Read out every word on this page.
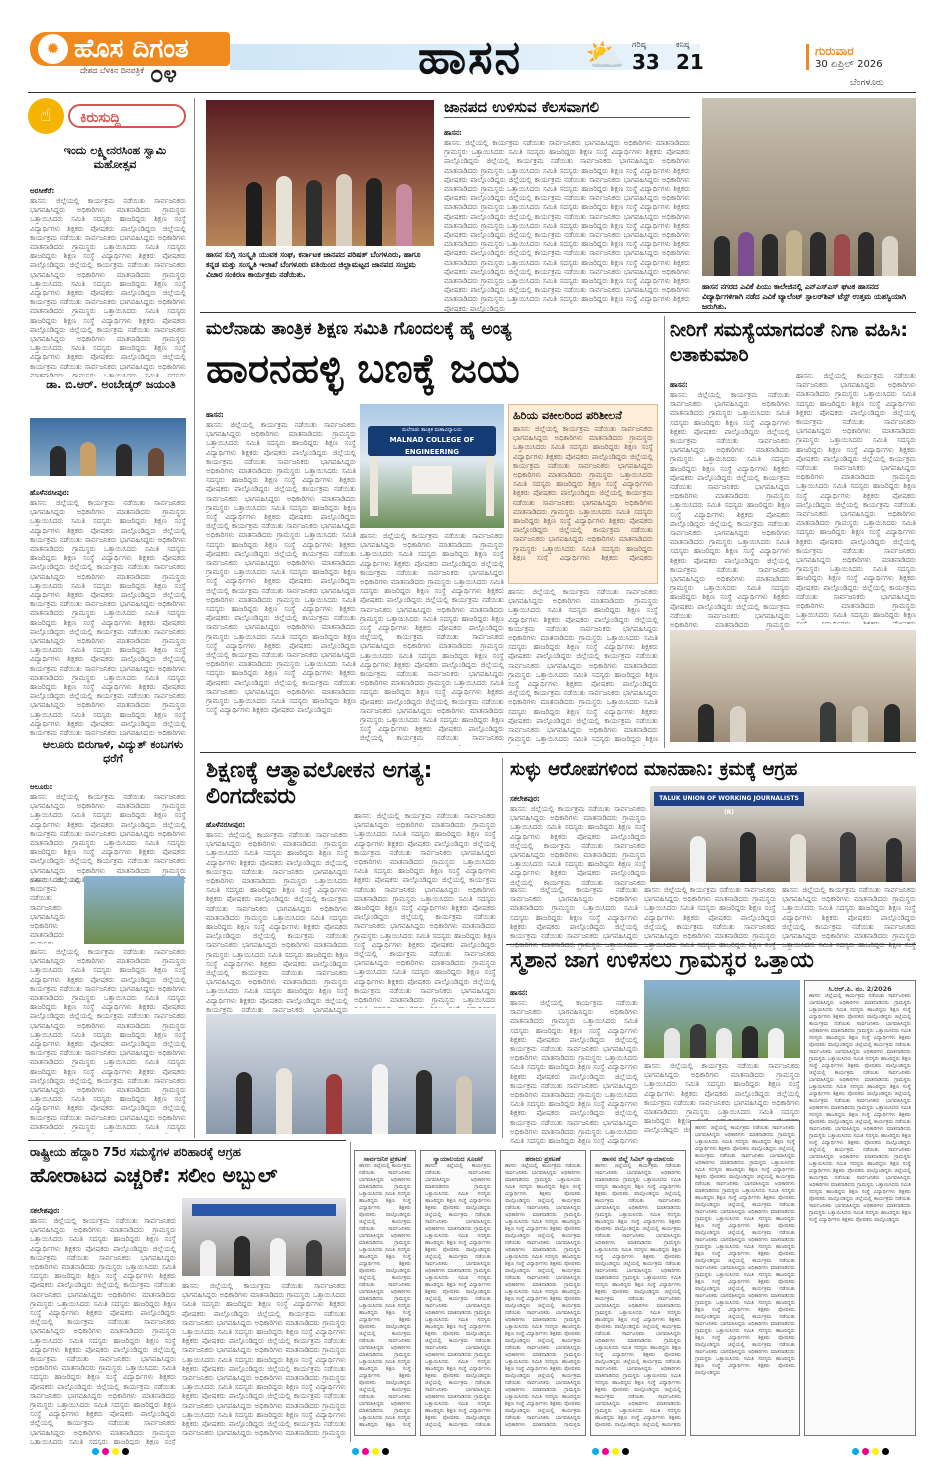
ಹೊಸ ದಿಗಂತ
✹
ದೇಶದ ಬೆಳಕಿನ ದಿನಪತ್ರಿಕೆ ೦೪	ಹಾಸನ ⛅ ಗರಿಷ್ಠ
33
ಕನಿಷ್ಠ
21	ಗುರುವಾರ
30 ಏಪ್ರಿಲ್ 2026
ಬೆಂಗಳೂರು
☝	ಕಿರುಸುದ್ದಿ
ಇಂದು ಲಕ್ಷ್ಮೀನರಸಿಂಹ ಸ್ವಾಮಿ ಮಹೋತ್ಸವ
ಅರಸೀಕೆರೆ:
ಹಾಸನ: ಜಿಲ್ಲೆಯಲ್ಲಿ ಕಾರ್ಯಕ್ರಮ ನಡೆಯಿತು ಸಾರ್ವಜನಿಕರು ಭಾಗವಹಿಸಿದ್ದರು ಅಧಿಕಾರಿಗಳು ಮಾತನಾಡಿದರು ಗ್ರಾಮಸ್ಥರು ಒತ್ತಾಯಿಸಿದರು ಸಮಿತಿ ಸದಸ್ಯರು ಹಾಜರಿದ್ದರು ಶಿಕ್ಷಣ ಸಂಸ್ಥೆ ವಿದ್ಯಾರ್ಥಿಗಳು ಶಿಕ್ಷಕರು ಪೋಷಕರು ಪಾಲ್ಗೊಂಡಿದ್ದರು ಜಿಲ್ಲೆಯಲ್ಲಿ ಕಾರ್ಯಕ್ರಮ ನಡೆಯಿತು ಸಾರ್ವಜನಿಕರು ಭಾಗವಹಿಸಿದ್ದರು ಅಧಿಕಾರಿಗಳು ಮಾತನಾಡಿದರು ಗ್ರಾಮಸ್ಥರು ಒತ್ತಾಯಿಸಿದರು ಸಮಿತಿ ಸದಸ್ಯರು ಹಾಜರಿದ್ದರು ಶಿಕ್ಷಣ ಸಂಸ್ಥೆ ವಿದ್ಯಾರ್ಥಿಗಳು ಶಿಕ್ಷಕರು ಪೋಷಕರು ಪಾಲ್ಗೊಂಡಿದ್ದರು ಜಿಲ್ಲೆಯಲ್ಲಿ ಕಾರ್ಯಕ್ರಮ ನಡೆಯಿತು ಸಾರ್ವಜನಿಕರು ಭಾಗವಹಿಸಿದ್ದರು ಅಧಿಕಾರಿಗಳು ಮಾತನಾಡಿದರು ಗ್ರಾಮಸ್ಥರು ಒತ್ತಾಯಿಸಿದರು ಸಮಿತಿ ಸದಸ್ಯರು ಹಾಜರಿದ್ದರು ಶಿಕ್ಷಣ ಸಂಸ್ಥೆ ವಿದ್ಯಾರ್ಥಿಗಳು ಶಿಕ್ಷಕರು ಪೋಷಕರು ಪಾಲ್ಗೊಂಡಿದ್ದರು ಜಿಲ್ಲೆಯಲ್ಲಿ ಕಾರ್ಯಕ್ರಮ ನಡೆಯಿತು ಸಾರ್ವಜನಿಕರು ಭಾಗವಹಿಸಿದ್ದರು ಅಧಿಕಾರಿಗಳು ಮಾತನಾಡಿದರು ಗ್ರಾಮಸ್ಥರು ಒತ್ತಾಯಿಸಿದರು ಸಮಿತಿ ಸದಸ್ಯರು ಹಾಜರಿದ್ದರು ಶಿಕ್ಷಣ ಸಂಸ್ಥೆ ವಿದ್ಯಾರ್ಥಿಗಳು ಶಿಕ್ಷಕರು ಪೋಷಕರು ಪಾಲ್ಗೊಂಡಿದ್ದರು ಜಿಲ್ಲೆಯಲ್ಲಿ ಕಾರ್ಯಕ್ರಮ ನಡೆಯಿತು ಸಾರ್ವಜನಿಕರು ಭಾಗವಹಿಸಿದ್ದರು ಅಧಿಕಾರಿಗಳು ಮಾತನಾಡಿದರು ಗ್ರಾಮಸ್ಥರು ಒತ್ತಾಯಿಸಿದರು ಸಮಿತಿ ಸದಸ್ಯರು ಹಾಜರಿದ್ದರು ಶಿಕ್ಷಣ ಸಂಸ್ಥೆ ವಿದ್ಯಾರ್ಥಿಗಳು ಶಿಕ್ಷಕರು ಪೋಷಕರು ಪಾಲ್ಗೊಂಡಿದ್ದರು ಜಿಲ್ಲೆಯಲ್ಲಿ ಕಾರ್ಯಕ್ರಮ ನಡೆಯಿತು ಸಾರ್ವಜನಿಕರು ಭಾಗವಹಿಸಿದ್ದರು ಅಧಿಕಾರಿಗಳು ಮಾತನಾಡಿದರು ಗ್ರಾಮಸ್ಥರು ಒತ್ತಾಯಿಸಿದರು ಸಮಿತಿ ಸದಸ್ಯರು ಹಾಜರಿದ್ದರು ಶಿಕ್ಷಣ ಸಂಸ್ಥೆ ವಿದ್ಯಾರ್ಥಿಗಳು ಶಿಕ್ಷಕರು ಪೋಷಕರು ಪಾಲ್ಗೊಂಡಿದ್ದರು ಜಿಲ್ಲೆಯಲ್ಲಿ ಕಾರ್ಯಕ್ರಮ ನಡೆಯಿತು ಸಾರ್ವಜನಿಕರು ಭಾಗವಹಿಸಿದ್ದರು ಅಧಿಕಾರಿಗಳು ಮಾತನಾಡಿದರು ಗ್ರಾಮಸ್ಥರು ಒತ್ತಾಯಿಸಿದರು ಸಮಿತಿ ಸದಸ್ಯರು ಹಾಜರಿದ್ದರು ಶಿಕ್ಷಣ ಸಂಸ್ಥೆ ವಿದ್ಯಾರ್ಥಿಗಳು ಶಿಕ್ಷಕರು ಪೋಷಕರು ಪಾಲ್ಗೊಂಡಿದ್ದರು ಜಿಲ್ಲೆಯಲ್ಲಿ ಕಾರ್ಯಕ್ರಮ ನಡೆಯಿತು ಸಾರ್ವಜನಿಕರು ಭಾಗವಹಿಸಿದ್ದರು ಅಧಿಕಾರಿಗಳು ಮಾತನಾಡಿದರು ಗ್ರಾಮಸ್ಥರು ಒತ್ತಾಯಿಸಿದರು ಸಮಿತಿ ಸದಸ್ಯರು ಹಾಜರಿದ್ದರು ಶಿಕ್ಷಣ ಸಂಸ್ಥೆ ವಿದ್ಯಾರ್ಥಿಗಳು ಶಿಕ್ಷಕರು ಪೋಷಕರು ಪಾಲ್ಗೊಂಡಿದ್ದರು ಜಿಲ್ಲೆಯಲ್ಲಿ ಕಾರ್ಯಕ್ರಮ ನಡೆಯಿತು ಸಾರ್ವಜನಿಕರು ಭಾಗವಹಿಸಿದ್ದರು ಅಧಿಕಾರಿಗಳು ಮಾತನಾಡಿದರು ಗ್ರಾಮಸ್ಥರು ಒತ್ತಾಯಿಸಿದರು ಸಮಿತಿ ಸದಸ್ಯರು ಹಾಜರಿದ್ದರು ಶಿಕ್ಷಣ ಸಂಸ್ಥೆ ವಿದ್ಯಾರ್ಥಿಗಳು ಶಿಕ್ಷಕರು ಪೋಷಕರು ಪಾಲ್ಗೊಂಡಿದ್ದರು
ಡಾ. ಬಿ.ಆರ್. ಅಂಬೇಡ್ಕರ್ ಜಯಂತಿ
ಹೊಳೆನರಸೀಪುರ:
ಹಾಸನ: ಜಿಲ್ಲೆಯಲ್ಲಿ ಕಾರ್ಯಕ್ರಮ ನಡೆಯಿತು ಸಾರ್ವಜನಿಕರು ಭಾಗವಹಿಸಿದ್ದರು ಅಧಿಕಾರಿಗಳು ಮಾತನಾಡಿದರು ಗ್ರಾಮಸ್ಥರು ಒತ್ತಾಯಿಸಿದರು ಸಮಿತಿ ಸದಸ್ಯರು ಹಾಜರಿದ್ದರು ಶಿಕ್ಷಣ ಸಂಸ್ಥೆ ವಿದ್ಯಾರ್ಥಿಗಳು ಶಿಕ್ಷಕರು ಪೋಷಕರು ಪಾಲ್ಗೊಂಡಿದ್ದರು ಜಿಲ್ಲೆಯಲ್ಲಿ ಕಾರ್ಯಕ್ರಮ ನಡೆಯಿತು ಸಾರ್ವಜನಿಕರು ಭಾಗವಹಿಸಿದ್ದರು ಅಧಿಕಾರಿಗಳು ಮಾತನಾಡಿದರು ಗ್ರಾಮಸ್ಥರು ಒತ್ತಾಯಿಸಿದರು ಸಮಿತಿ ಸದಸ್ಯರು ಹಾಜರಿದ್ದರು ಶಿಕ್ಷಣ ಸಂಸ್ಥೆ ವಿದ್ಯಾರ್ಥಿಗಳು ಶಿಕ್ಷಕರು ಪೋಷಕರು ಪಾಲ್ಗೊಂಡಿದ್ದರು ಜಿಲ್ಲೆಯಲ್ಲಿ ಕಾರ್ಯಕ್ರಮ ನಡೆಯಿತು ಸಾರ್ವಜನಿಕರು ಭಾಗವಹಿಸಿದ್ದರು ಅಧಿಕಾರಿಗಳು ಮಾತನಾಡಿದರು ಗ್ರಾಮಸ್ಥರು ಒತ್ತಾಯಿಸಿದರು ಸಮಿತಿ ಸದಸ್ಯರು ಹಾಜರಿದ್ದರು ಶಿಕ್ಷಣ ಸಂಸ್ಥೆ ವಿದ್ಯಾರ್ಥಿಗಳು ಶಿಕ್ಷಕರು ಪೋಷಕರು ಪಾಲ್ಗೊಂಡಿದ್ದರು ಜಿಲ್ಲೆಯಲ್ಲಿ ಕಾರ್ಯಕ್ರಮ ನಡೆಯಿತು ಸಾರ್ವಜನಿಕರು ಭಾಗವಹಿಸಿದ್ದರು ಅಧಿಕಾರಿಗಳು ಮಾತನಾಡಿದರು ಗ್ರಾಮಸ್ಥರು ಒತ್ತಾಯಿಸಿದರು ಸಮಿತಿ ಸದಸ್ಯರು ಹಾಜರಿದ್ದರು ಶಿಕ್ಷಣ ಸಂಸ್ಥೆ ವಿದ್ಯಾರ್ಥಿಗಳು ಶಿಕ್ಷಕರು ಪೋಷಕರು ಪಾಲ್ಗೊಂಡಿದ್ದರು ಜಿಲ್ಲೆಯಲ್ಲಿ ಕಾರ್ಯಕ್ರಮ ನಡೆಯಿತು ಸಾರ್ವಜನಿಕರು ಭಾಗವಹಿಸಿದ್ದರು ಅಧಿಕಾರಿಗಳು ಮಾತನಾಡಿದರು ಗ್ರಾಮಸ್ಥರು ಒತ್ತಾಯಿಸಿದರು ಸಮಿತಿ ಸದಸ್ಯರು ಹಾಜರಿದ್ದರು ಶಿಕ್ಷಣ ಸಂಸ್ಥೆ ವಿದ್ಯಾರ್ಥಿಗಳು ಶಿಕ್ಷಕರು ಪೋಷಕರು ಪಾಲ್ಗೊಂಡಿದ್ದರು ಜಿಲ್ಲೆಯಲ್ಲಿ ಕಾರ್ಯಕ್ರಮ ನಡೆಯಿತು ಸಾರ್ವಜನಿಕರು ಭಾಗವಹಿಸಿದ್ದರು ಅಧಿಕಾರಿಗಳು ಮಾತನಾಡಿದರು ಗ್ರಾಮಸ್ಥರು ಒತ್ತಾಯಿಸಿದರು ಸಮಿತಿ ಸದಸ್ಯರು ಹಾಜರಿದ್ದರು ಶಿಕ್ಷಣ ಸಂಸ್ಥೆ ವಿದ್ಯಾರ್ಥಿಗಳು ಶಿಕ್ಷಕರು ಪೋಷಕರು ಪಾಲ್ಗೊಂಡಿದ್ದರು ಜಿಲ್ಲೆಯಲ್ಲಿ ಕಾರ್ಯಕ್ರಮ ನಡೆಯಿತು ಸಾರ್ವಜನಿಕರು ಭಾಗವಹಿಸಿದ್ದರು ಅಧಿಕಾರಿಗಳು ಮಾತನಾಡಿದರು ಗ್ರಾಮಸ್ಥರು ಒತ್ತಾಯಿಸಿದರು ಸಮಿತಿ ಸದಸ್ಯರು ಹಾಜರಿದ್ದರು ಶಿಕ್ಷಣ ಸಂಸ್ಥೆ ವಿದ್ಯಾರ್ಥಿಗಳು ಶಿಕ್ಷಕರು ಪೋಷಕರು ಪಾಲ್ಗೊಂಡಿದ್ದರು ಜಿಲ್ಲೆಯಲ್ಲಿ ಕಾರ್ಯಕ್ರಮ ನಡೆಯಿತು ಸಾರ್ವಜನಿಕರು ಭಾಗವಹಿಸಿದ್ದರು ಅಧಿಕಾರಿಗಳು ಮಾತನಾಡಿದರು ಗ್ರಾಮಸ್ಥರು ಒತ್ತಾಯಿಸಿದರು ಸಮಿತಿ ಸದಸ್ಯರು ಹಾಜರಿದ್ದರು ಶಿಕ್ಷಣ ಸಂಸ್ಥೆ ವಿದ್ಯಾರ್ಥಿಗಳು ಶಿಕ್ಷಕರು ಪೋಷಕರು ಪಾಲ್ಗೊಂಡಿದ್ದರು ಜಿಲ್ಲೆಯಲ್ಲಿ ಕಾರ್ಯಕ್ರಮ ನಡೆಯಿತು ಸಾರ್ವಜನಿಕರು ಭಾಗವಹಿಸಿದ್ದರು ಅಧಿಕಾರಿಗಳು ಮಾತನಾಡಿದರು ಗ್ರಾಮಸ್ಥರು ಒತ್ತಾಯಿಸಿದರು ಸಮಿತಿ ಸದಸ್ಯರು ಹಾಜರಿದ್ದರು ಶಿಕ್ಷಣ ಸಂಸ್ಥೆ ವಿದ್ಯಾರ್ಥಿಗಳು ಶಿಕ್ಷಕರು ಪೋಷಕರು ಪಾಲ್ಗೊಂಡಿದ್ದರು
ಆಲೂರು ಬಿರುಗಾಳಿ, ವಿದ್ಯುತ್ ಕಂಬಗಳು ಧರೆಗೆ
ಆಲೂರು:
ಹಾಸನ: ಜಿಲ್ಲೆಯಲ್ಲಿ ಕಾರ್ಯಕ್ರಮ ನಡೆಯಿತು ಸಾರ್ವಜನಿಕರು ಭಾಗವಹಿಸಿದ್ದರು ಅಧಿಕಾರಿಗಳು ಮಾತನಾಡಿದರು ಗ್ರಾಮಸ್ಥರು ಒತ್ತಾಯಿಸಿದರು ಸಮಿತಿ ಸದಸ್ಯರು ಹಾಜರಿದ್ದರು ಶಿಕ್ಷಣ ಸಂಸ್ಥೆ ವಿದ್ಯಾರ್ಥಿಗಳು ಶಿಕ್ಷಕರು ಪೋಷಕರು ಪಾಲ್ಗೊಂಡಿದ್ದರು ಜಿಲ್ಲೆಯಲ್ಲಿ ಕಾರ್ಯಕ್ರಮ ನಡೆಯಿತು ಸಾರ್ವಜನಿಕರು ಭಾಗವಹಿಸಿದ್ದರು ಅಧಿಕಾರಿಗಳು ಮಾತನಾಡಿದರು ಗ್ರಾಮಸ್ಥರು ಒತ್ತಾಯಿಸಿದರು ಸಮಿತಿ ಸದಸ್ಯರು ಹಾಜರಿದ್ದರು ಶಿಕ್ಷಣ ಸಂಸ್ಥೆ ವಿದ್ಯಾರ್ಥಿಗಳು ಶಿಕ್ಷಕರು ಪೋಷಕರು ಪಾಲ್ಗೊಂಡಿದ್ದರು ಜಿಲ್ಲೆಯಲ್ಲಿ ಕಾರ್ಯಕ್ರಮ ನಡೆಯಿತು ಸಾರ್ವಜನಿಕರು ಭಾಗವಹಿಸಿದ್ದರು ಅಧಿಕಾರಿಗಳು ಮಾತನಾಡಿದರು ಗ್ರಾಮಸ್ಥರು ಒತ್ತಾಯಿಸಿದರು ಸಮಿತಿ ಸದಸ್ಯರು ಹಾಜರಿದ್ದರು ಶಿಕ್ಷಣ ಸಂಸ್ಥೆ ವಿದ್ಯಾರ್ಥಿಗಳು ಶಿಕ್ಷಕರು ಪೋಷಕರು ಪಾಲ್ಗೊಂಡಿದ್ದರು ಜಿಲ್ಲೆಯಲ್ಲಿ ಕಾರ್ಯಕ್ರಮ ನಡೆಯಿತು ಸಾರ್ವಜನಿಕರು ಭಾಗವಹಿಸಿದ್ದರು ಅಧಿಕಾರಿಗಳು ಮಾತನಾಡಿದರು ಗ್ರಾಮಸ್ಥರು ಒತ್ತಾಯಿಸಿದರು ಸಮಿತಿ ಸದಸ್ಯರು ಹಾಜರಿದ್ದರು ಶಿಕ್ಷಣ ಸಂಸ್ಥೆ ವಿದ್ಯಾರ್ಥಿಗಳು ಶಿಕ್ಷಕರು ಪೋಷಕರು ಪಾಲ್ಗೊಂಡಿದ್ದರು ಜಿಲ್ಲೆಯಲ್ಲಿ ಕಾರ್ಯಕ್ರಮ ನಡೆಯಿತು ಸಾರ್ವಜನಿಕರು ಭಾಗವಹಿಸಿದ್ದರು ಅಧಿಕಾರಿಗಳು ಮಾತನಾಡಿದರು ಗ್ರಾಮಸ್ಥರು ಒತ್ತಾಯಿಸಿದರು ಸಮಿತಿ ಸದಸ್ಯರು ಹಾಜರಿದ್ದರು ಶಿಕ್ಷಣ ಸಂಸ್ಥೆ ವಿದ್ಯಾರ್ಥಿಗಳು ಶಿಕ್ಷಕರು ಪೋಷಕರು ಪಾಲ್ಗೊಂಡಿದ್ದರು ಜಿಲ್ಲೆಯಲ್ಲಿ ಕಾರ್ಯಕ್ರಮ ನಡೆಯಿತು ಸಾರ್ವಜನಿಕರು ಭಾಗವಹಿಸಿದ್ದರು ಅಧಿಕಾರಿಗಳು ಮಾತನಾಡಿದರು ಗ್ರಾಮಸ್ಥರು ಒತ್ತಾಯಿಸಿದರು ಸಮಿತಿ ಸದಸ್ಯರು ಹಾಜರಿದ್ದರು ಶಿಕ್ಷಣ ಸಂಸ್ಥೆ ವಿದ್ಯಾರ್ಥಿಗಳು ಶಿಕ್ಷಕರು ಪೋಷಕರು ಪಾಲ್ಗೊಂಡಿದ್ದರು ಜಿಲ್ಲೆಯಲ್ಲಿ ಕಾರ್ಯಕ್ರಮ ನಡೆಯಿತು ಸಾರ್ವಜನಿಕರು ಭಾಗವಹಿಸಿದ್ದರು ಅಧಿಕಾರಿಗಳು ಮಾತನಾಡಿದರು ಗ್ರಾಮಸ್ಥರು ಒತ್ತಾಯಿಸಿದರು ಸಮಿತಿ ಸದಸ್ಯರು ಹಾಜರಿದ್ದರು ಶಿಕ್ಷಣ ಸಂಸ್ಥೆ ವಿದ್ಯಾರ್ಥಿಗಳು ಶಿಕ್ಷಕರು ಪೋಷಕರು ಪಾಲ್ಗೊಂಡಿದ್ದರು ಜಿಲ್ಲೆಯಲ್ಲಿ ಕಾರ್ಯಕ್ರಮ ನಡೆಯಿತು ಸಾರ್ವಜನಿಕರು ಭಾಗವಹಿಸಿದ್ದರು ಅಧಿಕಾರಿಗಳು ಮಾತನಾಡಿದರು ಗ್ರಾಮಸ್ಥರು ಒತ್ತಾಯಿಸಿದರು ಸಮಿತಿ ಸದಸ್ಯರು ಹಾಜರಿದ್ದರು ಶಿಕ್ಷಣ ಸಂಸ್ಥೆ ವಿದ್ಯಾರ್ಥಿಗಳು ಶಿಕ್ಷಕರು ಪೋಷಕರು ಪಾಲ್ಗೊಂಡಿದ್ದರು ಜಿಲ್ಲೆಯಲ್ಲಿ ಕಾರ್ಯಕ್ರಮ ನಡೆಯಿತು ಸಾರ್ವಜನಿಕರು ಭಾಗವಹಿಸಿದ್ದರು ಅಧಿಕಾರಿಗಳು ಮಾತನಾಡಿದರು ಗ್ರಾಮಸ್ಥರು ಒತ್ತಾಯಿಸಿದರು ಸಮಿತಿ ಸದಸ್ಯರು ಹಾಜರಿದ್ದರು ಶಿಕ್ಷಣ ಸಂಸ್ಥೆ ವಿದ್ಯಾರ್ಥಿಗಳು ಶಿಕ್ಷಕರು ಪೋಷಕರು ಪಾಲ್ಗೊಂಡಿದ್ದರು
ಹಾಸನ: ಜಿಲ್ಲೆಯಲ್ಲಿ ಕಾರ್ಯಕ್ರಮ ನಡೆಯಿತು ಸಾರ್ವಜನಿಕರು ಭಾಗವಹಿಸಿದ್ದರು ಅಧಿಕಾರಿಗಳು ಮಾತನಾಡಿದರು ಗ್ರಾಮಸ್ಥರು ಒತ್ತಾಯಿಸಿದರು ಸಮಿತಿ ಸದಸ್ಯರು ಹಾಜರಿದ್ದರು ಶಿಕ್ಷಣ ಸಂಸ್ಥೆ ವಿದ್ಯಾರ್ಥಿಗಳು ಶಿಕ್ಷಕರು ಪೋಷಕರು ಪಾಲ್ಗೊಂಡಿದ್ದರು ಜಿಲ್ಲೆಯಲ್ಲಿ ಕಾರ್ಯಕ್ರಮ ನಡೆಯಿತು ಸಾರ್ವಜನಿಕರು ಭಾಗವಹಿಸಿದ್ದರು ಅಧಿಕಾರಿಗಳು ಮಾತನಾಡಿದರು ಗ್ರಾಮಸ್ಥರು ಒತ್ತಾಯಿಸಿದರು ಸಮಿತಿ ಸದಸ್ಯರು ಹಾಜರಿದ್ದರು ಶಿಕ್ಷಣ ಸಂಸ್ಥೆ ವಿದ್ಯಾರ್ಥಿಗಳು ಶಿಕ್ಷಕರು ಪೋಷಕರು ಪಾಲ್ಗೊಂಡಿದ್ದರು ಜಿಲ್ಲೆಯಲ್ಲಿ ಕಾರ್ಯಕ್ರಮ ನಡೆಯಿತು ಸಾರ್ವಜನಿಕರು ಭಾಗವಹಿಸಿದ್ದರು ಅಧಿಕಾರಿಗಳು ಮಾತನಾಡಿದರು ಗ್ರಾಮಸ್ಥರು ಒತ್ತಾಯಿಸಿದರು ಸಮಿತಿ ಸದಸ್ಯರು ಹಾಜರಿದ್ದರು ಶಿಕ್ಷಣ ಸಂಸ್ಥೆ ವಿದ್ಯಾರ್ಥಿಗಳು ಶಿಕ್ಷಕರು ಪೋಷಕರು ಪಾಲ್ಗೊಂಡಿದ್ದರು ಜಿಲ್ಲೆಯಲ್ಲಿ ಕಾರ್ಯಕ್ರಮ ನಡೆಯಿತು ಸಾರ್ವಜನಿಕರು ಭಾಗವಹಿಸಿದ್ದರು ಅಧಿಕಾರಿಗಳು ಮಾತನಾಡಿದರು ಗ್ರಾಮಸ್ಥರು ಒತ್ತಾಯಿಸಿದರು ಸಮಿತಿ ಸದಸ್ಯರು ಹಾಜರಿದ್ದರು ಶಿಕ್ಷಣ ಸಂಸ್ಥೆ ವಿದ್ಯಾರ್ಥಿಗಳು ಶಿಕ್ಷಕರು ಪೋಷಕರು ಪಾಲ್ಗೊಂಡಿದ್ದರು ಜಿಲ್ಲೆಯಲ್ಲಿ ಕಾರ್ಯಕ್ರಮ ನಡೆಯಿತು ಸಾರ್ವಜನಿಕರು ಭಾಗವಹಿಸಿದ್ದರು ಅಧಿಕಾರಿಗಳು ಮಾತನಾಡಿದರು ಗ್ರಾಮಸ್ಥರು ಒತ್ತಾಯಿಸಿದರು ಸಮಿತಿ ಸದಸ್ಯರು ಹಾಜರಿದ್ದರು ಶಿಕ್ಷಣ ಸಂಸ್ಥೆ ವಿದ್ಯಾರ್ಥಿಗಳು ಶಿಕ್ಷಕರು ಪೋಷಕರು ಪಾಲ್ಗೊಂಡಿದ್ದರು ಜಿಲ್ಲೆಯಲ್ಲಿ ಕಾರ್ಯಕ್ರಮ ನಡೆಯಿತು ಸಾರ್ವಜನಿಕರು ಭಾಗವಹಿಸಿದ್ದರು ಅಧಿಕಾರಿಗಳು ಮಾತನಾಡಿದರು ಗ್ರಾಮಸ್ಥರು ಒತ್ತಾಯಿಸಿದರು ಸಮಿತಿ ಸದಸ್ಯರು ಹಾಜರಿದ್ದರು ಶಿಕ್ಷಣ ಸಂಸ್ಥೆ ವಿದ್ಯಾರ್ಥಿಗಳು ಶಿಕ್ಷಕರು ಪೋಷಕರು ಪಾಲ್ಗೊಂಡಿದ್ದರು ಜಿಲ್ಲೆಯಲ್ಲಿ ಕಾರ್ಯಕ್ರಮ ನಡೆಯಿತು ಸಾರ್ವಜನಿಕರು ಭಾಗವಹಿಸಿದ್ದರು ಅಧಿಕಾರಿಗಳು ಮಾತನಾಡಿದರು ಗ್ರಾಮಸ್ಥರು ಒತ್ತಾಯಿಸಿದರು ಸಮಿತಿ ಸದಸ್ಯರು ಹಾಜರಿದ್ದರು ಶಿಕ್ಷಣ ಸಂಸ್ಥೆ ವಿದ್ಯಾರ್ಥಿಗಳು ಶಿಕ್ಷಕರು ಪೋಷಕರು ಪಾಲ್ಗೊಂಡಿದ್ದರು ಜಿಲ್ಲೆಯಲ್ಲಿ ಕಾರ್ಯಕ್ರಮ ನಡೆಯಿತು ಸಾರ್ವಜನಿಕರು ಭಾಗವಹಿಸಿದ್ದರು ಅಧಿಕಾರಿಗಳು ಮಾತನಾಡಿದರು ಗ್ರಾಮಸ್ಥರು ಒತ್ತಾಯಿಸಿದರು ಸಮಿತಿ ಸದಸ್ಯರು ಹಾಜರಿದ್ದರು ಶಿಕ್ಷಣ ಸಂಸ್ಥೆ ವಿದ್ಯಾರ್ಥಿಗಳು ಶಿಕ್ಷಕರು ಪೋಷಕರು ಪಾಲ್ಗೊಂಡಿದ್ದರು ಜಿಲ್ಲೆಯಲ್ಲಿ ಕಾರ್ಯಕ್ರಮ ನಡೆಯಿತು ಸಾರ್ವಜನಿಕರು ಭಾಗವಹಿಸಿದ್ದರು ಅಧಿಕಾರಿಗಳು ಮಾತನಾಡಿದರು ಗ್ರಾಮಸ್ಥರು ಒತ್ತಾಯಿಸಿದರು ಸಮಿತಿ ಸದಸ್ಯರು ಹಾಜರಿದ್ದರು ಶಿಕ್ಷಣ ಸಂಸ್ಥೆ ವಿದ್ಯಾರ್ಥಿಗಳು ಶಿಕ್ಷಕರು ಪೋಷಕರು ಪಾಲ್ಗೊಂಡಿದ್ದರು
ಹಾಸನ: ಜಿಲ್ಲೆಯಲ್ಲಿ ಕಾರ್ಯಕ್ರಮ ನಡೆಯಿತು ಸಾರ್ವಜನಿಕರು ಭಾಗವಹಿಸಿದ್ದರು ಅಧಿಕಾರಿಗಳು ಮಾತನಾಡಿದರು ಗ್ರಾಮಸ್ಥರು ಒತ್ತಾಯಿಸಿದರು ಸಮಿತಿ ಸದಸ್ಯರು ಹಾಜರಿದ್ದರು ಶಿಕ್ಷಣ ಸಂಸ್ಥೆ ವಿದ್ಯಾರ್ಥಿಗಳು ಶಿಕ್ಷಕರು ಪೋಷಕರು ಪಾಲ್ಗೊಂಡಿದ್ದರು ಜಿಲ್ಲೆಯಲ್ಲಿ ಕಾರ್ಯಕ್ರಮ ನಡೆಯಿತು ಸಾರ್ವಜನಿಕರು ಭಾಗವಹಿಸಿದ್ದರು ಅಧಿಕಾರಿಗಳು ಮಾತನಾಡಿದರು ಗ್ರಾಮಸ್ಥರು ಒತ್ತಾಯಿಸಿದರು ಸಮಿತಿ ಸದಸ್ಯರು ಹಾಜರಿದ್ದರು ಶಿಕ್ಷಣ ಸಂಸ್ಥೆ ವಿದ್ಯಾರ್ಥಿಗಳು ಶಿಕ್ಷಕರು ಪೋಷಕರು ಪಾಲ್ಗೊಂಡಿದ್ದರು ಜಿಲ್ಲೆಯಲ್ಲಿ ಕಾರ್ಯಕ್ರಮ ನಡೆಯಿತು ಸಾರ್ವಜನಿಕರು ಭಾಗವಹಿಸಿದ್ದರು ಅಧಿಕಾರಿಗಳು ಮಾತನಾಡಿದರು ಗ್ರಾಮಸ್ಥರು ಒತ್ತಾಯಿಸಿದರು ಸಮಿತಿ ಸದಸ್ಯರು ಹಾಜರಿದ್ದರು ಶಿಕ್ಷಣ ಸಂಸ್ಥೆ ವಿದ್ಯಾರ್ಥಿಗಳು ಶಿಕ್ಷಕರು ಪೋಷಕರು ಪಾಲ್ಗೊಂಡಿದ್ದರು ಜಿಲ್ಲೆಯಲ್ಲಿ ಕಾರ್ಯಕ್ರಮ ನಡೆಯಿತು ಸಾರ್ವಜನಿಕರು ಭಾಗವಹಿಸಿದ್ದರು ಅಧಿಕಾರಿಗಳು ಮಾತನಾಡಿದರು ಗ್ರಾಮಸ್ಥರು ಒತ್ತಾಯಿಸಿದರು ಸಮಿತಿ ಸದಸ್ಯರು ಹಾಜರಿದ್ದರು ಶಿಕ್ಷಣ ಸಂಸ್ಥೆ ವಿದ್ಯಾರ್ಥಿಗಳು ಶಿಕ್ಷಕರು ಪೋಷಕರು ಪಾಲ್ಗೊಂಡಿದ್ದರು ಜಿಲ್ಲೆಯಲ್ಲಿ ಕಾರ್ಯಕ್ರಮ ನಡೆಯಿತು ಸಾರ್ವಜನಿಕರು ಭಾಗವಹಿಸಿದ್ದರು ಅಧಿಕಾರಿಗಳು ಮಾತನಾಡಿದರು ಗ್ರಾಮಸ್ಥರು ಒತ್ತಾಯಿಸಿದರು ಸಮಿತಿ ಸದಸ್ಯರು ಹಾಜರಿದ್ದರು ಶಿಕ್ಷಣ ಸಂಸ್ಥೆ ವಿದ್ಯಾರ್ಥಿಗಳು ಶಿಕ್ಷಕರು ಪೋಷಕರು ಪಾಲ್ಗೊಂಡಿದ್ದರು ಜಿಲ್ಲೆಯಲ್ಲಿ ಕಾರ್ಯಕ್ರಮ ನಡೆಯಿತು ಸಾರ್ವಜನಿಕರು ಭಾಗವಹಿಸಿದ್ದರು ಅಧಿಕಾರಿಗಳು ಮಾತನಾಡಿದರು ಗ್ರಾಮಸ್ಥರು ಒತ್ತಾಯಿಸಿದರು ಸಮಿತಿ ಸದಸ್ಯರು ಹಾಜರಿದ್ದರು ಶಿಕ್ಷಣ ಸಂಸ್ಥೆ ವಿದ್ಯಾರ್ಥಿಗಳು ಶಿಕ್ಷಕರು ಪೋಷಕರು ಪಾಲ್ಗೊಂಡಿದ್ದರು ಜಿಲ್ಲೆಯಲ್ಲಿ ಕಾರ್ಯಕ್ರಮ ನಡೆಯಿತು ಸಾರ್ವಜನಿಕರು ಭಾಗವಹಿಸಿದ್ದರು ಅಧಿಕಾರಿಗಳು ಮಾತನಾಡಿದರು ಗ್ರಾಮಸ್ಥರು ಒತ್ತಾಯಿಸಿದರು ಸಮಿತಿ ಸದಸ್ಯರು ಹಾಜರಿದ್ದರು ಶಿಕ್ಷಣ ಸಂಸ್ಥೆ ವಿದ್ಯಾರ್ಥಿಗಳು ಶಿಕ್ಷಕರು ಪೋಷಕರು ಪಾಲ್ಗೊಂಡಿದ್ದರು ಜಿಲ್ಲೆಯಲ್ಲಿ ಕಾರ್ಯಕ್ರಮ ನಡೆಯಿತು ಸಾರ್ವಜನಿಕರು ಭಾಗವಹಿಸಿದ್ದರು ಅಧಿಕಾರಿಗಳು ಮಾತನಾಡಿದರು ಗ್ರಾಮಸ್ಥರು ಒತ್ತಾಯಿಸಿದರು ಸಮಿತಿ ಸದಸ್ಯರು ಹಾಜರಿದ್ದರು ಶಿಕ್ಷಣ ಸಂಸ್ಥೆ ವಿದ್ಯಾರ್ಥಿಗಳು ಶಿಕ್ಷಕರು ಪೋಷಕರು ಪಾಲ್ಗೊಂಡಿದ್ದರು ಜಿಲ್ಲೆಯಲ್ಲಿ ಕಾರ್ಯಕ್ರಮ ನಡೆಯಿತು ಸಾರ್ವಜನಿಕರು ಭಾಗವಹಿಸಿದ್ದರು ಅಧಿಕಾರಿಗಳು ಮಾತನಾಡಿದರು ಗ್ರಾಮಸ್ಥರು ಒತ್ತಾಯಿಸಿದರು ಸಮಿತಿ ಸದಸ್ಯರು ಹಾಜರಿದ್ದರು ಶಿಕ್ಷಣ ಸಂಸ್ಥೆ ವಿದ್ಯಾರ್ಥಿಗಳು ಶಿಕ್ಷಕರು ಪೋಷಕರು ಪಾಲ್ಗೊಂಡಿದ್ದರು
ಹಾಸನ ಸುಗ್ಗಿ ಸಂಸ್ಕೃತಿ ಯುವಕ ಸಂಘ, ಕರ್ನಾಟಕ ಜಾನಪದ ಪರಿಷತ್ ಬೆಂಗಳೂರು, ಹಾಗೂ ಕನ್ನಡ ಮತ್ತು ಸಂಸ್ಕೃತಿ ಇಲಾಖೆ ಬೆಂಗಳೂರು ವತಿಯಿಂದ ಜಿಲ್ಲಾಮಟ್ಟದ ಜಾನಪದ ಸಂಭ್ರಮ ವಿಚಾರ ಸಂಕಿರಣ ಕಾರ್ಯಕ್ರಮ ನಡೆಯಿತು.
ಜಾನಪದ ಉಳಿಸುವ ಕೆಲಸವಾಗಲಿ
ಹಾಸನ:
ಹಾಸನ: ಜಿಲ್ಲೆಯಲ್ಲಿ ಕಾರ್ಯಕ್ರಮ ನಡೆಯಿತು ಸಾರ್ವಜನಿಕರು ಭಾಗವಹಿಸಿದ್ದರು ಅಧಿಕಾರಿಗಳು ಮಾತನಾಡಿದರು ಗ್ರಾಮಸ್ಥರು ಒತ್ತಾಯಿಸಿದರು ಸಮಿತಿ ಸದಸ್ಯರು ಹಾಜರಿದ್ದರು ಶಿಕ್ಷಣ ಸಂಸ್ಥೆ ವಿದ್ಯಾರ್ಥಿಗಳು ಶಿಕ್ಷಕರು ಪೋಷಕರು ಪಾಲ್ಗೊಂಡಿದ್ದರು ಜಿಲ್ಲೆಯಲ್ಲಿ ಕಾರ್ಯಕ್ರಮ ನಡೆಯಿತು ಸಾರ್ವಜನಿಕರು ಭಾಗವಹಿಸಿದ್ದರು ಅಧಿಕಾರಿಗಳು ಮಾತನಾಡಿದರು ಗ್ರಾಮಸ್ಥರು ಒತ್ತಾಯಿಸಿದರು ಸಮಿತಿ ಸದಸ್ಯರು ಹಾಜರಿದ್ದರು ಶಿಕ್ಷಣ ಸಂಸ್ಥೆ ವಿದ್ಯಾರ್ಥಿಗಳು ಶಿಕ್ಷಕರು ಪೋಷಕರು ಪಾಲ್ಗೊಂಡಿದ್ದರು ಜಿಲ್ಲೆಯಲ್ಲಿ ಕಾರ್ಯಕ್ರಮ ನಡೆಯಿತು ಸಾರ್ವಜನಿಕರು ಭಾಗವಹಿಸಿದ್ದರು ಅಧಿಕಾರಿಗಳು ಮಾತನಾಡಿದರು ಗ್ರಾಮಸ್ಥರು ಒತ್ತಾಯಿಸಿದರು ಸಮಿತಿ ಸದಸ್ಯರು ಹಾಜರಿದ್ದರು ಶಿಕ್ಷಣ ಸಂಸ್ಥೆ ವಿದ್ಯಾರ್ಥಿಗಳು ಶಿಕ್ಷಕರು ಪೋಷಕರು ಪಾಲ್ಗೊಂಡಿದ್ದರು ಜಿಲ್ಲೆಯಲ್ಲಿ ಕಾರ್ಯಕ್ರಮ ನಡೆಯಿತು ಸಾರ್ವಜನಿಕರು ಭಾಗವಹಿಸಿದ್ದರು ಅಧಿಕಾರಿಗಳು ಮಾತನಾಡಿದರು ಗ್ರಾಮಸ್ಥರು ಒತ್ತಾಯಿಸಿದರು ಸಮಿತಿ ಸದಸ್ಯರು ಹಾಜರಿದ್ದರು ಶಿಕ್ಷಣ ಸಂಸ್ಥೆ ವಿದ್ಯಾರ್ಥಿಗಳು ಶಿಕ್ಷಕರು ಪೋಷಕರು ಪಾಲ್ಗೊಂಡಿದ್ದರು ಜಿಲ್ಲೆಯಲ್ಲಿ ಕಾರ್ಯಕ್ರಮ ನಡೆಯಿತು ಸಾರ್ವಜನಿಕರು ಭಾಗವಹಿಸಿದ್ದರು ಅಧಿಕಾರಿಗಳು ಮಾತನಾಡಿದರು ಗ್ರಾಮಸ್ಥರು ಒತ್ತಾಯಿಸಿದರು ಸಮಿತಿ ಸದಸ್ಯರು ಹಾಜರಿದ್ದರು ಶಿಕ್ಷಣ ಸಂಸ್ಥೆ ವಿದ್ಯಾರ್ಥಿಗಳು ಶಿಕ್ಷಕರು ಪೋಷಕರು ಪಾಲ್ಗೊಂಡಿದ್ದರು ಜಿಲ್ಲೆಯಲ್ಲಿ ಕಾರ್ಯಕ್ರಮ ನಡೆಯಿತು ಸಾರ್ವಜನಿಕರು ಭಾಗವಹಿಸಿದ್ದರು ಅಧಿಕಾರಿಗಳು ಮಾತನಾಡಿದರು ಗ್ರಾಮಸ್ಥರು ಒತ್ತಾಯಿಸಿದರು ಸಮಿತಿ ಸದಸ್ಯರು ಹಾಜರಿದ್ದರು ಶಿಕ್ಷಣ ಸಂಸ್ಥೆ ವಿದ್ಯಾರ್ಥಿಗಳು ಶಿಕ್ಷಕರು ಪೋಷಕರು ಪಾಲ್ಗೊಂಡಿದ್ದರು ಜಿಲ್ಲೆಯಲ್ಲಿ ಕಾರ್ಯಕ್ರಮ ನಡೆಯಿತು ಸಾರ್ವಜನಿಕರು ಭಾಗವಹಿಸಿದ್ದರು ಅಧಿಕಾರಿಗಳು ಮಾತನಾಡಿದರು ಗ್ರಾಮಸ್ಥರು ಒತ್ತಾಯಿಸಿದರು ಸಮಿತಿ ಸದಸ್ಯರು ಹಾಜರಿದ್ದರು ಶಿಕ್ಷಣ ಸಂಸ್ಥೆ ವಿದ್ಯಾರ್ಥಿಗಳು ಶಿಕ್ಷಕರು ಪೋಷಕರು ಪಾಲ್ಗೊಂಡಿದ್ದರು ಜಿಲ್ಲೆಯಲ್ಲಿ ಕಾರ್ಯಕ್ರಮ ನಡೆಯಿತು ಸಾರ್ವಜನಿಕರು ಭಾಗವಹಿಸಿದ್ದರು ಅಧಿಕಾರಿಗಳು ಮಾತನಾಡಿದರು ಗ್ರಾಮಸ್ಥರು ಒತ್ತಾಯಿಸಿದರು ಸಮಿತಿ ಸದಸ್ಯರು ಹಾಜರಿದ್ದರು ಶಿಕ್ಷಣ ಸಂಸ್ಥೆ ವಿದ್ಯಾರ್ಥಿಗಳು ಶಿಕ್ಷಕರು ಪೋಷಕರು ಪಾಲ್ಗೊಂಡಿದ್ದರು ಜಿಲ್ಲೆಯಲ್ಲಿ ಕಾರ್ಯಕ್ರಮ ನಡೆಯಿತು ಸಾರ್ವಜನಿಕರು ಭಾಗವಹಿಸಿದ್ದರು ಅಧಿಕಾರಿಗಳು ಮಾತನಾಡಿದರು ಗ್ರಾಮಸ್ಥರು ಒತ್ತಾಯಿಸಿದರು ಸಮಿತಿ ಸದಸ್ಯರು ಹಾಜರಿದ್ದರು ಶಿಕ್ಷಣ ಸಂಸ್ಥೆ ವಿದ್ಯಾರ್ಥಿಗಳು ಶಿಕ್ಷಕರು ಪೋಷಕರು ಪಾಲ್ಗೊಂಡಿದ್ದರು
ಹಾಸನ ನಗರದ ಎವಿಕೆ ಪಿಯು ಕಾಲೇಜಿನಲ್ಲಿ ಎನ್ಎಸ್ಎಸ್ ಘಟಕ ಹಾಸನದ ವಿದ್ಯಾರ್ಥಿಗಳಿಗಾಗಿ ನಡೆದ ಎವಿಕೆ ಟ್ಯಾಲೆಂಟ್ ಸ್ಪಾಲರ್‌ಶಿಪ್ ಟೆಸ್ಟ್ ಉತ್ತಮ ಯಶಸ್ವಿಯಾಗಿ ಜರುಗಿತು.
ಮಲೆನಾಡು ತಾಂತ್ರಿಕ ಶಿಕ್ಷಣ ಸಮಿತಿ ಗೊಂದಲಕ್ಕೆ ಹೈ ಅಂತ್ಯ
ಹಾರನಹಳ್ಳಿ ಬಣಕ್ಕೆ ಜಯ
ಹಾಸನ:
ಹಾಸನ: ಜಿಲ್ಲೆಯಲ್ಲಿ ಕಾರ್ಯಕ್ರಮ ನಡೆಯಿತು ಸಾರ್ವಜನಿಕರು ಭಾಗವಹಿಸಿದ್ದರು ಅಧಿಕಾರಿಗಳು ಮಾತನಾಡಿದರು ಗ್ರಾಮಸ್ಥರು ಒತ್ತಾಯಿಸಿದರು ಸಮಿತಿ ಸದಸ್ಯರು ಹಾಜರಿದ್ದರು ಶಿಕ್ಷಣ ಸಂಸ್ಥೆ ವಿದ್ಯಾರ್ಥಿಗಳು ಶಿಕ್ಷಕರು ಪೋಷಕರು ಪಾಲ್ಗೊಂಡಿದ್ದರು ಜಿಲ್ಲೆಯಲ್ಲಿ ಕಾರ್ಯಕ್ರಮ ನಡೆಯಿತು ಸಾರ್ವಜನಿಕರು ಭಾಗವಹಿಸಿದ್ದರು ಅಧಿಕಾರಿಗಳು ಮಾತನಾಡಿದರು ಗ್ರಾಮಸ್ಥರು ಒತ್ತಾಯಿಸಿದರು ಸಮಿತಿ ಸದಸ್ಯರು ಹಾಜರಿದ್ದರು ಶಿಕ್ಷಣ ಸಂಸ್ಥೆ ವಿದ್ಯಾರ್ಥಿಗಳು ಶಿಕ್ಷಕರು ಪೋಷಕರು ಪಾಲ್ಗೊಂಡಿದ್ದರು ಜಿಲ್ಲೆಯಲ್ಲಿ ಕಾರ್ಯಕ್ರಮ ನಡೆಯಿತು ಸಾರ್ವಜನಿಕರು ಭಾಗವಹಿಸಿದ್ದರು ಅಧಿಕಾರಿಗಳು ಮಾತನಾಡಿದರು ಗ್ರಾಮಸ್ಥರು ಒತ್ತಾಯಿಸಿದರು ಸಮಿತಿ ಸದಸ್ಯರು ಹಾಜರಿದ್ದರು ಶಿಕ್ಷಣ ಸಂಸ್ಥೆ ವಿದ್ಯಾರ್ಥಿಗಳು ಶಿಕ್ಷಕರು ಪೋಷಕರು ಪಾಲ್ಗೊಂಡಿದ್ದರು ಜಿಲ್ಲೆಯಲ್ಲಿ ಕಾರ್ಯಕ್ರಮ ನಡೆಯಿತು ಸಾರ್ವಜನಿಕರು ಭಾಗವಹಿಸಿದ್ದರು ಅಧಿಕಾರಿಗಳು ಮಾತನಾಡಿದರು ಗ್ರಾಮಸ್ಥರು ಒತ್ತಾಯಿಸಿದರು ಸಮಿತಿ ಸದಸ್ಯರು ಹಾಜರಿದ್ದರು ಶಿಕ್ಷಣ ಸಂಸ್ಥೆ ವಿದ್ಯಾರ್ಥಿಗಳು ಶಿಕ್ಷಕರು ಪೋಷಕರು ಪಾಲ್ಗೊಂಡಿದ್ದರು ಜಿಲ್ಲೆಯಲ್ಲಿ ಕಾರ್ಯಕ್ರಮ ನಡೆಯಿತು ಸಾರ್ವಜನಿಕರು ಭಾಗವಹಿಸಿದ್ದರು ಅಧಿಕಾರಿಗಳು ಮಾತನಾಡಿದರು ಗ್ರಾಮಸ್ಥರು ಒತ್ತಾಯಿಸಿದರು ಸಮಿತಿ ಸದಸ್ಯರು ಹಾಜರಿದ್ದರು ಶಿಕ್ಷಣ ಸಂಸ್ಥೆ ವಿದ್ಯಾರ್ಥಿಗಳು ಶಿಕ್ಷಕರು ಪೋಷಕರು ಪಾಲ್ಗೊಂಡಿದ್ದರು ಜಿಲ್ಲೆಯಲ್ಲಿ ಕಾರ್ಯಕ್ರಮ ನಡೆಯಿತು ಸಾರ್ವಜನಿಕರು ಭಾಗವಹಿಸಿದ್ದರು ಅಧಿಕಾರಿಗಳು ಮಾತನಾಡಿದರು ಗ್ರಾಮಸ್ಥರು ಒತ್ತಾಯಿಸಿದರು ಸಮಿತಿ ಸದಸ್ಯರು ಹಾಜರಿದ್ದರು ಶಿಕ್ಷಣ ಸಂಸ್ಥೆ ವಿದ್ಯಾರ್ಥಿಗಳು ಶಿಕ್ಷಕರು ಪೋಷಕರು ಪಾಲ್ಗೊಂಡಿದ್ದರು ಜಿಲ್ಲೆಯಲ್ಲಿ ಕಾರ್ಯಕ್ರಮ ನಡೆಯಿತು ಸಾರ್ವಜನಿಕರು ಭಾಗವಹಿಸಿದ್ದರು ಅಧಿಕಾರಿಗಳು ಮಾತನಾಡಿದರು ಗ್ರಾಮಸ್ಥರು ಒತ್ತಾಯಿಸಿದರು ಸಮಿತಿ ಸದಸ್ಯರು ಹಾಜರಿದ್ದರು ಶಿಕ್ಷಣ ಸಂಸ್ಥೆ ವಿದ್ಯಾರ್ಥಿಗಳು ಶಿಕ್ಷಕರು ಪೋಷಕರು ಪಾಲ್ಗೊಂಡಿದ್ದರು ಜಿಲ್ಲೆಯಲ್ಲಿ ಕಾರ್ಯಕ್ರಮ ನಡೆಯಿತು ಸಾರ್ವಜನಿಕರು ಭಾಗವಹಿಸಿದ್ದರು ಅಧಿಕಾರಿಗಳು ಮಾತನಾಡಿದರು ಗ್ರಾಮಸ್ಥರು ಒತ್ತಾಯಿಸಿದರು ಸಮಿತಿ ಸದಸ್ಯರು ಹಾಜರಿದ್ದರು ಶಿಕ್ಷಣ ಸಂಸ್ಥೆ ವಿದ್ಯಾರ್ಥಿಗಳು ಶಿಕ್ಷಕರು ಪೋಷಕರು ಪಾಲ್ಗೊಂಡಿದ್ದರು ಜಿಲ್ಲೆಯಲ್ಲಿ ಕಾರ್ಯಕ್ರಮ ನಡೆಯಿತು ಸಾರ್ವಜನಿಕರು ಭಾಗವಹಿಸಿದ್ದರು ಅಧಿಕಾರಿಗಳು ಮಾತನಾಡಿದರು ಗ್ರಾಮಸ್ಥರು ಒತ್ತಾಯಿಸಿದರು ಸಮಿತಿ ಸದಸ್ಯರು ಹಾಜರಿದ್ದರು ಶಿಕ್ಷಣ ಸಂಸ್ಥೆ ವಿದ್ಯಾರ್ಥಿಗಳು ಶಿಕ್ಷಕರು ಪೋಷಕರು ಪಾಲ್ಗೊಂಡಿದ್ದರು
ಮಲೆನಾಡು ತಾಂತ್ರಿಕ ಮಹಾವಿದ್ಯಾಲಯ
MALNAD COLLEGE OF ENGINEERING
ಹಾಸನ: ಜಿಲ್ಲೆಯಲ್ಲಿ ಕಾರ್ಯಕ್ರಮ ನಡೆಯಿತು ಸಾರ್ವಜನಿಕರು ಭಾಗವಹಿಸಿದ್ದರು ಅಧಿಕಾರಿಗಳು ಮಾತನಾಡಿದರು ಗ್ರಾಮಸ್ಥರು ಒತ್ತಾಯಿಸಿದರು ಸಮಿತಿ ಸದಸ್ಯರು ಹಾಜರಿದ್ದರು ಶಿಕ್ಷಣ ಸಂಸ್ಥೆ ವಿದ್ಯಾರ್ಥಿಗಳು ಶಿಕ್ಷಕರು ಪೋಷಕರು ಪಾಲ್ಗೊಂಡಿದ್ದರು ಜಿಲ್ಲೆಯಲ್ಲಿ ಕಾರ್ಯಕ್ರಮ ನಡೆಯಿತು ಸಾರ್ವಜನಿಕರು ಭಾಗವಹಿಸಿದ್ದರು ಅಧಿಕಾರಿಗಳು ಮಾತನಾಡಿದರು ಗ್ರಾಮಸ್ಥರು ಒತ್ತಾಯಿಸಿದರು ಸಮಿತಿ ಸದಸ್ಯರು ಹಾಜರಿದ್ದರು ಶಿಕ್ಷಣ ಸಂಸ್ಥೆ ವಿದ್ಯಾರ್ಥಿಗಳು ಶಿಕ್ಷಕರು ಪೋಷಕರು ಪಾಲ್ಗೊಂಡಿದ್ದರು ಜಿಲ್ಲೆಯಲ್ಲಿ ಕಾರ್ಯಕ್ರಮ ನಡೆಯಿತು ಸಾರ್ವಜನಿಕರು ಭಾಗವಹಿಸಿದ್ದರು ಅಧಿಕಾರಿಗಳು ಮಾತನಾಡಿದರು ಗ್ರಾಮಸ್ಥರು ಒತ್ತಾಯಿಸಿದರು ಸಮಿತಿ ಸದಸ್ಯರು ಹಾಜರಿದ್ದರು ಶಿಕ್ಷಣ ಸಂಸ್ಥೆ ವಿದ್ಯಾರ್ಥಿಗಳು ಶಿಕ್ಷಕರು ಪೋಷಕರು ಪಾಲ್ಗೊಂಡಿದ್ದರು ಜಿಲ್ಲೆಯಲ್ಲಿ ಕಾರ್ಯಕ್ರಮ ನಡೆಯಿತು ಸಾರ್ವಜನಿಕರು ಭಾಗವಹಿಸಿದ್ದರು ಅಧಿಕಾರಿಗಳು ಮಾತನಾಡಿದರು ಗ್ರಾಮಸ್ಥರು ಒತ್ತಾಯಿಸಿದರು ಸಮಿತಿ ಸದಸ್ಯರು ಹಾಜರಿದ್ದರು ಶಿಕ್ಷಣ ಸಂಸ್ಥೆ ವಿದ್ಯಾರ್ಥಿಗಳು ಶಿಕ್ಷಕರು ಪೋಷಕರು ಪಾಲ್ಗೊಂಡಿದ್ದರು ಜಿಲ್ಲೆಯಲ್ಲಿ ಕಾರ್ಯಕ್ರಮ ನಡೆಯಿತು ಸಾರ್ವಜನಿಕರು ಭಾಗವಹಿಸಿದ್ದರು ಅಧಿಕಾರಿಗಳು ಮಾತನಾಡಿದರು ಗ್ರಾಮಸ್ಥರು ಒತ್ತಾಯಿಸಿದರು ಸಮಿತಿ ಸದಸ್ಯರು ಹಾಜರಿದ್ದರು ಶಿಕ್ಷಣ ಸಂಸ್ಥೆ ವಿದ್ಯಾರ್ಥಿಗಳು ಶಿಕ್ಷಕರು ಪೋಷಕರು ಪಾಲ್ಗೊಂಡಿದ್ದರು ಜಿಲ್ಲೆಯಲ್ಲಿ ಕಾರ್ಯಕ್ರಮ ನಡೆಯಿತು ಸಾರ್ವಜನಿಕರು ಭಾಗವಹಿಸಿದ್ದರು ಅಧಿಕಾರಿಗಳು ಮಾತನಾಡಿದರು ಗ್ರಾಮಸ್ಥರು ಒತ್ತಾಯಿಸಿದರು ಸಮಿತಿ ಸದಸ್ಯರು ಹಾಜರಿದ್ದರು ಶಿಕ್ಷಣ ಸಂಸ್ಥೆ ವಿದ್ಯಾರ್ಥಿಗಳು ಶಿಕ್ಷಕರು ಪೋಷಕರು ಪಾಲ್ಗೊಂಡಿದ್ದರು ಜಿಲ್ಲೆಯಲ್ಲಿ ಕಾರ್ಯಕ್ರಮ ನಡೆಯಿತು ಸಾರ್ವಜನಿಕರು ಭಾಗವಹಿಸಿದ್ದರು ಅಧಿಕಾರಿಗಳು ಮಾತನಾಡಿದರು ಗ್ರಾಮಸ್ಥರು ಒತ್ತಾಯಿಸಿದರು ಸಮಿತಿ ಸದಸ್ಯರು ಹಾಜರಿದ್ದರು ಶಿಕ್ಷಣ ಸಂಸ್ಥೆ ವಿದ್ಯಾರ್ಥಿಗಳು ಶಿಕ್ಷಕರು ಪೋಷಕರು ಪಾಲ್ಗೊಂಡಿದ್ದರು ಜಿಲ್ಲೆಯಲ್ಲಿ ಕಾರ್ಯಕ್ರಮ ನಡೆಯಿತು ಸಾರ್ವಜನಿಕರು ಭಾಗವಹಿಸಿದ್ದರು ಅಧಿಕಾರಿಗಳು ಮಾತನಾಡಿದರು ಗ್ರಾಮಸ್ಥರು ಒತ್ತಾಯಿಸಿದರು ಸಮಿತಿ ಸದಸ್ಯರು ಹಾಜರಿದ್ದರು ಶಿಕ್ಷಣ ಸಂಸ್ಥೆ ವಿದ್ಯಾರ್ಥಿಗಳು ಶಿಕ್ಷಕರು ಪೋಷಕರು ಪಾಲ್ಗೊಂಡಿದ್ದರು ಜಿಲ್ಲೆಯಲ್ಲಿ ಕಾರ್ಯಕ್ರಮ ನಡೆಯಿತು ಸಾರ್ವಜನಿಕರು ಭಾಗವಹಿಸಿದ್ದರು ಅಧಿಕಾರಿಗಳು ಮಾತನಾಡಿದರು ಗ್ರಾಮಸ್ಥರು ಒತ್ತಾಯಿಸಿದರು ಸಮಿತಿ ಸದಸ್ಯರು ಹಾಜರಿದ್ದರು ಶಿಕ್ಷಣ ಸಂಸ್ಥೆ ವಿದ್ಯಾರ್ಥಿಗಳು ಶಿಕ್ಷಕರು ಪೋಷಕರು ಪಾಲ್ಗೊಂಡಿದ್ದರು
ಹಿರಿಯ ವಕೀಲರಿಂದ ಪರಿಶೀಲನೆ
ಹಾಸನ: ಜಿಲ್ಲೆಯಲ್ಲಿ ಕಾರ್ಯಕ್ರಮ ನಡೆಯಿತು ಸಾರ್ವಜನಿಕರು ಭಾಗವಹಿಸಿದ್ದರು ಅಧಿಕಾರಿಗಳು ಮಾತನಾಡಿದರು ಗ್ರಾಮಸ್ಥರು ಒತ್ತಾಯಿಸಿದರು ಸಮಿತಿ ಸದಸ್ಯರು ಹಾಜರಿದ್ದರು ಶಿಕ್ಷಣ ಸಂಸ್ಥೆ ವಿದ್ಯಾರ್ಥಿಗಳು ಶಿಕ್ಷಕರು ಪೋಷಕರು ಪಾಲ್ಗೊಂಡಿದ್ದರು ಜಿಲ್ಲೆಯಲ್ಲಿ ಕಾರ್ಯಕ್ರಮ ನಡೆಯಿತು ಸಾರ್ವಜನಿಕರು ಭಾಗವಹಿಸಿದ್ದರು ಅಧಿಕಾರಿಗಳು ಮಾತನಾಡಿದರು ಗ್ರಾಮಸ್ಥರು ಒತ್ತಾಯಿಸಿದರು ಸಮಿತಿ ಸದಸ್ಯರು ಹಾಜರಿದ್ದರು ಶಿಕ್ಷಣ ಸಂಸ್ಥೆ ವಿದ್ಯಾರ್ಥಿಗಳು ಶಿಕ್ಷಕರು ಪೋಷಕರು ಪಾಲ್ಗೊಂಡಿದ್ದರು ಜಿಲ್ಲೆಯಲ್ಲಿ ಕಾರ್ಯಕ್ರಮ ನಡೆಯಿತು ಸಾರ್ವಜನಿಕರು ಭಾಗವಹಿಸಿದ್ದರು ಅಧಿಕಾರಿಗಳು ಮಾತನಾಡಿದರು ಗ್ರಾಮಸ್ಥರು ಒತ್ತಾಯಿಸಿದರು ಸಮಿತಿ ಸದಸ್ಯರು ಹಾಜರಿದ್ದರು ಶಿಕ್ಷಣ ಸಂಸ್ಥೆ ವಿದ್ಯಾರ್ಥಿಗಳು ಶಿಕ್ಷಕರು ಪೋಷಕರು ಪಾಲ್ಗೊಂಡಿದ್ದರು ಜಿಲ್ಲೆಯಲ್ಲಿ ಕಾರ್ಯಕ್ರಮ ನಡೆಯಿತು ಸಾರ್ವಜನಿಕರು ಭಾಗವಹಿಸಿದ್ದರು ಅಧಿಕಾರಿಗಳು ಮಾತನಾಡಿದರು ಗ್ರಾಮಸ್ಥರು ಒತ್ತಾಯಿಸಿದರು ಸಮಿತಿ ಸದಸ್ಯರು ಹಾಜರಿದ್ದರು ಶಿಕ್ಷಣ ಸಂಸ್ಥೆ ವಿದ್ಯಾರ್ಥಿಗಳು ಶಿಕ್ಷಕರು ಪೋಷಕರು ಪಾಲ್ಗೊಂಡಿದ್ದರು ಜಿಲ್ಲೆಯಲ್ಲಿ ಕಾರ್ಯಕ್ರಮ ನಡೆಯಿತು ಸಾರ್ವಜನಿಕರು ಭಾಗವಹಿಸಿದ್ದರು ಅಧಿಕಾರಿಗಳು ಮಾತನಾಡಿದರು ಗ್ರಾಮಸ್ಥರು ಒತ್ತಾಯಿಸಿದರು ಸಮಿತಿ ಸದಸ್ಯರು ಹಾಜರಿದ್ದರು ಶಿಕ್ಷಣ ಸಂಸ್ಥೆ ವಿದ್ಯಾರ್ಥಿಗಳು ಶಿಕ್ಷಕರು ಪೋಷಕರು ಪಾಲ್ಗೊಂಡಿದ್ದರು ಜಿಲ್ಲೆಯಲ್ಲಿ ಕಾರ್ಯಕ್ರಮ ನಡೆಯಿತು ಸಾರ್ವಜನಿಕರು ಭಾಗವಹಿಸಿದ್ದರು ಅಧಿಕಾರಿಗಳು ಮಾತನಾಡಿದರು ಗ್ರಾಮಸ್ಥರು ಒತ್ತಾಯಿಸಿದರು ಸಮಿತಿ ಸದಸ್ಯರು ಹಾಜರಿದ್ದರು ಶಿಕ್ಷಣ ಸಂಸ್ಥೆ ವಿದ್ಯಾರ್ಥಿಗಳು ಶಿಕ್ಷಕರು ಪೋಷಕರು ಪಾಲ್ಗೊಂಡಿದ್ದರು ಜಿಲ್ಲೆಯಲ್ಲಿ ಕಾರ್ಯಕ್ರಮ ನಡೆಯಿತು ಸಾರ್ವಜನಿಕರು ಭಾಗವಹಿಸಿದ್ದರು ಅಧಿಕಾರಿಗಳು ಮಾತನಾಡಿದರು ಗ್ರಾಮಸ್ಥರು ಒತ್ತಾಯಿಸಿದರು ಸಮಿತಿ ಸದಸ್ಯರು ಹಾಜರಿದ್ದರು ಶಿಕ್ಷಣ ಸಂಸ್ಥೆ ವಿದ್ಯಾರ್ಥಿಗಳು ಶಿಕ್ಷಕರು ಪೋಷಕರು ಪಾಲ್ಗೊಂಡಿದ್ದರು ಜಿಲ್ಲೆಯಲ್ಲಿ ಕಾರ್ಯಕ್ರಮ ನಡೆಯಿತು ಸಾರ್ವಜನಿಕರು ಭಾಗವಹಿಸಿದ್ದರು ಅಧಿಕಾರಿಗಳು ಮಾತನಾಡಿದರು ಗ್ರಾಮಸ್ಥರು ಒತ್ತಾಯಿಸಿದರು ಸಮಿತಿ ಸದಸ್ಯರು ಹಾಜರಿದ್ದರು ಶಿಕ್ಷಣ ಸಂಸ್ಥೆ ವಿದ್ಯಾರ್ಥಿಗಳು ಶಿಕ್ಷಕರು ಪೋಷಕರು ಪಾಲ್ಗೊಂಡಿದ್ದರು ಜಿಲ್ಲೆಯಲ್ಲಿ ಕಾರ್ಯಕ್ರಮ ನಡೆಯಿತು ಸಾರ್ವಜನಿಕರು ಭಾಗವಹಿಸಿದ್ದರು ಅಧಿಕಾರಿಗಳು ಮಾತನಾಡಿದರು ಗ್ರಾಮಸ್ಥರು ಒತ್ತಾಯಿಸಿದರು ಸಮಿತಿ ಸದಸ್ಯರು ಹಾಜರಿದ್ದರು ಶಿಕ್ಷಣ ಸಂಸ್ಥೆ ವಿದ್ಯಾರ್ಥಿಗಳು ಶಿಕ್ಷಕರು ಪೋಷಕರು ಪಾಲ್ಗೊಂಡಿದ್ದರು
ಹಾಸನ: ಜಿಲ್ಲೆಯಲ್ಲಿ ಕಾರ್ಯಕ್ರಮ ನಡೆಯಿತು ಸಾರ್ವಜನಿಕರು ಭಾಗವಹಿಸಿದ್ದರು ಅಧಿಕಾರಿಗಳು ಮಾತನಾಡಿದರು ಗ್ರಾಮಸ್ಥರು ಒತ್ತಾಯಿಸಿದರು ಸಮಿತಿ ಸದಸ್ಯರು ಹಾಜರಿದ್ದರು ಶಿಕ್ಷಣ ಸಂಸ್ಥೆ ವಿದ್ಯಾರ್ಥಿಗಳು ಶಿಕ್ಷಕರು ಪೋಷಕರು ಪಾಲ್ಗೊಂಡಿದ್ದರು ಜಿಲ್ಲೆಯಲ್ಲಿ ಕಾರ್ಯಕ್ರಮ ನಡೆಯಿತು ಸಾರ್ವಜನಿಕರು ಭಾಗವಹಿಸಿದ್ದರು ಅಧಿಕಾರಿಗಳು ಮಾತನಾಡಿದರು ಗ್ರಾಮಸ್ಥರು ಒತ್ತಾಯಿಸಿದರು ಸಮಿತಿ ಸದಸ್ಯರು ಹಾಜರಿದ್ದರು ಶಿಕ್ಷಣ ಸಂಸ್ಥೆ ವಿದ್ಯಾರ್ಥಿಗಳು ಶಿಕ್ಷಕರು ಪೋಷಕರು ಪಾಲ್ಗೊಂಡಿದ್ದರು ಜಿಲ್ಲೆಯಲ್ಲಿ ಕಾರ್ಯಕ್ರಮ ನಡೆಯಿತು ಸಾರ್ವಜನಿಕರು ಭಾಗವಹಿಸಿದ್ದರು ಅಧಿಕಾರಿಗಳು ಮಾತನಾಡಿದರು ಗ್ರಾಮಸ್ಥರು ಒತ್ತಾಯಿಸಿದರು ಸಮಿತಿ ಸದಸ್ಯರು ಹಾಜರಿದ್ದರು ಶಿಕ್ಷಣ ಸಂಸ್ಥೆ ವಿದ್ಯಾರ್ಥಿಗಳು ಶಿಕ್ಷಕರು ಪೋಷಕರು ಪಾಲ್ಗೊಂಡಿದ್ದರು ಜಿಲ್ಲೆಯಲ್ಲಿ ಕಾರ್ಯಕ್ರಮ ನಡೆಯಿತು ಸಾರ್ವಜನಿಕರು ಭಾಗವಹಿಸಿದ್ದರು ಅಧಿಕಾರಿಗಳು ಮಾತನಾಡಿದರು ಗ್ರಾಮಸ್ಥರು ಒತ್ತಾಯಿಸಿದರು ಸಮಿತಿ ಸದಸ್ಯರು ಹಾಜರಿದ್ದರು ಶಿಕ್ಷಣ ಸಂಸ್ಥೆ ವಿದ್ಯಾರ್ಥಿಗಳು ಶಿಕ್ಷಕರು ಪೋಷಕರು ಪಾಲ್ಗೊಂಡಿದ್ದರು ಜಿಲ್ಲೆಯಲ್ಲಿ ಕಾರ್ಯಕ್ರಮ ನಡೆಯಿತು ಸಾರ್ವಜನಿಕರು ಭಾಗವಹಿಸಿದ್ದರು ಅಧಿಕಾರಿಗಳು ಮಾತನಾಡಿದರು ಗ್ರಾಮಸ್ಥರು ಒತ್ತಾಯಿಸಿದರು ಸಮಿತಿ ಸದಸ್ಯರು ಹಾಜರಿದ್ದರು ಶಿಕ್ಷಣ ಸಂಸ್ಥೆ ವಿದ್ಯಾರ್ಥಿಗಳು ಶಿಕ್ಷಕರು ಪೋಷಕರು ಪಾಲ್ಗೊಂಡಿದ್ದರು ಜಿಲ್ಲೆಯಲ್ಲಿ ಕಾರ್ಯಕ್ರಮ ನಡೆಯಿತು ಸಾರ್ವಜನಿಕರು ಭಾಗವಹಿಸಿದ್ದರು ಅಧಿಕಾರಿಗಳು ಮಾತನಾಡಿದರು ಗ್ರಾಮಸ್ಥರು ಒತ್ತಾಯಿಸಿದರು ಸಮಿತಿ ಸದಸ್ಯರು ಹಾಜರಿದ್ದರು ಶಿಕ್ಷಣ ಸಂಸ್ಥೆ ವಿದ್ಯಾರ್ಥಿಗಳು ಶಿಕ್ಷಕರು ಪೋಷಕರು ಪಾಲ್ಗೊಂಡಿದ್ದರು ಜಿಲ್ಲೆಯಲ್ಲಿ ಕಾರ್ಯಕ್ರಮ ನಡೆಯಿತು ಸಾರ್ವಜನಿಕರು ಭಾಗವಹಿಸಿದ್ದರು ಅಧಿಕಾರಿಗಳು ಮಾತನಾಡಿದರು ಗ್ರಾಮಸ್ಥರು ಒತ್ತಾಯಿಸಿದರು ಸಮಿತಿ ಸದಸ್ಯರು ಹಾಜರಿದ್ದರು ಶಿಕ್ಷಣ ಸಂಸ್ಥೆ ವಿದ್ಯಾರ್ಥಿಗಳು ಶಿಕ್ಷಕರು ಪೋಷಕರು ಪಾಲ್ಗೊಂಡಿದ್ದರು ಜಿಲ್ಲೆಯಲ್ಲಿ ಕಾರ್ಯಕ್ರಮ ನಡೆಯಿತು ಸಾರ್ವಜನಿಕರು ಭಾಗವಹಿಸಿದ್ದರು ಅಧಿಕಾರಿಗಳು ಮಾತನಾಡಿದರು ಗ್ರಾಮಸ್ಥರು ಒತ್ತಾಯಿಸಿದರು ಸಮಿತಿ ಸದಸ್ಯರು ಹಾಜರಿದ್ದರು ಶಿಕ್ಷಣ ಸಂಸ್ಥೆ ವಿದ್ಯಾರ್ಥಿಗಳು ಶಿಕ್ಷಕರು ಪೋಷಕರು ಪಾಲ್ಗೊಂಡಿದ್ದರು ಜಿಲ್ಲೆಯಲ್ಲಿ ಕಾರ್ಯಕ್ರಮ ನಡೆಯಿತು ಸಾರ್ವಜನಿಕರು ಭಾಗವಹಿಸಿದ್ದರು ಅಧಿಕಾರಿಗಳು ಮಾತನಾಡಿದರು ಗ್ರಾಮಸ್ಥರು ಒತ್ತಾಯಿಸಿದರು ಸಮಿತಿ ಸದಸ್ಯರು ಹಾಜರಿದ್ದರು ಶಿಕ್ಷಣ ಸಂಸ್ಥೆ ವಿದ್ಯಾರ್ಥಿಗಳು ಶಿಕ್ಷಕರು ಪೋಷಕರು ಪಾಲ್ಗೊಂಡಿದ್ದರು
ನೀರಿಗೆ ಸಮಸ್ಯೆಯಾಗದಂತೆ ನಿಗಾ ವಹಿಸಿ: ಲತಾಕುಮಾರಿ
ಹಾಸನ:
ಹಾಸನ: ಜಿಲ್ಲೆಯಲ್ಲಿ ಕಾರ್ಯಕ್ರಮ ನಡೆಯಿತು ಸಾರ್ವಜನಿಕರು ಭಾಗವಹಿಸಿದ್ದರು ಅಧಿಕಾರಿಗಳು ಮಾತನಾಡಿದರು ಗ್ರಾಮಸ್ಥರು ಒತ್ತಾಯಿಸಿದರು ಸಮಿತಿ ಸದಸ್ಯರು ಹಾಜರಿದ್ದರು ಶಿಕ್ಷಣ ಸಂಸ್ಥೆ ವಿದ್ಯಾರ್ಥಿಗಳು ಶಿಕ್ಷಕರು ಪೋಷಕರು ಪಾಲ್ಗೊಂಡಿದ್ದರು ಜಿಲ್ಲೆಯಲ್ಲಿ ಕಾರ್ಯಕ್ರಮ ನಡೆಯಿತು ಸಾರ್ವಜನಿಕರು ಭಾಗವಹಿಸಿದ್ದರು ಅಧಿಕಾರಿಗಳು ಮಾತನಾಡಿದರು ಗ್ರಾಮಸ್ಥರು ಒತ್ತಾಯಿಸಿದರು ಸಮಿತಿ ಸದಸ್ಯರು ಹಾಜರಿದ್ದರು ಶಿಕ್ಷಣ ಸಂಸ್ಥೆ ವಿದ್ಯಾರ್ಥಿಗಳು ಶಿಕ್ಷಕರು ಪೋಷಕರು ಪಾಲ್ಗೊಂಡಿದ್ದರು ಜಿಲ್ಲೆಯಲ್ಲಿ ಕಾರ್ಯಕ್ರಮ ನಡೆಯಿತು ಸಾರ್ವಜನಿಕರು ಭಾಗವಹಿಸಿದ್ದರು ಅಧಿಕಾರಿಗಳು ಮಾತನಾಡಿದರು ಗ್ರಾಮಸ್ಥರು ಒತ್ತಾಯಿಸಿದರು ಸಮಿತಿ ಸದಸ್ಯರು ಹಾಜರಿದ್ದರು ಶಿಕ್ಷಣ ಸಂಸ್ಥೆ ವಿದ್ಯಾರ್ಥಿಗಳು ಶಿಕ್ಷಕರು ಪೋಷಕರು ಪಾಲ್ಗೊಂಡಿದ್ದರು ಜಿಲ್ಲೆಯಲ್ಲಿ ಕಾರ್ಯಕ್ರಮ ನಡೆಯಿತು ಸಾರ್ವಜನಿಕರು ಭಾಗವಹಿಸಿದ್ದರು ಅಧಿಕಾರಿಗಳು ಮಾತನಾಡಿದರು ಗ್ರಾಮಸ್ಥರು ಒತ್ತಾಯಿಸಿದರು ಸಮಿತಿ ಸದಸ್ಯರು ಹಾಜರಿದ್ದರು ಶಿಕ್ಷಣ ಸಂಸ್ಥೆ ವಿದ್ಯಾರ್ಥಿಗಳು ಶಿಕ್ಷಕರು ಪೋಷಕರು ಪಾಲ್ಗೊಂಡಿದ್ದರು ಜಿಲ್ಲೆಯಲ್ಲಿ ಕಾರ್ಯಕ್ರಮ ನಡೆಯಿತು ಸಾರ್ವಜನಿಕರು ಭಾಗವಹಿಸಿದ್ದರು ಅಧಿಕಾರಿಗಳು ಮಾತನಾಡಿದರು ಗ್ರಾಮಸ್ಥರು ಒತ್ತಾಯಿಸಿದರು ಸಮಿತಿ ಸದಸ್ಯರು ಹಾಜರಿದ್ದರು ಶಿಕ್ಷಣ ಸಂಸ್ಥೆ ವಿದ್ಯಾರ್ಥಿಗಳು ಶಿಕ್ಷಕರು ಪೋಷಕರು ಪಾಲ್ಗೊಂಡಿದ್ದರು ಜಿಲ್ಲೆಯಲ್ಲಿ ಕಾರ್ಯಕ್ರಮ ನಡೆಯಿತು ಸಾರ್ವಜನಿಕರು ಭಾಗವಹಿಸಿದ್ದರು ಅಧಿಕಾರಿಗಳು ಮಾತನಾಡಿದರು ಗ್ರಾಮಸ್ಥರು ಒತ್ತಾಯಿಸಿದರು ಸಮಿತಿ ಸದಸ್ಯರು ಹಾಜರಿದ್ದರು ಶಿಕ್ಷಣ ಸಂಸ್ಥೆ ವಿದ್ಯಾರ್ಥಿಗಳು ಶಿಕ್ಷಕರು ಪೋಷಕರು ಪಾಲ್ಗೊಂಡಿದ್ದರು ಜಿಲ್ಲೆಯಲ್ಲಿ ಕಾರ್ಯಕ್ರಮ ನಡೆಯಿತು ಸಾರ್ವಜನಿಕರು ಭಾಗವಹಿಸಿದ್ದರು ಅಧಿಕಾರಿಗಳು ಮಾತನಾಡಿದರು ಗ್ರಾಮಸ್ಥರು ಒತ್ತಾಯಿಸಿದರು ಸಮಿತಿ ಸದಸ್ಯರು ಹಾಜರಿದ್ದರು ಶಿಕ್ಷಣ ಸಂಸ್ಥೆ ವಿದ್ಯಾರ್ಥಿಗಳು ಶಿಕ್ಷಕರು ಪೋಷಕರು ಪಾಲ್ಗೊಂಡಿದ್ದರು ಜಿಲ್ಲೆಯಲ್ಲಿ ಕಾರ್ಯಕ್ರಮ ನಡೆಯಿತು ಸಾರ್ವಜನಿಕರು ಭಾಗವಹಿಸಿದ್ದರು ಅಧಿಕಾರಿಗಳು ಮಾತನಾಡಿದರು ಗ್ರಾಮಸ್ಥರು ಒತ್ತಾಯಿಸಿದರು ಸಮಿತಿ ಸದಸ್ಯರು ಹಾಜರಿದ್ದರು ಶಿಕ್ಷಣ ಸಂಸ್ಥೆ ವಿದ್ಯಾರ್ಥಿಗಳು ಶಿಕ್ಷಕರು ಪೋಷಕರು ಪಾಲ್ಗೊಂಡಿದ್ದರು ಜಿಲ್ಲೆಯಲ್ಲಿ ಕಾರ್ಯಕ್ರಮ ನಡೆಯಿತು ಸಾರ್ವಜನಿಕರು ಭಾಗವಹಿಸಿದ್ದರು ಅಧಿಕಾರಿಗಳು ಮಾತನಾಡಿದರು ಗ್ರಾಮಸ್ಥರು ಒತ್ತಾಯಿಸಿದರು ಸಮಿತಿ ಸದಸ್ಯರು ಹಾಜರಿದ್ದರು ಶಿಕ್ಷಣ ಸಂಸ್ಥೆ ವಿದ್ಯಾರ್ಥಿಗಳು ಶಿಕ್ಷಕರು ಪೋಷಕರು ಪಾಲ್ಗೊಂಡಿದ್ದರು
ಹಾಸನ: ಜಿಲ್ಲೆಯಲ್ಲಿ ಕಾರ್ಯಕ್ರಮ ನಡೆಯಿತು ಸಾರ್ವಜನಿಕರು ಭಾಗವಹಿಸಿದ್ದರು ಅಧಿಕಾರಿಗಳು ಮಾತನಾಡಿದರು ಗ್ರಾಮಸ್ಥರು ಒತ್ತಾಯಿಸಿದರು ಸಮಿತಿ ಸದಸ್ಯರು ಹಾಜರಿದ್ದರು ಶಿಕ್ಷಣ ಸಂಸ್ಥೆ ವಿದ್ಯಾರ್ಥಿಗಳು ಶಿಕ್ಷಕರು ಪೋಷಕರು ಪಾಲ್ಗೊಂಡಿದ್ದರು ಜಿಲ್ಲೆಯಲ್ಲಿ ಕಾರ್ಯಕ್ರಮ ನಡೆಯಿತು ಸಾರ್ವಜನಿಕರು ಭಾಗವಹಿಸಿದ್ದರು ಅಧಿಕಾರಿಗಳು ಮಾತನಾಡಿದರು ಗ್ರಾಮಸ್ಥರು ಒತ್ತಾಯಿಸಿದರು ಸಮಿತಿ ಸದಸ್ಯರು ಹಾಜರಿದ್ದರು ಶಿಕ್ಷಣ ಸಂಸ್ಥೆ ವಿದ್ಯಾರ್ಥಿಗಳು ಶಿಕ್ಷಕರು ಪೋಷಕರು ಪಾಲ್ಗೊಂಡಿದ್ದರು ಜಿಲ್ಲೆಯಲ್ಲಿ ಕಾರ್ಯಕ್ರಮ ನಡೆಯಿತು ಸಾರ್ವಜನಿಕರು ಭಾಗವಹಿಸಿದ್ದರು ಅಧಿಕಾರಿಗಳು ಮಾತನಾಡಿದರು ಗ್ರಾಮಸ್ಥರು ಒತ್ತಾಯಿಸಿದರು ಸಮಿತಿ ಸದಸ್ಯರು ಹಾಜರಿದ್ದರು ಶಿಕ್ಷಣ ಸಂಸ್ಥೆ ವಿದ್ಯಾರ್ಥಿಗಳು ಶಿಕ್ಷಕರು ಪೋಷಕರು ಪಾಲ್ಗೊಂಡಿದ್ದರು ಜಿಲ್ಲೆಯಲ್ಲಿ ಕಾರ್ಯಕ್ರಮ ನಡೆಯಿತು ಸಾರ್ವಜನಿಕರು ಭಾಗವಹಿಸಿದ್ದರು ಅಧಿಕಾರಿಗಳು ಮಾತನಾಡಿದರು ಗ್ರಾಮಸ್ಥರು ಒತ್ತಾಯಿಸಿದರು ಸಮಿತಿ ಸದಸ್ಯರು ಹಾಜರಿದ್ದರು ಶಿಕ್ಷಣ ಸಂಸ್ಥೆ ವಿದ್ಯಾರ್ಥಿಗಳು ಶಿಕ್ಷಕರು ಪೋಷಕರು ಪಾಲ್ಗೊಂಡಿದ್ದರು ಜಿಲ್ಲೆಯಲ್ಲಿ ಕಾರ್ಯಕ್ರಮ ನಡೆಯಿತು ಸಾರ್ವಜನಿಕರು ಭಾಗವಹಿಸಿದ್ದರು ಅಧಿಕಾರಿಗಳು ಮಾತನಾಡಿದರು ಗ್ರಾಮಸ್ಥರು ಒತ್ತಾಯಿಸಿದರು ಸಮಿತಿ ಸದಸ್ಯರು ಹಾಜರಿದ್ದರು ಶಿಕ್ಷಣ ಸಂಸ್ಥೆ ವಿದ್ಯಾರ್ಥಿಗಳು ಶಿಕ್ಷಕರು ಪೋಷಕರು ಪಾಲ್ಗೊಂಡಿದ್ದರು ಜಿಲ್ಲೆಯಲ್ಲಿ ಕಾರ್ಯಕ್ರಮ ನಡೆಯಿತು ಸಾರ್ವಜನಿಕರು ಭಾಗವಹಿಸಿದ್ದರು ಅಧಿಕಾರಿಗಳು ಮಾತನಾಡಿದರು ಗ್ರಾಮಸ್ಥರು ಒತ್ತಾಯಿಸಿದರು ಸಮಿತಿ ಸದಸ್ಯರು ಹಾಜರಿದ್ದರು ಶಿಕ್ಷಣ ಸಂಸ್ಥೆ ವಿದ್ಯಾರ್ಥಿಗಳು ಶಿಕ್ಷಕರು ಪೋಷಕರು ಪಾಲ್ಗೊಂಡಿದ್ದರು ಜಿಲ್ಲೆಯಲ್ಲಿ ಕಾರ್ಯಕ್ರಮ ನಡೆಯಿತು ಸಾರ್ವಜನಿಕರು ಭಾಗವಹಿಸಿದ್ದರು ಅಧಿಕಾರಿಗಳು ಮಾತನಾಡಿದರು ಗ್ರಾಮಸ್ಥರು ಒತ್ತಾಯಿಸಿದರು ಸಮಿತಿ ಸದಸ್ಯರು ಹಾಜರಿದ್ದರು ಶಿಕ್ಷಣ ಸಂಸ್ಥೆ ವಿದ್ಯಾರ್ಥಿಗಳು ಶಿಕ್ಷಕರು ಪೋಷಕರು ಪಾಲ್ಗೊಂಡಿದ್ದರು ಜಿಲ್ಲೆಯಲ್ಲಿ ಕಾರ್ಯಕ್ರಮ ನಡೆಯಿತು ಸಾರ್ವಜನಿಕರು ಭಾಗವಹಿಸಿದ್ದರು ಅಧಿಕಾರಿಗಳು ಮಾತನಾಡಿದರು ಗ್ರಾಮಸ್ಥರು ಒತ್ತಾಯಿಸಿದರು ಸಮಿತಿ ಸದಸ್ಯರು ಹಾಜರಿದ್ದರು ಶಿಕ್ಷಣ ಸಂಸ್ಥೆ ವಿದ್ಯಾರ್ಥಿಗಳು ಶಿಕ್ಷಕರು ಪೋಷಕರು ಪಾಲ್ಗೊಂಡಿದ್ದರು ಜಿಲ್ಲೆಯಲ್ಲಿ ಕಾರ್ಯಕ್ರಮ ನಡೆಯಿತು ಸಾರ್ವಜನಿಕರು ಭಾಗವಹಿಸಿದ್ದರು ಅಧಿಕಾರಿಗಳು ಮಾತನಾಡಿದರು ಗ್ರಾಮಸ್ಥರು ಒತ್ತಾಯಿಸಿದರು ಸಮಿತಿ ಸದಸ್ಯರು ಹಾಜರಿದ್ದರು ಶಿಕ್ಷಣ ಸಂಸ್ಥೆ ವಿದ್ಯಾರ್ಥಿಗಳು ಶಿಕ್ಷಕರು ಪೋಷಕರು ಪಾಲ್ಗೊಂಡಿದ್ದರು
ಶಿಕ್ಷಣಕ್ಕೆ ಆತ್ಮಾವಲೋಕನ ಅಗತ್ಯ: ಲಿಂಗದೇವರು
ಹೊಳೆನರಸೀಪುರ:
ಹಾಸನ: ಜಿಲ್ಲೆಯಲ್ಲಿ ಕಾರ್ಯಕ್ರಮ ನಡೆಯಿತು ಸಾರ್ವಜನಿಕರು ಭಾಗವಹಿಸಿದ್ದರು ಅಧಿಕಾರಿಗಳು ಮಾತನಾಡಿದರು ಗ್ರಾಮಸ್ಥರು ಒತ್ತಾಯಿಸಿದರು ಸಮಿತಿ ಸದಸ್ಯರು ಹಾಜರಿದ್ದರು ಶಿಕ್ಷಣ ಸಂಸ್ಥೆ ವಿದ್ಯಾರ್ಥಿಗಳು ಶಿಕ್ಷಕರು ಪೋಷಕರು ಪಾಲ್ಗೊಂಡಿದ್ದರು ಜಿಲ್ಲೆಯಲ್ಲಿ ಕಾರ್ಯಕ್ರಮ ನಡೆಯಿತು ಸಾರ್ವಜನಿಕರು ಭಾಗವಹಿಸಿದ್ದರು ಅಧಿಕಾರಿಗಳು ಮಾತನಾಡಿದರು ಗ್ರಾಮಸ್ಥರು ಒತ್ತಾಯಿಸಿದರು ಸಮಿತಿ ಸದಸ್ಯರು ಹಾಜರಿದ್ದರು ಶಿಕ್ಷಣ ಸಂಸ್ಥೆ ವಿದ್ಯಾರ್ಥಿಗಳು ಶಿಕ್ಷಕರು ಪೋಷಕರು ಪಾಲ್ಗೊಂಡಿದ್ದರು ಜಿಲ್ಲೆಯಲ್ಲಿ ಕಾರ್ಯಕ್ರಮ ನಡೆಯಿತು ಸಾರ್ವಜನಿಕರು ಭಾಗವಹಿಸಿದ್ದರು ಅಧಿಕಾರಿಗಳು ಮಾತನಾಡಿದರು ಗ್ರಾಮಸ್ಥರು ಒತ್ತಾಯಿಸಿದರು ಸಮಿತಿ ಸದಸ್ಯರು ಹಾಜರಿದ್ದರು ಶಿಕ್ಷಣ ಸಂಸ್ಥೆ ವಿದ್ಯಾರ್ಥಿಗಳು ಶಿಕ್ಷಕರು ಪೋಷಕರು ಪಾಲ್ಗೊಂಡಿದ್ದರು ಜಿಲ್ಲೆಯಲ್ಲಿ ಕಾರ್ಯಕ್ರಮ ನಡೆಯಿತು ಸಾರ್ವಜನಿಕರು ಭಾಗವಹಿಸಿದ್ದರು ಅಧಿಕಾರಿಗಳು ಮಾತನಾಡಿದರು ಗ್ರಾಮಸ್ಥರು ಒತ್ತಾಯಿಸಿದರು ಸಮಿತಿ ಸದಸ್ಯರು ಹಾಜರಿದ್ದರು ಶಿಕ್ಷಣ ಸಂಸ್ಥೆ ವಿದ್ಯಾರ್ಥಿಗಳು ಶಿಕ್ಷಕರು ಪೋಷಕರು ಪಾಲ್ಗೊಂಡಿದ್ದರು ಜಿಲ್ಲೆಯಲ್ಲಿ ಕಾರ್ಯಕ್ರಮ ನಡೆಯಿತು ಸಾರ್ವಜನಿಕರು ಭಾಗವಹಿಸಿದ್ದರು ಅಧಿಕಾರಿಗಳು ಮಾತನಾಡಿದರು ಗ್ರಾಮಸ್ಥರು ಒತ್ತಾಯಿಸಿದರು ಸಮಿತಿ ಸದಸ್ಯರು ಹಾಜರಿದ್ದರು ಶಿಕ್ಷಣ ಸಂಸ್ಥೆ ವಿದ್ಯಾರ್ಥಿಗಳು ಶಿಕ್ಷಕರು ಪೋಷಕರು ಪಾಲ್ಗೊಂಡಿದ್ದರು ಜಿಲ್ಲೆಯಲ್ಲಿ ಕಾರ್ಯಕ್ರಮ ನಡೆಯಿತು ಸಾರ್ವಜನಿಕರು ಭಾಗವಹಿಸಿದ್ದರು ಅಧಿಕಾರಿಗಳು ಮಾತನಾಡಿದರು ಗ್ರಾಮಸ್ಥರು ಒತ್ತಾಯಿಸಿದರು ಸಮಿತಿ ಸದಸ್ಯರು ಹಾಜರಿದ್ದರು ಶಿಕ್ಷಣ ಸಂಸ್ಥೆ ವಿದ್ಯಾರ್ಥಿಗಳು ಶಿಕ್ಷಕರು ಪೋಷಕರು ಪಾಲ್ಗೊಂಡಿದ್ದರು ಜಿಲ್ಲೆಯಲ್ಲಿ ಕಾರ್ಯಕ್ರಮ ನಡೆಯಿತು ಸಾರ್ವಜನಿಕರು ಭಾಗವಹಿಸಿದ್ದರು ಅಧಿಕಾರಿಗಳು ಮಾತನಾಡಿದರು ಗ್ರಾಮಸ್ಥರು ಒತ್ತಾಯಿಸಿದರು ಸಮಿತಿ ಸದಸ್ಯರು ಹಾಜರಿದ್ದರು ಶಿಕ್ಷಣ ಸಂಸ್ಥೆ ವಿದ್ಯಾರ್ಥಿಗಳು ಶಿಕ್ಷಕರು ಪೋಷಕರು ಪಾಲ್ಗೊಂಡಿದ್ದರು ಜಿಲ್ಲೆಯಲ್ಲಿ ಕಾರ್ಯಕ್ರಮ ನಡೆಯಿತು ಸಾರ್ವಜನಿಕರು ಭಾಗವಹಿಸಿದ್ದರು ಅಧಿಕಾರಿಗಳು ಮಾತನಾಡಿದರು ಗ್ರಾಮಸ್ಥರು ಒತ್ತಾಯಿಸಿದರು ಸಮಿತಿ ಸದಸ್ಯರು ಹಾಜರಿದ್ದರು ಶಿಕ್ಷಣ ಸಂಸ್ಥೆ ವಿದ್ಯಾರ್ಥಿಗಳು ಶಿಕ್ಷಕರು ಪೋಷಕರು ಪಾಲ್ಗೊಂಡಿದ್ದರು ಜಿಲ್ಲೆಯಲ್ಲಿ ಕಾರ್ಯಕ್ರಮ ನಡೆಯಿತು ಸಾರ್ವಜನಿಕರು ಭಾಗವಹಿಸಿದ್ದರು ಅಧಿಕಾರಿಗಳು ಮಾತನಾಡಿದರು ಗ್ರಾಮಸ್ಥರು ಒತ್ತಾಯಿಸಿದರು ಸಮಿತಿ ಸದಸ್ಯರು ಹಾಜರಿದ್ದರು ಶಿಕ್ಷಣ ಸಂಸ್ಥೆ ವಿದ್ಯಾರ್ಥಿಗಳು ಶಿಕ್ಷಕರು ಪೋಷಕರು ಪಾಲ್ಗೊಂಡಿದ್ದರು
ಹಾಸನ: ಜಿಲ್ಲೆಯಲ್ಲಿ ಕಾರ್ಯಕ್ರಮ ನಡೆಯಿತು ಸಾರ್ವಜನಿಕರು ಭಾಗವಹಿಸಿದ್ದರು ಅಧಿಕಾರಿಗಳು ಮಾತನಾಡಿದರು ಗ್ರಾಮಸ್ಥರು ಒತ್ತಾಯಿಸಿದರು ಸಮಿತಿ ಸದಸ್ಯರು ಹಾಜರಿದ್ದರು ಶಿಕ್ಷಣ ಸಂಸ್ಥೆ ವಿದ್ಯಾರ್ಥಿಗಳು ಶಿಕ್ಷಕರು ಪೋಷಕರು ಪಾಲ್ಗೊಂಡಿದ್ದರು ಜಿಲ್ಲೆಯಲ್ಲಿ ಕಾರ್ಯಕ್ರಮ ನಡೆಯಿತು ಸಾರ್ವಜನಿಕರು ಭಾಗವಹಿಸಿದ್ದರು ಅಧಿಕಾರಿಗಳು ಮಾತನಾಡಿದರು ಗ್ರಾಮಸ್ಥರು ಒತ್ತಾಯಿಸಿದರು ಸಮಿತಿ ಸದಸ್ಯರು ಹಾಜರಿದ್ದರು ಶಿಕ್ಷಣ ಸಂಸ್ಥೆ ವಿದ್ಯಾರ್ಥಿಗಳು ಶಿಕ್ಷಕರು ಪೋಷಕರು ಪಾಲ್ಗೊಂಡಿದ್ದರು ಜಿಲ್ಲೆಯಲ್ಲಿ ಕಾರ್ಯಕ್ರಮ ನಡೆಯಿತು ಸಾರ್ವಜನಿಕರು ಭಾಗವಹಿಸಿದ್ದರು ಅಧಿಕಾರಿಗಳು ಮಾತನಾಡಿದರು ಗ್ರಾಮಸ್ಥರು ಒತ್ತಾಯಿಸಿದರು ಸಮಿತಿ ಸದಸ್ಯರು ಹಾಜರಿದ್ದರು ಶಿಕ್ಷಣ ಸಂಸ್ಥೆ ವಿದ್ಯಾರ್ಥಿಗಳು ಶಿಕ್ಷಕರು ಪೋಷಕರು ಪಾಲ್ಗೊಂಡಿದ್ದರು ಜಿಲ್ಲೆಯಲ್ಲಿ ಕಾರ್ಯಕ್ರಮ ನಡೆಯಿತು ಸಾರ್ವಜನಿಕರು ಭಾಗವಹಿಸಿದ್ದರು ಅಧಿಕಾರಿಗಳು ಮಾತನಾಡಿದರು ಗ್ರಾಮಸ್ಥರು ಒತ್ತಾಯಿಸಿದರು ಸಮಿತಿ ಸದಸ್ಯರು ಹಾಜರಿದ್ದರು ಶಿಕ್ಷಣ ಸಂಸ್ಥೆ ವಿದ್ಯಾರ್ಥಿಗಳು ಶಿಕ್ಷಕರು ಪೋಷಕರು ಪಾಲ್ಗೊಂಡಿದ್ದರು ಜಿಲ್ಲೆಯಲ್ಲಿ ಕಾರ್ಯಕ್ರಮ ನಡೆಯಿತು ಸಾರ್ವಜನಿಕರು ಭಾಗವಹಿಸಿದ್ದರು ಅಧಿಕಾರಿಗಳು ಮಾತನಾಡಿದರು ಗ್ರಾಮಸ್ಥರು ಒತ್ತಾಯಿಸಿದರು ಸಮಿತಿ ಸದಸ್ಯರು ಹಾಜರಿದ್ದರು ಶಿಕ್ಷಣ ಸಂಸ್ಥೆ ವಿದ್ಯಾರ್ಥಿಗಳು ಶಿಕ್ಷಕರು ಪೋಷಕರು ಪಾಲ್ಗೊಂಡಿದ್ದರು ಜಿಲ್ಲೆಯಲ್ಲಿ ಕಾರ್ಯಕ್ರಮ ನಡೆಯಿತು ಸಾರ್ವಜನಿಕರು ಭಾಗವಹಿಸಿದ್ದರು ಅಧಿಕಾರಿಗಳು ಮಾತನಾಡಿದರು ಗ್ರಾಮಸ್ಥರು ಒತ್ತಾಯಿಸಿದರು ಸಮಿತಿ ಸದಸ್ಯರು ಹಾಜರಿದ್ದರು ಶಿಕ್ಷಣ ಸಂಸ್ಥೆ ವಿದ್ಯಾರ್ಥಿಗಳು ಶಿಕ್ಷಕರು ಪೋಷಕರು ಪಾಲ್ಗೊಂಡಿದ್ದರು ಜಿಲ್ಲೆಯಲ್ಲಿ ಕಾರ್ಯಕ್ರಮ ನಡೆಯಿತು ಸಾರ್ವಜನಿಕರು ಭಾಗವಹಿಸಿದ್ದರು ಅಧಿಕಾರಿಗಳು ಮಾತನಾಡಿದರು ಗ್ರಾಮಸ್ಥರು ಒತ್ತಾಯಿಸಿದರು ಸಮಿತಿ ಸದಸ್ಯರು ಹಾಜರಿದ್ದರು ಶಿಕ್ಷಣ ಸಂಸ್ಥೆ ವಿದ್ಯಾರ್ಥಿಗಳು ಶಿಕ್ಷಕರು ಪೋಷಕರು ಪಾಲ್ಗೊಂಡಿದ್ದರು ಜಿಲ್ಲೆಯಲ್ಲಿ ಕಾರ್ಯಕ್ರಮ ನಡೆಯಿತು ಸಾರ್ವಜನಿಕರು ಭಾಗವಹಿಸಿದ್ದರು ಅಧಿಕಾರಿಗಳು ಮಾತನಾಡಿದರು ಗ್ರಾಮಸ್ಥರು ಒತ್ತಾಯಿಸಿದರು ಸಮಿತಿ ಸದಸ್ಯರು ಹಾಜರಿದ್ದರು ಶಿಕ್ಷಣ ಸಂಸ್ಥೆ ವಿದ್ಯಾರ್ಥಿಗಳು ಶಿಕ್ಷಕರು ಪೋಷಕರು ಪಾಲ್ಗೊಂಡಿದ್ದರು ಜಿಲ್ಲೆಯಲ್ಲಿ ಕಾರ್ಯಕ್ರಮ ನಡೆಯಿತು ಸಾರ್ವಜನಿಕರು ಭಾಗವಹಿಸಿದ್ದರು ಅಧಿಕಾರಿಗಳು ಮಾತನಾಡಿದರು ಗ್ರಾಮಸ್ಥರು ಒತ್ತಾಯಿಸಿದರು ಸಮಿತಿ ಸದಸ್ಯರು ಹಾಜರಿದ್ದರು ಶಿಕ್ಷಣ ಸಂಸ್ಥೆ ವಿದ್ಯಾರ್ಥಿಗಳು ಶಿಕ್ಷಕರು ಪೋಷಕರು ಪಾಲ್ಗೊಂಡಿದ್ದರು
ಸುಳ್ಳು ಆರೋಪಗಳಿಂದ ಮಾನಹಾನಿ: ಕ್ರಮಕ್ಕೆ ಆಗ್ರಹ
ಸಕಲೇಶಪುರ:
ಹಾಸನ: ಜಿಲ್ಲೆಯಲ್ಲಿ ಕಾರ್ಯಕ್ರಮ ನಡೆಯಿತು ಸಾರ್ವಜನಿಕರು ಭಾಗವಹಿಸಿದ್ದರು ಅಧಿಕಾರಿಗಳು ಮಾತನಾಡಿದರು ಗ್ರಾಮಸ್ಥರು ಒತ್ತಾಯಿಸಿದರು ಸಮಿತಿ ಸದಸ್ಯರು ಹಾಜರಿದ್ದರು ಶಿಕ್ಷಣ ಸಂಸ್ಥೆ ವಿದ್ಯಾರ್ಥಿಗಳು ಶಿಕ್ಷಕರು ಪೋಷಕರು ಪಾಲ್ಗೊಂಡಿದ್ದರು ಜಿಲ್ಲೆಯಲ್ಲಿ ಕಾರ್ಯಕ್ರಮ ನಡೆಯಿತು ಸಾರ್ವಜನಿಕರು ಭಾಗವಹಿಸಿದ್ದರು ಅಧಿಕಾರಿಗಳು ಮಾತನಾಡಿದರು ಗ್ರಾಮಸ್ಥರು ಒತ್ತಾಯಿಸಿದರು ಸಮಿತಿ ಸದಸ್ಯರು ಹಾಜರಿದ್ದರು ಶಿಕ್ಷಣ ಸಂಸ್ಥೆ ವಿದ್ಯಾರ್ಥಿಗಳು ಶಿಕ್ಷಕರು ಪೋಷಕರು ಪಾಲ್ಗೊಂಡಿದ್ದರು ಜಿಲ್ಲೆಯಲ್ಲಿ ಕಾರ್ಯಕ್ರಮ ನಡೆಯಿತು ಸಾರ್ವಜನಿಕರು ಭಾಗವಹಿಸಿದ್ದರು ಅಧಿಕಾರಿಗಳು ಮಾತನಾಡಿದರು ಗ್ರಾಮಸ್ಥರು ಒತ್ತಾಯಿಸಿದರು ಸಮಿತಿ ಸದಸ್ಯರು ಹಾಜರಿದ್ದರು ಶಿಕ್ಷಣ ಸಂಸ್ಥೆ ವಿದ್ಯಾರ್ಥಿಗಳು ಶಿಕ್ಷಕರು ಪೋಷಕರು ಪಾಲ್ಗೊಂಡಿದ್ದರು ಜಿಲ್ಲೆಯಲ್ಲಿ ಕಾರ್ಯಕ್ರಮ ನಡೆಯಿತು ಸಾರ್ವಜನಿಕರು ಭಾಗವಹಿಸಿದ್ದರು ಅಧಿಕಾರಿಗಳು ಮಾತನಾಡಿದರು ಗ್ರಾಮಸ್ಥರು ಒತ್ತಾಯಿಸಿದರು ಸಮಿತಿ ಸದಸ್ಯರು ಹಾಜರಿದ್ದರು ಶಿಕ್ಷಣ ಸಂಸ್ಥೆ ವಿದ್ಯಾರ್ಥಿಗಳು ಶಿಕ್ಷಕರು ಪೋಷಕರು ಪಾಲ್ಗೊಂಡಿದ್ದರು ಜಿಲ್ಲೆಯಲ್ಲಿ ಕಾರ್ಯಕ್ರಮ ನಡೆಯಿತು ಸಾರ್ವಜನಿಕರು ಭಾಗವಹಿಸಿದ್ದರು ಅಧಿಕಾರಿಗಳು ಮಾತನಾಡಿದರು ಗ್ರಾಮಸ್ಥರು ಒತ್ತಾಯಿಸಿದರು ಸಮಿತಿ ಸದಸ್ಯರು ಹಾಜರಿದ್ದರು ಶಿಕ್ಷಣ ಸಂಸ್ಥೆ ವಿದ್ಯಾರ್ಥಿಗಳು ಶಿಕ್ಷಕರು ಪೋಷಕರು ಪಾಲ್ಗೊಂಡಿದ್ದರು ಜಿಲ್ಲೆಯಲ್ಲಿ ಕಾರ್ಯಕ್ರಮ ನಡೆಯಿತು ಸಾರ್ವಜನಿಕರು ಭಾಗವಹಿಸಿದ್ದರು ಅಧಿಕಾರಿಗಳು ಮಾತನಾಡಿದರು ಗ್ರಾಮಸ್ಥರು ಒತ್ತಾಯಿಸಿದರು ಸಮಿತಿ ಸದಸ್ಯರು ಹಾಜರಿದ್ದರು ಶಿಕ್ಷಣ ಸಂಸ್ಥೆ ವಿದ್ಯಾರ್ಥಿಗಳು ಶಿಕ್ಷಕರು ಪೋಷಕರು ಪಾಲ್ಗೊಂಡಿದ್ದರು ಜಿಲ್ಲೆಯಲ್ಲಿ ಕಾರ್ಯಕ್ರಮ ನಡೆಯಿತು ಸಾರ್ವಜನಿಕರು ಭಾಗವಹಿಸಿದ್ದರು ಅಧಿಕಾರಿಗಳು ಮಾತನಾಡಿದರು ಗ್ರಾಮಸ್ಥರು ಒತ್ತಾಯಿಸಿದರು ಸಮಿತಿ ಸದಸ್ಯರು ಹಾಜರಿದ್ದರು ಶಿಕ್ಷಣ ಸಂಸ್ಥೆ ವಿದ್ಯಾರ್ಥಿಗಳು ಶಿಕ್ಷಕರು ಪೋಷಕರು ಪಾಲ್ಗೊಂಡಿದ್ದರು ಜಿಲ್ಲೆಯಲ್ಲಿ ಕಾರ್ಯಕ್ರಮ ನಡೆಯಿತು ಸಾರ್ವಜನಿಕರು ಭಾಗವಹಿಸಿದ್ದರು ಅಧಿಕಾರಿಗಳು ಮಾತನಾಡಿದರು ಗ್ರಾಮಸ್ಥರು ಒತ್ತಾಯಿಸಿದರು ಸಮಿತಿ ಸದಸ್ಯರು ಹಾಜರಿದ್ದರು ಶಿಕ್ಷಣ ಸಂಸ್ಥೆ ವಿದ್ಯಾರ್ಥಿಗಳು ಶಿಕ್ಷಕರು ಪೋಷಕರು ಪಾಲ್ಗೊಂಡಿದ್ದರು ಜಿಲ್ಲೆಯಲ್ಲಿ ಕಾರ್ಯಕ್ರಮ ನಡೆಯಿತು ಸಾರ್ವಜನಿಕರು ಭಾಗವಹಿಸಿದ್ದರು ಅಧಿಕಾರಿಗಳು ಮಾತನಾಡಿದರು ಗ್ರಾಮಸ್ಥರು ಒತ್ತಾಯಿಸಿದರು ಸಮಿತಿ ಸದಸ್ಯರು ಹಾಜರಿದ್ದರು ಶಿಕ್ಷಣ ಸಂಸ್ಥೆ ವಿದ್ಯಾರ್ಥಿಗಳು ಶಿಕ್ಷಕರು ಪೋಷಕರು ಪಾಲ್ಗೊಂಡಿದ್ದರು	TALUK UNION OF WORKING JOURNALISTS (R)
ಹಾಸನ: ಜಿಲ್ಲೆಯಲ್ಲಿ ಕಾರ್ಯಕ್ರಮ ನಡೆಯಿತು ಸಾರ್ವಜನಿಕರು ಭಾಗವಹಿಸಿದ್ದರು ಅಧಿಕಾರಿಗಳು ಮಾತನಾಡಿದರು ಗ್ರಾಮಸ್ಥರು ಒತ್ತಾಯಿಸಿದರು ಸಮಿತಿ ಸದಸ್ಯರು ಹಾಜರಿದ್ದರು ಶಿಕ್ಷಣ ಸಂಸ್ಥೆ ವಿದ್ಯಾರ್ಥಿಗಳು ಶಿಕ್ಷಕರು ಪೋಷಕರು ಪಾಲ್ಗೊಂಡಿದ್ದರು ಜಿಲ್ಲೆಯಲ್ಲಿ ಕಾರ್ಯಕ್ರಮ ನಡೆಯಿತು ಸಾರ್ವಜನಿಕರು ಭಾಗವಹಿಸಿದ್ದರು ಅಧಿಕಾರಿಗಳು ಮಾತನಾಡಿದರು ಗ್ರಾಮಸ್ಥರು ಒತ್ತಾಯಿಸಿದರು ಸಮಿತಿ ಸದಸ್ಯರು ಹಾಜರಿದ್ದರು ಶಿಕ್ಷಣ ಸಂಸ್ಥೆ ವಿದ್ಯಾರ್ಥಿಗಳು ಶಿಕ್ಷಕರು ಪೋಷಕರು ಪಾಲ್ಗೊಂಡಿದ್ದರು ಜಿಲ್ಲೆಯಲ್ಲಿ ಕಾರ್ಯಕ್ರಮ ನಡೆಯಿತು ಸಾರ್ವಜನಿಕರು ಭಾಗವಹಿಸಿದ್ದರು ಅಧಿಕಾರಿಗಳು ಮಾತನಾಡಿದರು ಗ್ರಾಮಸ್ಥರು ಒತ್ತಾಯಿಸಿದರು ಸಮಿತಿ ಸದಸ್ಯರು ಹಾಜರಿದ್ದರು ಶಿಕ್ಷಣ ಸಂಸ್ಥೆ ವಿದ್ಯಾರ್ಥಿಗಳು ಶಿಕ್ಷಕರು ಪೋಷಕರು ಪಾಲ್ಗೊಂಡಿದ್ದರು ಜಿಲ್ಲೆಯಲ್ಲಿ ಕಾರ್ಯಕ್ರಮ ನಡೆಯಿತು ಸಾರ್ವಜನಿಕರು ಭಾಗವಹಿಸಿದ್ದರು ಅಧಿಕಾರಿಗಳು ಮಾತನಾಡಿದರು ಗ್ರಾಮಸ್ಥರು ಒತ್ತಾಯಿಸಿದರು ಸಮಿತಿ ಸದಸ್ಯರು ಹಾಜರಿದ್ದರು ಶಿಕ್ಷಣ ಸಂಸ್ಥೆ ವಿದ್ಯಾರ್ಥಿಗಳು ಶಿಕ್ಷಕರು ಪೋಷಕರು ಪಾಲ್ಗೊಂಡಿದ್ದರು ಜಿಲ್ಲೆಯಲ್ಲಿ ಕಾರ್ಯಕ್ರಮ ನಡೆಯಿತು ಸಾರ್ವಜನಿಕರು ಭಾಗವಹಿಸಿದ್ದರು ಅಧಿಕಾರಿಗಳು ಮಾತನಾಡಿದರು ಗ್ರಾಮಸ್ಥರು ಒತ್ತಾಯಿಸಿದರು ಸಮಿತಿ ಸದಸ್ಯರು ಹಾಜರಿದ್ದರು ಶಿಕ್ಷಣ ಸಂಸ್ಥೆ ವಿದ್ಯಾರ್ಥಿಗಳು ಶಿಕ್ಷಕರು ಪೋಷಕರು ಪಾಲ್ಗೊಂಡಿದ್ದರು ಜಿಲ್ಲೆಯಲ್ಲಿ ಕಾರ್ಯಕ್ರಮ ನಡೆಯಿತು ಸಾರ್ವಜನಿಕರು ಭಾಗವಹಿಸಿದ್ದರು ಅಧಿಕಾರಿಗಳು ಮಾತನಾಡಿದರು ಗ್ರಾಮಸ್ಥರು ಒತ್ತಾಯಿಸಿದರು ಸಮಿತಿ ಸದಸ್ಯರು ಹಾಜರಿದ್ದರು ಶಿಕ್ಷಣ ಸಂಸ್ಥೆ ವಿದ್ಯಾರ್ಥಿಗಳು ಶಿಕ್ಷಕರು ಪೋಷಕರು ಪಾಲ್ಗೊಂಡಿದ್ದರು ಜಿಲ್ಲೆಯಲ್ಲಿ ಕಾರ್ಯಕ್ರಮ ನಡೆಯಿತು ಸಾರ್ವಜನಿಕರು ಭಾಗವಹಿಸಿದ್ದರು ಅಧಿಕಾರಿಗಳು ಮಾತನಾಡಿದರು ಗ್ರಾಮಸ್ಥರು ಒತ್ತಾಯಿಸಿದರು ಸಮಿತಿ ಸದಸ್ಯರು ಹಾಜರಿದ್ದರು ಶಿಕ್ಷಣ ಸಂಸ್ಥೆ ವಿದ್ಯಾರ್ಥಿಗಳು ಶಿಕ್ಷಕರು ಪೋಷಕರು ಪಾಲ್ಗೊಂಡಿದ್ದರು ಜಿಲ್ಲೆಯಲ್ಲಿ ಕಾರ್ಯಕ್ರಮ ನಡೆಯಿತು ಸಾರ್ವಜನಿಕರು ಭಾಗವಹಿಸಿದ್ದರು ಅಧಿಕಾರಿಗಳು ಮಾತನಾಡಿದರು ಗ್ರಾಮಸ್ಥರು ಒತ್ತಾಯಿಸಿದರು ಸಮಿತಿ ಸದಸ್ಯರು ಹಾಜರಿದ್ದರು ಶಿಕ್ಷಣ ಸಂಸ್ಥೆ ವಿದ್ಯಾರ್ಥಿಗಳು ಶಿಕ್ಷಕರು ಪೋಷಕರು ಪಾಲ್ಗೊಂಡಿದ್ದರು ಜಿಲ್ಲೆಯಲ್ಲಿ ಕಾರ್ಯಕ್ರಮ ನಡೆಯಿತು ಸಾರ್ವಜನಿಕರು ಭಾಗವಹಿಸಿದ್ದರು ಅಧಿಕಾರಿಗಳು ಮಾತನಾಡಿದರು ಗ್ರಾಮಸ್ಥರು ಒತ್ತಾಯಿಸಿದರು ಸಮಿತಿ ಸದಸ್ಯರು ಹಾಜರಿದ್ದರು ಶಿಕ್ಷಣ ಸಂಸ್ಥೆ ವಿದ್ಯಾರ್ಥಿಗಳು ಶಿಕ್ಷಕರು ಪೋಷಕರು ಪಾಲ್ಗೊಂಡಿದ್ದರು
ಹಾಸನ: ಜಿಲ್ಲೆಯಲ್ಲಿ ಕಾರ್ಯಕ್ರಮ ನಡೆಯಿತು ಸಾರ್ವಜನಿಕರು ಭಾಗವಹಿಸಿದ್ದರು ಅಧಿಕಾರಿಗಳು ಮಾತನಾಡಿದರು ಗ್ರಾಮಸ್ಥರು ಒತ್ತಾಯಿಸಿದರು ಸಮಿತಿ ಸದಸ್ಯರು ಹಾಜರಿದ್ದರು ಶಿಕ್ಷಣ ಸಂಸ್ಥೆ ವಿದ್ಯಾರ್ಥಿಗಳು ಶಿಕ್ಷಕರು ಪೋಷಕರು ಪಾಲ್ಗೊಂಡಿದ್ದರು ಜಿಲ್ಲೆಯಲ್ಲಿ ಕಾರ್ಯಕ್ರಮ ನಡೆಯಿತು ಸಾರ್ವಜನಿಕರು ಭಾಗವಹಿಸಿದ್ದರು ಅಧಿಕಾರಿಗಳು ಮಾತನಾಡಿದರು ಗ್ರಾಮಸ್ಥರು ಒತ್ತಾಯಿಸಿದರು ಸಮಿತಿ ಸದಸ್ಯರು ಹಾಜರಿದ್ದರು ಶಿಕ್ಷಣ ಸಂಸ್ಥೆ ವಿದ್ಯಾರ್ಥಿಗಳು ಶಿಕ್ಷಕರು ಪೋಷಕರು ಪಾಲ್ಗೊಂಡಿದ್ದರು ಜಿಲ್ಲೆಯಲ್ಲಿ ಕಾರ್ಯಕ್ರಮ ನಡೆಯಿತು ಸಾರ್ವಜನಿಕರು ಭಾಗವಹಿಸಿದ್ದರು ಅಧಿಕಾರಿಗಳು ಮಾತನಾಡಿದರು ಗ್ರಾಮಸ್ಥರು ಒತ್ತಾಯಿಸಿದರು ಸಮಿತಿ ಸದಸ್ಯರು ಹಾಜರಿದ್ದರು ಶಿಕ್ಷಣ ಸಂಸ್ಥೆ ವಿದ್ಯಾರ್ಥಿಗಳು ಶಿಕ್ಷಕರು ಪೋಷಕರು ಪಾಲ್ಗೊಂಡಿದ್ದರು ಜಿಲ್ಲೆಯಲ್ಲಿ ಕಾರ್ಯಕ್ರಮ ನಡೆಯಿತು ಸಾರ್ವಜನಿಕರು ಭಾಗವಹಿಸಿದ್ದರು ಅಧಿಕಾರಿಗಳು ಮಾತನಾಡಿದರು ಗ್ರಾಮಸ್ಥರು ಒತ್ತಾಯಿಸಿದರು ಸಮಿತಿ ಸದಸ್ಯರು ಹಾಜರಿದ್ದರು ಶಿಕ್ಷಣ ಸಂಸ್ಥೆ ವಿದ್ಯಾರ್ಥಿಗಳು ಶಿಕ್ಷಕರು ಪೋಷಕರು ಪಾಲ್ಗೊಂಡಿದ್ದರು ಜಿಲ್ಲೆಯಲ್ಲಿ ಕಾರ್ಯಕ್ರಮ ನಡೆಯಿತು ಸಾರ್ವಜನಿಕರು ಭಾಗವಹಿಸಿದ್ದರು ಅಧಿಕಾರಿಗಳು ಮಾತನಾಡಿದರು ಗ್ರಾಮಸ್ಥರು ಒತ್ತಾಯಿಸಿದರು ಸಮಿತಿ ಸದಸ್ಯರು ಹಾಜರಿದ್ದರು ಶಿಕ್ಷಣ ಸಂಸ್ಥೆ ವಿದ್ಯಾರ್ಥಿಗಳು ಶಿಕ್ಷಕರು ಪೋಷಕರು ಪಾಲ್ಗೊಂಡಿದ್ದರು ಜಿಲ್ಲೆಯಲ್ಲಿ ಕಾರ್ಯಕ್ರಮ ನಡೆಯಿತು ಸಾರ್ವಜನಿಕರು ಭಾಗವಹಿಸಿದ್ದರು ಅಧಿಕಾರಿಗಳು ಮಾತನಾಡಿದರು ಗ್ರಾಮಸ್ಥರು ಒತ್ತಾಯಿಸಿದರು ಸಮಿತಿ ಸದಸ್ಯರು ಹಾಜರಿದ್ದರು ಶಿಕ್ಷಣ ಸಂಸ್ಥೆ ವಿದ್ಯಾರ್ಥಿಗಳು ಶಿಕ್ಷಕರು ಪೋಷಕರು ಪಾಲ್ಗೊಂಡಿದ್ದರು ಜಿಲ್ಲೆಯಲ್ಲಿ ಕಾರ್ಯಕ್ರಮ ನಡೆಯಿತು ಸಾರ್ವಜನಿಕರು ಭಾಗವಹಿಸಿದ್ದರು ಅಧಿಕಾರಿಗಳು ಮಾತನಾಡಿದರು ಗ್ರಾಮಸ್ಥರು ಒತ್ತಾಯಿಸಿದರು ಸಮಿತಿ ಸದಸ್ಯರು ಹಾಜರಿದ್ದರು ಶಿಕ್ಷಣ ಸಂಸ್ಥೆ ವಿದ್ಯಾರ್ಥಿಗಳು ಶಿಕ್ಷಕರು ಪೋಷಕರು ಪಾಲ್ಗೊಂಡಿದ್ದರು ಜಿಲ್ಲೆಯಲ್ಲಿ ಕಾರ್ಯಕ್ರಮ ನಡೆಯಿತು ಸಾರ್ವಜನಿಕರು ಭಾಗವಹಿಸಿದ್ದರು ಅಧಿಕಾರಿಗಳು ಮಾತನಾಡಿದರು ಗ್ರಾಮಸ್ಥರು ಒತ್ತಾಯಿಸಿದರು ಸಮಿತಿ ಸದಸ್ಯರು ಹಾಜರಿದ್ದರು ಶಿಕ್ಷಣ ಸಂಸ್ಥೆ ವಿದ್ಯಾರ್ಥಿಗಳು ಶಿಕ್ಷಕರು ಪೋಷಕರು ಪಾಲ್ಗೊಂಡಿದ್ದರು ಜಿಲ್ಲೆಯಲ್ಲಿ ಕಾರ್ಯಕ್ರಮ ನಡೆಯಿತು ಸಾರ್ವಜನಿಕರು ಭಾಗವಹಿಸಿದ್ದರು ಅಧಿಕಾರಿಗಳು ಮಾತನಾಡಿದರು ಗ್ರಾಮಸ್ಥರು ಒತ್ತಾಯಿಸಿದರು ಸಮಿತಿ ಸದಸ್ಯರು ಹಾಜರಿದ್ದರು ಶಿಕ್ಷಣ ಸಂಸ್ಥೆ ವಿದ್ಯಾರ್ಥಿಗಳು ಶಿಕ್ಷಕರು ಪೋಷಕರು ಪಾಲ್ಗೊಂಡಿದ್ದರು
ಹಾಸನ: ಜಿಲ್ಲೆಯಲ್ಲಿ ಕಾರ್ಯಕ್ರಮ ನಡೆಯಿತು ಸಾರ್ವಜನಿಕರು ಭಾಗವಹಿಸಿದ್ದರು ಅಧಿಕಾರಿಗಳು ಮಾತನಾಡಿದರು ಗ್ರಾಮಸ್ಥರು ಒತ್ತಾಯಿಸಿದರು ಸಮಿತಿ ಸದಸ್ಯರು ಹಾಜರಿದ್ದರು ಶಿಕ್ಷಣ ಸಂಸ್ಥೆ ವಿದ್ಯಾರ್ಥಿಗಳು ಶಿಕ್ಷಕರು ಪೋಷಕರು ಪಾಲ್ಗೊಂಡಿದ್ದರು ಜಿಲ್ಲೆಯಲ್ಲಿ ಕಾರ್ಯಕ್ರಮ ನಡೆಯಿತು ಸಾರ್ವಜನಿಕರು ಭಾಗವಹಿಸಿದ್ದರು ಅಧಿಕಾರಿಗಳು ಮಾತನಾಡಿದರು ಗ್ರಾಮಸ್ಥರು ಒತ್ತಾಯಿಸಿದರು ಸಮಿತಿ ಸದಸ್ಯರು ಹಾಜರಿದ್ದರು ಶಿಕ್ಷಣ ಸಂಸ್ಥೆ ವಿದ್ಯಾರ್ಥಿಗಳು ಶಿಕ್ಷಕರು ಪೋಷಕರು ಪಾಲ್ಗೊಂಡಿದ್ದರು ಜಿಲ್ಲೆಯಲ್ಲಿ ಕಾರ್ಯಕ್ರಮ ನಡೆಯಿತು ಸಾರ್ವಜನಿಕರು ಭಾಗವಹಿಸಿದ್ದರು ಅಧಿಕಾರಿಗಳು ಮಾತನಾಡಿದರು ಗ್ರಾಮಸ್ಥರು ಒತ್ತಾಯಿಸಿದರು ಸಮಿತಿ ಸದಸ್ಯರು ಹಾಜರಿದ್ದರು ಶಿಕ್ಷಣ ಸಂಸ್ಥೆ ವಿದ್ಯಾರ್ಥಿಗಳು ಶಿಕ್ಷಕರು ಪೋಷಕರು ಪಾಲ್ಗೊಂಡಿದ್ದರು ಜಿಲ್ಲೆಯಲ್ಲಿ ಕಾರ್ಯಕ್ರಮ ನಡೆಯಿತು ಸಾರ್ವಜನಿಕರು ಭಾಗವಹಿಸಿದ್ದರು ಅಧಿಕಾರಿಗಳು ಮಾತನಾಡಿದರು ಗ್ರಾಮಸ್ಥರು ಒತ್ತಾಯಿಸಿದರು ಸಮಿತಿ ಸದಸ್ಯರು ಹಾಜರಿದ್ದರು ಶಿಕ್ಷಣ ಸಂಸ್ಥೆ ವಿದ್ಯಾರ್ಥಿಗಳು ಶಿಕ್ಷಕರು ಪೋಷಕರು ಪಾಲ್ಗೊಂಡಿದ್ದರು ಜಿಲ್ಲೆಯಲ್ಲಿ ಕಾರ್ಯಕ್ರಮ ನಡೆಯಿತು ಸಾರ್ವಜನಿಕರು ಭಾಗವಹಿಸಿದ್ದರು ಅಧಿಕಾರಿಗಳು ಮಾತನಾಡಿದರು ಗ್ರಾಮಸ್ಥರು ಒತ್ತಾಯಿಸಿದರು ಸಮಿತಿ ಸದಸ್ಯರು ಹಾಜರಿದ್ದರು ಶಿಕ್ಷಣ ಸಂಸ್ಥೆ ವಿದ್ಯಾರ್ಥಿಗಳು ಶಿಕ್ಷಕರು ಪೋಷಕರು ಪಾಲ್ಗೊಂಡಿದ್ದರು ಜಿಲ್ಲೆಯಲ್ಲಿ ಕಾರ್ಯಕ್ರಮ ನಡೆಯಿತು ಸಾರ್ವಜನಿಕರು ಭಾಗವಹಿಸಿದ್ದರು ಅಧಿಕಾರಿಗಳು ಮಾತನಾಡಿದರು ಗ್ರಾಮಸ್ಥರು ಒತ್ತಾಯಿಸಿದರು ಸಮಿತಿ ಸದಸ್ಯರು ಹಾಜರಿದ್ದರು ಶಿಕ್ಷಣ ಸಂಸ್ಥೆ ವಿದ್ಯಾರ್ಥಿಗಳು ಶಿಕ್ಷಕರು ಪೋಷಕರು ಪಾಲ್ಗೊಂಡಿದ್ದರು ಜಿಲ್ಲೆಯಲ್ಲಿ ಕಾರ್ಯಕ್ರಮ ನಡೆಯಿತು ಸಾರ್ವಜನಿಕರು ಭಾಗವಹಿಸಿದ್ದರು ಅಧಿಕಾರಿಗಳು ಮಾತನಾಡಿದರು ಗ್ರಾಮಸ್ಥರು ಒತ್ತಾಯಿಸಿದರು ಸಮಿತಿ ಸದಸ್ಯರು ಹಾಜರಿದ್ದರು ಶಿಕ್ಷಣ ಸಂಸ್ಥೆ ವಿದ್ಯಾರ್ಥಿಗಳು ಶಿಕ್ಷಕರು ಪೋಷಕರು ಪಾಲ್ಗೊಂಡಿದ್ದರು ಜಿಲ್ಲೆಯಲ್ಲಿ ಕಾರ್ಯಕ್ರಮ ನಡೆಯಿತು ಸಾರ್ವಜನಿಕರು ಭಾಗವಹಿಸಿದ್ದರು ಅಧಿಕಾರಿಗಳು ಮಾತನಾಡಿದರು ಗ್ರಾಮಸ್ಥರು ಒತ್ತಾಯಿಸಿದರು ಸಮಿತಿ ಸದಸ್ಯರು ಹಾಜರಿದ್ದರು ಶಿಕ್ಷಣ ಸಂಸ್ಥೆ ವಿದ್ಯಾರ್ಥಿಗಳು ಶಿಕ್ಷಕರು ಪೋಷಕರು ಪಾಲ್ಗೊಂಡಿದ್ದರು ಜಿಲ್ಲೆಯಲ್ಲಿ ಕಾರ್ಯಕ್ರಮ ನಡೆಯಿತು ಸಾರ್ವಜನಿಕರು ಭಾಗವಹಿಸಿದ್ದರು ಅಧಿಕಾರಿಗಳು ಮಾತನಾಡಿದರು ಗ್ರಾಮಸ್ಥರು ಒತ್ತಾಯಿಸಿದರು ಸಮಿತಿ ಸದಸ್ಯರು ಹಾಜರಿದ್ದರು ಶಿಕ್ಷಣ ಸಂಸ್ಥೆ ವಿದ್ಯಾರ್ಥಿಗಳು ಶಿಕ್ಷಕರು ಪೋಷಕರು ಪಾಲ್ಗೊಂಡಿದ್ದರು
ಸ್ಮಶಾನ ಜಾಗ ಉಳಿಸಲು ಗ್ರಾಮಸ್ಥರ ಒತ್ತಾಯ
ಹಾಸನ:
ಹಾಸನ: ಜಿಲ್ಲೆಯಲ್ಲಿ ಕಾರ್ಯಕ್ರಮ ನಡೆಯಿತು ಸಾರ್ವಜನಿಕರು ಭಾಗವಹಿಸಿದ್ದರು ಅಧಿಕಾರಿಗಳು ಮಾತನಾಡಿದರು ಗ್ರಾಮಸ್ಥರು ಒತ್ತಾಯಿಸಿದರು ಸಮಿತಿ ಸದಸ್ಯರು ಹಾಜರಿದ್ದರು ಶಿಕ್ಷಣ ಸಂಸ್ಥೆ ವಿದ್ಯಾರ್ಥಿಗಳು ಶಿಕ್ಷಕರು ಪೋಷಕರು ಪಾಲ್ಗೊಂಡಿದ್ದರು ಜಿಲ್ಲೆಯಲ್ಲಿ ಕಾರ್ಯಕ್ರಮ ನಡೆಯಿತು ಸಾರ್ವಜನಿಕರು ಭಾಗವಹಿಸಿದ್ದರು ಅಧಿಕಾರಿಗಳು ಮಾತನಾಡಿದರು ಗ್ರಾಮಸ್ಥರು ಒತ್ತಾಯಿಸಿದರು ಸಮಿತಿ ಸದಸ್ಯರು ಹಾಜರಿದ್ದರು ಶಿಕ್ಷಣ ಸಂಸ್ಥೆ ವಿದ್ಯಾರ್ಥಿಗಳು ಶಿಕ್ಷಕರು ಪೋಷಕರು ಪಾಲ್ಗೊಂಡಿದ್ದರು ಜಿಲ್ಲೆಯಲ್ಲಿ ಕಾರ್ಯಕ್ರಮ ನಡೆಯಿತು ಸಾರ್ವಜನಿಕರು ಭಾಗವಹಿಸಿದ್ದರು ಅಧಿಕಾರಿಗಳು ಮಾತನಾಡಿದರು ಗ್ರಾಮಸ್ಥರು ಒತ್ತಾಯಿಸಿದರು ಸಮಿತಿ ಸದಸ್ಯರು ಹಾಜರಿದ್ದರು ಶಿಕ್ಷಣ ಸಂಸ್ಥೆ ವಿದ್ಯಾರ್ಥಿಗಳು ಶಿಕ್ಷಕರು ಪೋಷಕರು ಪಾಲ್ಗೊಂಡಿದ್ದರು ಜಿಲ್ಲೆಯಲ್ಲಿ ಕಾರ್ಯಕ್ರಮ ನಡೆಯಿತು ಸಾರ್ವಜನಿಕರು ಭಾಗವಹಿಸಿದ್ದರು ಅಧಿಕಾರಿಗಳು ಮಾತನಾಡಿದರು ಗ್ರಾಮಸ್ಥರು ಒತ್ತಾಯಿಸಿದರು ಸಮಿತಿ ಸದಸ್ಯರು ಹಾಜರಿದ್ದರು ಶಿಕ್ಷಣ ಸಂಸ್ಥೆ ವಿದ್ಯಾರ್ಥಿಗಳು ಶಿಕ್ಷಕರು ಪೋಷಕರು ಪಾಲ್ಗೊಂಡಿದ್ದರು ಜಿಲ್ಲೆಯಲ್ಲಿ ಕಾರ್ಯಕ್ರಮ ನಡೆಯಿತು ಸಾರ್ವಜನಿಕರು ಭಾಗವಹಿಸಿದ್ದರು ಅಧಿಕಾರಿಗಳು ಮಾತನಾಡಿದರು ಗ್ರಾಮಸ್ಥರು ಒತ್ತಾಯಿಸಿದರು ಸಮಿತಿ ಸದಸ್ಯರು ಹಾಜರಿದ್ದರು ಶಿಕ್ಷಣ ಸಂಸ್ಥೆ ವಿದ್ಯಾರ್ಥಿಗಳು ಶಿಕ್ಷಕರು ಪೋಷಕರು ಪಾಲ್ಗೊಂಡಿದ್ದರು ಜಿಲ್ಲೆಯಲ್ಲಿ ಕಾರ್ಯಕ್ರಮ ನಡೆಯಿತು ಸಾರ್ವಜನಿಕರು ಭಾಗವಹಿಸಿದ್ದರು ಅಧಿಕಾರಿಗಳು ಮಾತನಾಡಿದರು ಗ್ರಾಮಸ್ಥರು ಒತ್ತಾಯಿಸಿದರು ಸಮಿತಿ ಸದಸ್ಯರು ಹಾಜರಿದ್ದರು ಶಿಕ್ಷಣ ಸಂಸ್ಥೆ ವಿದ್ಯಾರ್ಥಿಗಳು ಶಿಕ್ಷಕರು ಪೋಷಕರು ಪಾಲ್ಗೊಂಡಿದ್ದರು ಜಿಲ್ಲೆಯಲ್ಲಿ ಕಾರ್ಯಕ್ರಮ ನಡೆಯಿತು ಸಾರ್ವಜನಿಕರು ಭಾಗವಹಿಸಿದ್ದರು ಅಧಿಕಾರಿಗಳು ಮಾತನಾಡಿದರು ಗ್ರಾಮಸ್ಥರು ಒತ್ತಾಯಿಸಿದರು ಸಮಿತಿ ಸದಸ್ಯರು ಹಾಜರಿದ್ದರು ಶಿಕ್ಷಣ ಸಂಸ್ಥೆ ವಿದ್ಯಾರ್ಥಿಗಳು ಶಿಕ್ಷಕರು ಪೋಷಕರು ಪಾಲ್ಗೊಂಡಿದ್ದರು ಜಿಲ್ಲೆಯಲ್ಲಿ ಕಾರ್ಯಕ್ರಮ ನಡೆಯಿತು ಸಾರ್ವಜನಿಕರು ಭಾಗವಹಿಸಿದ್ದರು ಅಧಿಕಾರಿಗಳು ಮಾತನಾಡಿದರು ಗ್ರಾಮಸ್ಥರು ಒತ್ತಾಯಿಸಿದರು ಸಮಿತಿ ಸದಸ್ಯರು ಹಾಜರಿದ್ದರು ಶಿಕ್ಷಣ ಸಂಸ್ಥೆ ವಿದ್ಯಾರ್ಥಿಗಳು ಶಿಕ್ಷಕರು ಪೋಷಕರು ಪಾಲ್ಗೊಂಡಿದ್ದರು ಜಿಲ್ಲೆಯಲ್ಲಿ ಕಾರ್ಯಕ್ರಮ ನಡೆಯಿತು ಸಾರ್ವಜನಿಕರು ಭಾಗವಹಿಸಿದ್ದರು ಅಧಿಕಾರಿಗಳು ಮಾತನಾಡಿದರು ಗ್ರಾಮಸ್ಥರು ಒತ್ತಾಯಿಸಿದರು ಸಮಿತಿ ಸದಸ್ಯರು ಹಾಜರಿದ್ದರು ಶಿಕ್ಷಣ ಸಂಸ್ಥೆ ವಿದ್ಯಾರ್ಥಿಗಳು ಶಿಕ್ಷಕರು ಪೋಷಕರು ಪಾಲ್ಗೊಂಡಿದ್ದರು
ಹಾಸನ: ಜಿಲ್ಲೆಯಲ್ಲಿ ಕಾರ್ಯಕ್ರಮ ನಡೆಯಿತು ಸಾರ್ವಜನಿಕರು ಭಾಗವಹಿಸಿದ್ದರು ಅಧಿಕಾರಿಗಳು ಮಾತನಾಡಿದರು ಗ್ರಾಮಸ್ಥರು ಒತ್ತಾಯಿಸಿದರು ಸಮಿತಿ ಸದಸ್ಯರು ಹಾಜರಿದ್ದರು ಶಿಕ್ಷಣ ಸಂಸ್ಥೆ ವಿದ್ಯಾರ್ಥಿಗಳು ಶಿಕ್ಷಕರು ಪೋಷಕರು ಪಾಲ್ಗೊಂಡಿದ್ದರು ಜಿಲ್ಲೆಯಲ್ಲಿ ಕಾರ್ಯಕ್ರಮ ನಡೆಯಿತು ಸಾರ್ವಜನಿಕರು ಭಾಗವಹಿಸಿದ್ದರು ಅಧಿಕಾರಿಗಳು ಮಾತನಾಡಿದರು ಗ್ರಾಮಸ್ಥರು ಒತ್ತಾಯಿಸಿದರು ಸಮಿತಿ ಸದಸ್ಯರು ಹಾಜರಿದ್ದರು ಶಿಕ್ಷಣ ಸಂಸ್ಥೆ ವಿದ್ಯಾರ್ಥಿಗಳು ಶಿಕ್ಷಕರು ಪೋಷಕರು ಪಾಲ್ಗೊಂಡಿದ್ದರು ಜಿಲ್ಲೆಯಲ್ಲಿ ಕಾರ್ಯಕ್ರಮ ನಡೆಯಿತು ಸಾರ್ವಜನಿಕರು ಭಾಗವಹಿಸಿದ್ದರು ಅಧಿಕಾರಿಗಳು ಮಾತನಾಡಿದರು ಗ್ರಾಮಸ್ಥರು ಒತ್ತಾಯಿಸಿದರು ಸಮಿತಿ ಸದಸ್ಯರು ಹಾಜರಿದ್ದರು ಶಿಕ್ಷಣ ಸಂಸ್ಥೆ ವಿದ್ಯಾರ್ಥಿಗಳು ಶಿಕ್ಷಕರು ಪೋಷಕರು ಪಾಲ್ಗೊಂಡಿದ್ದರು ಜಿಲ್ಲೆಯಲ್ಲಿ ಕಾರ್ಯಕ್ರಮ ನಡೆಯಿತು ಸಾರ್ವಜನಿಕರು ಭಾಗವಹಿಸಿದ್ದರು ಅಧಿಕಾರಿಗಳು ಮಾತನಾಡಿದರು ಗ್ರಾಮಸ್ಥರು ಒತ್ತಾಯಿಸಿದರು ಸಮಿತಿ ಸದಸ್ಯರು ಹಾಜರಿದ್ದರು ಶಿಕ್ಷಣ ಸಂಸ್ಥೆ ವಿದ್ಯಾರ್ಥಿಗಳು ಶಿಕ್ಷಕರು ಪೋಷಕರು ಪಾಲ್ಗೊಂಡಿದ್ದರು ಜಿಲ್ಲೆಯಲ್ಲಿ ಕಾರ್ಯಕ್ರಮ ನಡೆಯಿತು ಸಾರ್ವಜನಿಕರು ಭಾಗವಹಿಸಿದ್ದರು ಅಧಿಕಾರಿಗಳು ಮಾತನಾಡಿದರು ಗ್ರಾಮಸ್ಥರು ಒತ್ತಾಯಿಸಿದರು ಸಮಿತಿ ಸದಸ್ಯರು ಹಾಜರಿದ್ದರು ಶಿಕ್ಷಣ ಸಂಸ್ಥೆ ವಿದ್ಯಾರ್ಥಿಗಳು ಶಿಕ್ಷಕರು ಪೋಷಕರು ಪಾಲ್ಗೊಂಡಿದ್ದರು ಜಿಲ್ಲೆಯಲ್ಲಿ ಕಾರ್ಯಕ್ರಮ ನಡೆಯಿತು ಸಾರ್ವಜನಿಕರು ಭಾಗವಹಿಸಿದ್ದರು ಅಧಿಕಾರಿಗಳು ಮಾತನಾಡಿದರು ಗ್ರಾಮಸ್ಥರು ಒತ್ತಾಯಿಸಿದರು ಸಮಿತಿ ಸದಸ್ಯರು ಹಾಜರಿದ್ದರು ಶಿಕ್ಷಣ ಸಂಸ್ಥೆ ವಿದ್ಯಾರ್ಥಿಗಳು ಶಿಕ್ಷಕರು ಪೋಷಕರು ಪಾಲ್ಗೊಂಡಿದ್ದರು ಜಿಲ್ಲೆಯಲ್ಲಿ ಕಾರ್ಯಕ್ರಮ ನಡೆಯಿತು ಸಾರ್ವಜನಿಕರು ಭಾಗವಹಿಸಿದ್ದರು ಅಧಿಕಾರಿಗಳು ಮಾತನಾಡಿದರು ಗ್ರಾಮಸ್ಥರು ಒತ್ತಾಯಿಸಿದರು ಸಮಿತಿ ಸದಸ್ಯರು ಹಾಜರಿದ್ದರು ಶಿಕ್ಷಣ ಸಂಸ್ಥೆ ವಿದ್ಯಾರ್ಥಿಗಳು ಶಿಕ್ಷಕರು ಪೋಷಕರು ಪಾಲ್ಗೊಂಡಿದ್ದರು ಜಿಲ್ಲೆಯಲ್ಲಿ ಕಾರ್ಯಕ್ರಮ ನಡೆಯಿತು ಸಾರ್ವಜನಿಕರು ಭಾಗವಹಿಸಿದ್ದರು ಅಧಿಕಾರಿಗಳು ಮಾತನಾಡಿದರು ಗ್ರಾಮಸ್ಥರು ಒತ್ತಾಯಿಸಿದರು ಸಮಿತಿ ಸದಸ್ಯರು ಹಾಜರಿದ್ದರು ಶಿಕ್ಷಣ ಸಂಸ್ಥೆ ವಿದ್ಯಾರ್ಥಿಗಳು ಶಿಕ್ಷಕರು ಪೋಷಕರು ಪಾಲ್ಗೊಂಡಿದ್ದರು ಜಿಲ್ಲೆಯಲ್ಲಿ ಕಾರ್ಯಕ್ರಮ ನಡೆಯಿತು ಸಾರ್ವಜನಿಕರು ಭಾಗವಹಿಸಿದ್ದರು ಅಧಿಕಾರಿಗಳು ಮಾತನಾಡಿದರು ಗ್ರಾಮಸ್ಥರು ಒತ್ತಾಯಿಸಿದರು ಸಮಿತಿ ಸದಸ್ಯರು ಹಾಜರಿದ್ದರು ಶಿಕ್ಷಣ ಸಂಸ್ಥೆ ವಿದ್ಯಾರ್ಥಿಗಳು ಶಿಕ್ಷಕರು ಪೋಷಕರು ಪಾಲ್ಗೊಂಡಿದ್ದರು
ರಾಷ್ಟ್ರೀಯ ಹೆದ್ದಾರಿ 75ರ ಸಮಸ್ಯೆಗಳ ಪರಿಹಾರಕ್ಕೆ ಆಗ್ರಹ
ಹೋರಾಟದ ಎಚ್ಚರಿಕೆ: ಸಲೀಂ ಅಬ್ಬುಲ್
ಸಕಲೇಶಪುರ:
ಹಾಸನ: ಜಿಲ್ಲೆಯಲ್ಲಿ ಕಾರ್ಯಕ್ರಮ ನಡೆಯಿತು ಸಾರ್ವಜನಿಕರು ಭಾಗವಹಿಸಿದ್ದರು ಅಧಿಕಾರಿಗಳು ಮಾತನಾಡಿದರು ಗ್ರಾಮಸ್ಥರು ಒತ್ತಾಯಿಸಿದರು ಸಮಿತಿ ಸದಸ್ಯರು ಹಾಜರಿದ್ದರು ಶಿಕ್ಷಣ ಸಂಸ್ಥೆ ವಿದ್ಯಾರ್ಥಿಗಳು ಶಿಕ್ಷಕರು ಪೋಷಕರು ಪಾಲ್ಗೊಂಡಿದ್ದರು ಜಿಲ್ಲೆಯಲ್ಲಿ ಕಾರ್ಯಕ್ರಮ ನಡೆಯಿತು ಸಾರ್ವಜನಿಕರು ಭಾಗವಹಿಸಿದ್ದರು ಅಧಿಕಾರಿಗಳು ಮಾತನಾಡಿದರು ಗ್ರಾಮಸ್ಥರು ಒತ್ತಾಯಿಸಿದರು ಸಮಿತಿ ಸದಸ್ಯರು ಹಾಜರಿದ್ದರು ಶಿಕ್ಷಣ ಸಂಸ್ಥೆ ವಿದ್ಯಾರ್ಥಿಗಳು ಶಿಕ್ಷಕರು ಪೋಷಕರು ಪಾಲ್ಗೊಂಡಿದ್ದರು ಜಿಲ್ಲೆಯಲ್ಲಿ ಕಾರ್ಯಕ್ರಮ ನಡೆಯಿತು ಸಾರ್ವಜನಿಕರು ಭಾಗವಹಿಸಿದ್ದರು ಅಧಿಕಾರಿಗಳು ಮಾತನಾಡಿದರು ಗ್ರಾಮಸ್ಥರು ಒತ್ತಾಯಿಸಿದರು ಸಮಿತಿ ಸದಸ್ಯರು ಹಾಜರಿದ್ದರು ಶಿಕ್ಷಣ ಸಂಸ್ಥೆ ವಿದ್ಯಾರ್ಥಿಗಳು ಶಿಕ್ಷಕರು ಪೋಷಕರು ಪಾಲ್ಗೊಂಡಿದ್ದರು ಜಿಲ್ಲೆಯಲ್ಲಿ ಕಾರ್ಯಕ್ರಮ ನಡೆಯಿತು ಸಾರ್ವಜನಿಕರು ಭಾಗವಹಿಸಿದ್ದರು ಅಧಿಕಾರಿಗಳು ಮಾತನಾಡಿದರು ಗ್ರಾಮಸ್ಥರು ಒತ್ತಾಯಿಸಿದರು ಸಮಿತಿ ಸದಸ್ಯರು ಹಾಜರಿದ್ದರು ಶಿಕ್ಷಣ ಸಂಸ್ಥೆ ವಿದ್ಯಾರ್ಥಿಗಳು ಶಿಕ್ಷಕರು ಪೋಷಕರು ಪಾಲ್ಗೊಂಡಿದ್ದರು ಜಿಲ್ಲೆಯಲ್ಲಿ ಕಾರ್ಯಕ್ರಮ ನಡೆಯಿತು ಸಾರ್ವಜನಿಕರು ಭಾಗವಹಿಸಿದ್ದರು ಅಧಿಕಾರಿಗಳು ಮಾತನಾಡಿದರು ಗ್ರಾಮಸ್ಥರು ಒತ್ತಾಯಿಸಿದರು ಸಮಿತಿ ಸದಸ್ಯರು ಹಾಜರಿದ್ದರು ಶಿಕ್ಷಣ ಸಂಸ್ಥೆ ವಿದ್ಯಾರ್ಥಿಗಳು ಶಿಕ್ಷಕರು ಪೋಷಕರು ಪಾಲ್ಗೊಂಡಿದ್ದರು ಜಿಲ್ಲೆಯಲ್ಲಿ ಕಾರ್ಯಕ್ರಮ ನಡೆಯಿತು ಸಾರ್ವಜನಿಕರು ಭಾಗವಹಿಸಿದ್ದರು ಅಧಿಕಾರಿಗಳು ಮಾತನಾಡಿದರು ಗ್ರಾಮಸ್ಥರು ಒತ್ತಾಯಿಸಿದರು ಸಮಿತಿ ಸದಸ್ಯರು ಹಾಜರಿದ್ದರು ಶಿಕ್ಷಣ ಸಂಸ್ಥೆ ವಿದ್ಯಾರ್ಥಿಗಳು ಶಿಕ್ಷಕರು ಪೋಷಕರು ಪಾಲ್ಗೊಂಡಿದ್ದರು ಜಿಲ್ಲೆಯಲ್ಲಿ ಕಾರ್ಯಕ್ರಮ ನಡೆಯಿತು ಸಾರ್ವಜನಿಕರು ಭಾಗವಹಿಸಿದ್ದರು ಅಧಿಕಾರಿಗಳು ಮಾತನಾಡಿದರು ಗ್ರಾಮಸ್ಥರು ಒತ್ತಾಯಿಸಿದರು ಸಮಿತಿ ಸದಸ್ಯರು ಹಾಜರಿದ್ದರು ಶಿಕ್ಷಣ ಸಂಸ್ಥೆ ವಿದ್ಯಾರ್ಥಿಗಳು ಶಿಕ್ಷಕರು ಪೋಷಕರು ಪಾಲ್ಗೊಂಡಿದ್ದರು ಜಿಲ್ಲೆಯಲ್ಲಿ ಕಾರ್ಯಕ್ರಮ ನಡೆಯಿತು ಸಾರ್ವಜನಿಕರು ಭಾಗವಹಿಸಿದ್ದರು ಅಧಿಕಾರಿಗಳು ಮಾತನಾಡಿದರು ಗ್ರಾಮಸ್ಥರು ಒತ್ತಾಯಿಸಿದರು ಸಮಿತಿ ಸದಸ್ಯರು ಹಾಜರಿದ್ದರು ಶಿಕ್ಷಣ ಸಂಸ್ಥೆ ವಿದ್ಯಾರ್ಥಿಗಳು ಶಿಕ್ಷಕರು ಪೋಷಕರು ಪಾಲ್ಗೊಂಡಿದ್ದರು ಜಿಲ್ಲೆಯಲ್ಲಿ ಕಾರ್ಯಕ್ರಮ ನಡೆಯಿತು ಸಾರ್ವಜನಿಕರು ಭಾಗವಹಿಸಿದ್ದರು ಅಧಿಕಾರಿಗಳು ಮಾತನಾಡಿದರು ಗ್ರಾಮಸ್ಥರು ಒತ್ತಾಯಿಸಿದರು ಸಮಿತಿ ಸದಸ್ಯರು ಹಾಜರಿದ್ದರು ಶಿಕ್ಷಣ ಸಂಸ್ಥೆ ವಿದ್ಯಾರ್ಥಿಗಳು ಶಿಕ್ಷಕರು ಪೋಷಕರು ಪಾಲ್ಗೊಂಡಿದ್ದರು
ಹಾಸನ: ಜಿಲ್ಲೆಯಲ್ಲಿ ಕಾರ್ಯಕ್ರಮ ನಡೆಯಿತು ಸಾರ್ವಜನಿಕರು ಭಾಗವಹಿಸಿದ್ದರು ಅಧಿಕಾರಿಗಳು ಮಾತನಾಡಿದರು ಗ್ರಾಮಸ್ಥರು ಒತ್ತಾಯಿಸಿದರು ಸಮಿತಿ ಸದಸ್ಯರು ಹಾಜರಿದ್ದರು ಶಿಕ್ಷಣ ಸಂಸ್ಥೆ ವಿದ್ಯಾರ್ಥಿಗಳು ಶಿಕ್ಷಕರು ಪೋಷಕರು ಪಾಲ್ಗೊಂಡಿದ್ದರು ಜಿಲ್ಲೆಯಲ್ಲಿ ಕಾರ್ಯಕ್ರಮ ನಡೆಯಿತು ಸಾರ್ವಜನಿಕರು ಭಾಗವಹಿಸಿದ್ದರು ಅಧಿಕಾರಿಗಳು ಮಾತನಾಡಿದರು ಗ್ರಾಮಸ್ಥರು ಒತ್ತಾಯಿಸಿದರು ಸಮಿತಿ ಸದಸ್ಯರು ಹಾಜರಿದ್ದರು ಶಿಕ್ಷಣ ಸಂಸ್ಥೆ ವಿದ್ಯಾರ್ಥಿಗಳು ಶಿಕ್ಷಕರು ಪೋಷಕರು ಪಾಲ್ಗೊಂಡಿದ್ದರು ಜಿಲ್ಲೆಯಲ್ಲಿ ಕಾರ್ಯಕ್ರಮ ನಡೆಯಿತು ಸಾರ್ವಜನಿಕರು ಭಾಗವಹಿಸಿದ್ದರು ಅಧಿಕಾರಿಗಳು ಮಾತನಾಡಿದರು ಗ್ರಾಮಸ್ಥರು ಒತ್ತಾಯಿಸಿದರು ಸಮಿತಿ ಸದಸ್ಯರು ಹಾಜರಿದ್ದರು ಶಿಕ್ಷಣ ಸಂಸ್ಥೆ ವಿದ್ಯಾರ್ಥಿಗಳು ಶಿಕ್ಷಕರು ಪೋಷಕರು ಪಾಲ್ಗೊಂಡಿದ್ದರು ಜಿಲ್ಲೆಯಲ್ಲಿ ಕಾರ್ಯಕ್ರಮ ನಡೆಯಿತು ಸಾರ್ವಜನಿಕರು ಭಾಗವಹಿಸಿದ್ದರು ಅಧಿಕಾರಿಗಳು ಮಾತನಾಡಿದರು ಗ್ರಾಮಸ್ಥರು ಒತ್ತಾಯಿಸಿದರು ಸಮಿತಿ ಸದಸ್ಯರು ಹಾಜರಿದ್ದರು ಶಿಕ್ಷಣ ಸಂಸ್ಥೆ ವಿದ್ಯಾರ್ಥಿಗಳು ಶಿಕ್ಷಕರು ಪೋಷಕರು ಪಾಲ್ಗೊಂಡಿದ್ದರು ಜಿಲ್ಲೆಯಲ್ಲಿ ಕಾರ್ಯಕ್ರಮ ನಡೆಯಿತು ಸಾರ್ವಜನಿಕರು ಭಾಗವಹಿಸಿದ್ದರು ಅಧಿಕಾರಿಗಳು ಮಾತನಾಡಿದರು ಗ್ರಾಮಸ್ಥರು ಒತ್ತಾಯಿಸಿದರು ಸಮಿತಿ ಸದಸ್ಯರು ಹಾಜರಿದ್ದರು ಶಿಕ್ಷಣ ಸಂಸ್ಥೆ ವಿದ್ಯಾರ್ಥಿಗಳು ಶಿಕ್ಷಕರು ಪೋಷಕರು ಪಾಲ್ಗೊಂಡಿದ್ದರು ಜಿಲ್ಲೆಯಲ್ಲಿ ಕಾರ್ಯಕ್ರಮ ನಡೆಯಿತು ಸಾರ್ವಜನಿಕರು ಭಾಗವಹಿಸಿದ್ದರು ಅಧಿಕಾರಿಗಳು ಮಾತನಾಡಿದರು ಗ್ರಾಮಸ್ಥರು ಒತ್ತಾಯಿಸಿದರು ಸಮಿತಿ ಸದಸ್ಯರು ಹಾಜರಿದ್ದರು ಶಿಕ್ಷಣ ಸಂಸ್ಥೆ ವಿದ್ಯಾರ್ಥಿಗಳು ಶಿಕ್ಷಕರು ಪೋಷಕರು ಪಾಲ್ಗೊಂಡಿದ್ದರು ಜಿಲ್ಲೆಯಲ್ಲಿ ಕಾರ್ಯಕ್ರಮ ನಡೆಯಿತು ಸಾರ್ವಜನಿಕರು ಭಾಗವಹಿಸಿದ್ದರು ಅಧಿಕಾರಿಗಳು ಮಾತನಾಡಿದರು ಗ್ರಾಮಸ್ಥರು ಒತ್ತಾಯಿಸಿದರು ಸಮಿತಿ ಸದಸ್ಯರು ಹಾಜರಿದ್ದರು ಶಿಕ್ಷಣ ಸಂಸ್ಥೆ ವಿದ್ಯಾರ್ಥಿಗಳು ಶಿಕ್ಷಕರು ಪೋಷಕರು ಪಾಲ್ಗೊಂಡಿದ್ದರು ಜಿಲ್ಲೆಯಲ್ಲಿ ಕಾರ್ಯಕ್ರಮ ನಡೆಯಿತು ಸಾರ್ವಜನಿಕರು ಭಾಗವಹಿಸಿದ್ದರು ಅಧಿಕಾರಿಗಳು ಮಾತನಾಡಿದರು ಗ್ರಾಮಸ್ಥರು ಒತ್ತಾಯಿಸಿದರು ಸಮಿತಿ ಸದಸ್ಯರು ಹಾಜರಿದ್ದರು ಶಿಕ್ಷಣ ಸಂಸ್ಥೆ ವಿದ್ಯಾರ್ಥಿಗಳು ಶಿಕ್ಷಕರು ಪೋಷಕರು ಪಾಲ್ಗೊಂಡಿದ್ದರು ಜಿಲ್ಲೆಯಲ್ಲಿ ಕಾರ್ಯಕ್ರಮ ನಡೆಯಿತು ಸಾರ್ವಜನಿಕರು ಭಾಗವಹಿಸಿದ್ದರು ಅಧಿಕಾರಿಗಳು ಮಾತನಾಡಿದರು ಗ್ರಾಮಸ್ಥರು ಒತ್ತಾಯಿಸಿದರು ಸಮಿತಿ ಸದಸ್ಯರು ಹಾಜರಿದ್ದರು ಶಿಕ್ಷಣ ಸಂಸ್ಥೆ ವಿದ್ಯಾರ್ಥಿಗಳು ಶಿಕ್ಷಕರು ಪೋಷಕರು ಪಾಲ್ಗೊಂಡಿದ್ದರು
ಸಾರ್ವಜನಿಕ ಪ್ರಕಟಣೆ
ಹಾಸನ: ಜಿಲ್ಲೆಯಲ್ಲಿ ಕಾರ್ಯಕ್ರಮ ನಡೆಯಿತು ಸಾರ್ವಜನಿಕರು ಭಾಗವಹಿಸಿದ್ದರು ಅಧಿಕಾರಿಗಳು ಮಾತನಾಡಿದರು ಗ್ರಾಮಸ್ಥರು ಒತ್ತಾಯಿಸಿದರು ಸಮಿತಿ ಸದಸ್ಯರು ಹಾಜರಿದ್ದರು ಶಿಕ್ಷಣ ಸಂಸ್ಥೆ ವಿದ್ಯಾರ್ಥಿಗಳು ಶಿಕ್ಷಕರು ಪೋಷಕರು ಪಾಲ್ಗೊಂಡಿದ್ದರು ಜಿಲ್ಲೆಯಲ್ಲಿ ಕಾರ್ಯಕ್ರಮ ನಡೆಯಿತು ಸಾರ್ವಜನಿಕರು ಭಾಗವಹಿಸಿದ್ದರು ಅಧಿಕಾರಿಗಳು ಮಾತನಾಡಿದರು ಗ್ರಾಮಸ್ಥರು ಒತ್ತಾಯಿಸಿದರು ಸಮಿತಿ ಸದಸ್ಯರು ಹಾಜರಿದ್ದರು ಶಿಕ್ಷಣ ಸಂಸ್ಥೆ ವಿದ್ಯಾರ್ಥಿಗಳು ಶಿಕ್ಷಕರು ಪೋಷಕರು ಪಾಲ್ಗೊಂಡಿದ್ದರು ಜಿಲ್ಲೆಯಲ್ಲಿ ಕಾರ್ಯಕ್ರಮ ನಡೆಯಿತು ಸಾರ್ವಜನಿಕರು ಭಾಗವಹಿಸಿದ್ದರು ಅಧಿಕಾರಿಗಳು ಮಾತನಾಡಿದರು ಗ್ರಾಮಸ್ಥರು ಒತ್ತಾಯಿಸಿದರು ಸಮಿತಿ ಸದಸ್ಯರು ಹಾಜರಿದ್ದರು ಶಿಕ್ಷಣ ಸಂಸ್ಥೆ ವಿದ್ಯಾರ್ಥಿಗಳು ಶಿಕ್ಷಕರು ಪೋಷಕರು ಪಾಲ್ಗೊಂಡಿದ್ದರು ಜಿಲ್ಲೆಯಲ್ಲಿ ಕಾರ್ಯಕ್ರಮ ನಡೆಯಿತು ಸಾರ್ವಜನಿಕರು ಭಾಗವಹಿಸಿದ್ದರು ಅಧಿಕಾರಿಗಳು ಮಾತನಾಡಿದರು ಗ್ರಾಮಸ್ಥರು ಒತ್ತಾಯಿಸಿದರು ಸಮಿತಿ ಸದಸ್ಯರು ಹಾಜರಿದ್ದರು ಶಿಕ್ಷಣ ಸಂಸ್ಥೆ ವಿದ್ಯಾರ್ಥಿಗಳು ಶಿಕ್ಷಕರು ಪೋಷಕರು ಪಾಲ್ಗೊಂಡಿದ್ದರು ಜಿಲ್ಲೆಯಲ್ಲಿ ಕಾರ್ಯಕ್ರಮ ನಡೆಯಿತು ಸಾರ್ವಜನಿಕರು ಭಾಗವಹಿಸಿದ್ದರು ಅಧಿಕಾರಿಗಳು ಮಾತನಾಡಿದರು ಗ್ರಾಮಸ್ಥರು ಒತ್ತಾಯಿಸಿದರು ಸಮಿತಿ ಸದಸ್ಯರು ಹಾಜರಿದ್ದರು ಶಿಕ್ಷಣ ಸಂಸ್ಥೆ ವಿದ್ಯಾರ್ಥಿಗಳು ಶಿಕ್ಷಕರು ಪೋಷಕರು ಪಾಲ್ಗೊಂಡಿದ್ದರು ಜಿಲ್ಲೆಯಲ್ಲಿ ಕಾರ್ಯಕ್ರಮ ನಡೆಯಿತು ಸಾರ್ವಜನಿಕರು ಭಾಗವಹಿಸಿದ್ದರು ಅಧಿಕಾರಿಗಳು ಮಾತನಾಡಿದರು ಗ್ರಾಮಸ್ಥರು ಒತ್ತಾಯಿಸಿದರು ಸಮಿತಿ ಸದಸ್ಯರು ಹಾಜರಿದ್ದರು ಶಿಕ್ಷಣ ಸಂಸ್ಥೆ ವಿದ್ಯಾರ್ಥಿಗಳು ಶಿಕ್ಷಕರು ಪೋಷಕರು ಪಾಲ್ಗೊಂಡಿದ್ದರು ಜಿಲ್ಲೆಯಲ್ಲಿ ಕಾರ್ಯಕ್ರಮ ನಡೆಯಿತು ಸಾರ್ವಜನಿಕರು ಭಾಗವಹಿಸಿದ್ದರು ಅಧಿಕಾರಿಗಳು ಮಾತನಾಡಿದರು ಗ್ರಾಮಸ್ಥರು ಒತ್ತಾಯಿಸಿದರು ಸಮಿತಿ ಸದಸ್ಯರು ಹಾಜರಿದ್ದರು ಶಿಕ್ಷಣ ಸಂಸ್ಥೆ ವಿದ್ಯಾರ್ಥಿಗಳು ಶಿಕ್ಷಕರು ಪೋಷಕರು ಪಾಲ್ಗೊಂಡಿದ್ದರು ಜಿಲ್ಲೆಯಲ್ಲಿ ಕಾರ್ಯಕ್ರಮ ನಡೆಯಿತು ಸಾರ್ವಜನಿಕರು ಭಾಗವಹಿಸಿದ್ದರು ಅಧಿಕಾರಿಗಳು ಮಾತನಾಡಿದರು ಗ್ರಾಮಸ್ಥರು ಒತ್ತಾಯಿಸಿದರು ಸಮಿತಿ ಸದಸ್ಯರು ಹಾಜರಿದ್ದರು ಶಿಕ್ಷಣ ಸಂಸ್ಥೆ ವಿದ್ಯಾರ್ಥಿಗಳು ಶಿಕ್ಷಕರು ಪೋಷಕರು ಪಾಲ್ಗೊಂಡಿದ್ದರು ಜಿಲ್ಲೆಯಲ್ಲಿ ಕಾರ್ಯಕ್ರಮ ನಡೆಯಿತು ಸಾರ್ವಜನಿಕರು ಭಾಗವಹಿಸಿದ್ದರು ಅಧಿಕಾರಿಗಳು ಮಾತನಾಡಿದರು ಗ್ರಾಮಸ್ಥರು ಒತ್ತಾಯಿಸಿದರು ಸಮಿತಿ ಸದಸ್ಯರು ಹಾಜರಿದ್ದರು ಶಿಕ್ಷಣ ಸಂಸ್ಥೆ ವಿದ್ಯಾರ್ಥಿಗಳು ಶಿಕ್ಷಕರು ಪೋಷಕರು ಪಾಲ್ಗೊಂಡಿದ್ದರು	ನ್ಯಾಯಾಲಯದ ಸೂಚನೆ
ಹಾಸನ: ಜಿಲ್ಲೆಯಲ್ಲಿ ಕಾರ್ಯಕ್ರಮ ನಡೆಯಿತು ಸಾರ್ವಜನಿಕರು ಭಾಗವಹಿಸಿದ್ದರು ಅಧಿಕಾರಿಗಳು ಮಾತನಾಡಿದರು ಗ್ರಾಮಸ್ಥರು ಒತ್ತಾಯಿಸಿದರು ಸಮಿತಿ ಸದಸ್ಯರು ಹಾಜರಿದ್ದರು ಶಿಕ್ಷಣ ಸಂಸ್ಥೆ ವಿದ್ಯಾರ್ಥಿಗಳು ಶಿಕ್ಷಕರು ಪೋಷಕರು ಪಾಲ್ಗೊಂಡಿದ್ದರು ಜಿಲ್ಲೆಯಲ್ಲಿ ಕಾರ್ಯಕ್ರಮ ನಡೆಯಿತು ಸಾರ್ವಜನಿಕರು ಭಾಗವಹಿಸಿದ್ದರು ಅಧಿಕಾರಿಗಳು ಮಾತನಾಡಿದರು ಗ್ರಾಮಸ್ಥರು ಒತ್ತಾಯಿಸಿದರು ಸಮಿತಿ ಸದಸ್ಯರು ಹಾಜರಿದ್ದರು ಶಿಕ್ಷಣ ಸಂಸ್ಥೆ ವಿದ್ಯಾರ್ಥಿಗಳು ಶಿಕ್ಷಕರು ಪೋಷಕರು ಪಾಲ್ಗೊಂಡಿದ್ದರು ಜಿಲ್ಲೆಯಲ್ಲಿ ಕಾರ್ಯಕ್ರಮ ನಡೆಯಿತು ಸಾರ್ವಜನಿಕರು ಭಾಗವಹಿಸಿದ್ದರು ಅಧಿಕಾರಿಗಳು ಮಾತನಾಡಿದರು ಗ್ರಾಮಸ್ಥರು ಒತ್ತಾಯಿಸಿದರು ಸಮಿತಿ ಸದಸ್ಯರು ಹಾಜರಿದ್ದರು ಶಿಕ್ಷಣ ಸಂಸ್ಥೆ ವಿದ್ಯಾರ್ಥಿಗಳು ಶಿಕ್ಷಕರು ಪೋಷಕರು ಪಾಲ್ಗೊಂಡಿದ್ದರು ಜಿಲ್ಲೆಯಲ್ಲಿ ಕಾರ್ಯಕ್ರಮ ನಡೆಯಿತು ಸಾರ್ವಜನಿಕರು ಭಾಗವಹಿಸಿದ್ದರು ಅಧಿಕಾರಿಗಳು ಮಾತನಾಡಿದರು ಗ್ರಾಮಸ್ಥರು ಒತ್ತಾಯಿಸಿದರು ಸಮಿತಿ ಸದಸ್ಯರು ಹಾಜರಿದ್ದರು ಶಿಕ್ಷಣ ಸಂಸ್ಥೆ ವಿದ್ಯಾರ್ಥಿಗಳು ಶಿಕ್ಷಕರು ಪೋಷಕರು ಪಾಲ್ಗೊಂಡಿದ್ದರು ಜಿಲ್ಲೆಯಲ್ಲಿ ಕಾರ್ಯಕ್ರಮ ನಡೆಯಿತು ಸಾರ್ವಜನಿಕರು ಭಾಗವಹಿಸಿದ್ದರು ಅಧಿಕಾರಿಗಳು ಮಾತನಾಡಿದರು ಗ್ರಾಮಸ್ಥರು ಒತ್ತಾಯಿಸಿದರು ಸಮಿತಿ ಸದಸ್ಯರು ಹಾಜರಿದ್ದರು ಶಿಕ್ಷಣ ಸಂಸ್ಥೆ ವಿದ್ಯಾರ್ಥಿಗಳು ಶಿಕ್ಷಕರು ಪೋಷಕರು ಪಾಲ್ಗೊಂಡಿದ್ದರು ಜಿಲ್ಲೆಯಲ್ಲಿ ಕಾರ್ಯಕ್ರಮ ನಡೆಯಿತು ಸಾರ್ವಜನಿಕರು ಭಾಗವಹಿಸಿದ್ದರು ಅಧಿಕಾರಿಗಳು ಮಾತನಾಡಿದರು ಗ್ರಾಮಸ್ಥರು ಒತ್ತಾಯಿಸಿದರು ಸಮಿತಿ ಸದಸ್ಯರು ಹಾಜರಿದ್ದರು ಶಿಕ್ಷಣ ಸಂಸ್ಥೆ ವಿದ್ಯಾರ್ಥಿಗಳು ಶಿಕ್ಷಕರು ಪೋಷಕರು ಪಾಲ್ಗೊಂಡಿದ್ದರು ಜಿಲ್ಲೆಯಲ್ಲಿ ಕಾರ್ಯಕ್ರಮ ನಡೆಯಿತು ಸಾರ್ವಜನಿಕರು ಭಾಗವಹಿಸಿದ್ದರು ಅಧಿಕಾರಿಗಳು ಮಾತನಾಡಿದರು ಗ್ರಾಮಸ್ಥರು ಒತ್ತಾಯಿಸಿದರು ಸಮಿತಿ ಸದಸ್ಯರು ಹಾಜರಿದ್ದರು ಶಿಕ್ಷಣ ಸಂಸ್ಥೆ ವಿದ್ಯಾರ್ಥಿಗಳು ಶಿಕ್ಷಕರು ಪೋಷಕರು ಪಾಲ್ಗೊಂಡಿದ್ದರು ಜಿಲ್ಲೆಯಲ್ಲಿ ಕಾರ್ಯಕ್ರಮ ನಡೆಯಿತು ಸಾರ್ವಜನಿಕರು ಭಾಗವಹಿಸಿದ್ದರು ಅಧಿಕಾರಿಗಳು ಮಾತನಾಡಿದರು ಗ್ರಾಮಸ್ಥರು ಒತ್ತಾಯಿಸಿದರು ಸಮಿತಿ ಸದಸ್ಯರು ಹಾಜರಿದ್ದರು ಶಿಕ್ಷಣ ಸಂಸ್ಥೆ ವಿದ್ಯಾರ್ಥಿಗಳು ಶಿಕ್ಷಕರು ಪೋಷಕರು ಪಾಲ್ಗೊಂಡಿದ್ದರು ಜಿಲ್ಲೆಯಲ್ಲಿ ಕಾರ್ಯಕ್ರಮ ನಡೆಯಿತು ಸಾರ್ವಜನಿಕರು ಭಾಗವಹಿಸಿದ್ದರು ಅಧಿಕಾರಿಗಳು ಮಾತನಾಡಿದರು ಗ್ರಾಮಸ್ಥರು ಒತ್ತಾಯಿಸಿದರು ಸಮಿತಿ ಸದಸ್ಯರು ಹಾಜರಿದ್ದರು ಶಿಕ್ಷಣ ಸಂಸ್ಥೆ ವಿದ್ಯಾರ್ಥಿಗಳು ಶಿಕ್ಷಕರು ಪೋಷಕರು ಪಾಲ್ಗೊಂಡಿದ್ದರು	ಹರಾಜು ಪ್ರಕಟಣೆ
ಹಾಸನ: ಜಿಲ್ಲೆಯಲ್ಲಿ ಕಾರ್ಯಕ್ರಮ ನಡೆಯಿತು ಸಾರ್ವಜನಿಕರು ಭಾಗವಹಿಸಿದ್ದರು ಅಧಿಕಾರಿಗಳು ಮಾತನಾಡಿದರು ಗ್ರಾಮಸ್ಥರು ಒತ್ತಾಯಿಸಿದರು ಸಮಿತಿ ಸದಸ್ಯರು ಹಾಜರಿದ್ದರು ಶಿಕ್ಷಣ ಸಂಸ್ಥೆ ವಿದ್ಯಾರ್ಥಿಗಳು ಶಿಕ್ಷಕರು ಪೋಷಕರು ಪಾಲ್ಗೊಂಡಿದ್ದರು ಜಿಲ್ಲೆಯಲ್ಲಿ ಕಾರ್ಯಕ್ರಮ ನಡೆಯಿತು ಸಾರ್ವಜನಿಕರು ಭಾಗವಹಿಸಿದ್ದರು ಅಧಿಕಾರಿಗಳು ಮಾತನಾಡಿದರು ಗ್ರಾಮಸ್ಥರು ಒತ್ತಾಯಿಸಿದರು ಸಮಿತಿ ಸದಸ್ಯರು ಹಾಜರಿದ್ದರು ಶಿಕ್ಷಣ ಸಂಸ್ಥೆ ವಿದ್ಯಾರ್ಥಿಗಳು ಶಿಕ್ಷಕರು ಪೋಷಕರು ಪಾಲ್ಗೊಂಡಿದ್ದರು ಜಿಲ್ಲೆಯಲ್ಲಿ ಕಾರ್ಯಕ್ರಮ ನಡೆಯಿತು ಸಾರ್ವಜನಿಕರು ಭಾಗವಹಿಸಿದ್ದರು ಅಧಿಕಾರಿಗಳು ಮಾತನಾಡಿದರು ಗ್ರಾಮಸ್ಥರು ಒತ್ತಾಯಿಸಿದರು ಸಮಿತಿ ಸದಸ್ಯರು ಹಾಜರಿದ್ದರು ಶಿಕ್ಷಣ ಸಂಸ್ಥೆ ವಿದ್ಯಾರ್ಥಿಗಳು ಶಿಕ್ಷಕರು ಪೋಷಕರು ಪಾಲ್ಗೊಂಡಿದ್ದರು ಜಿಲ್ಲೆಯಲ್ಲಿ ಕಾರ್ಯಕ್ರಮ ನಡೆಯಿತು ಸಾರ್ವಜನಿಕರು ಭಾಗವಹಿಸಿದ್ದರು ಅಧಿಕಾರಿಗಳು ಮಾತನಾಡಿದರು ಗ್ರಾಮಸ್ಥರು ಒತ್ತಾಯಿಸಿದರು ಸಮಿತಿ ಸದಸ್ಯರು ಹಾಜರಿದ್ದರು ಶಿಕ್ಷಣ ಸಂಸ್ಥೆ ವಿದ್ಯಾರ್ಥಿಗಳು ಶಿಕ್ಷಕರು ಪೋಷಕರು ಪಾಲ್ಗೊಂಡಿದ್ದರು ಜಿಲ್ಲೆಯಲ್ಲಿ ಕಾರ್ಯಕ್ರಮ ನಡೆಯಿತು ಸಾರ್ವಜನಿಕರು ಭಾಗವಹಿಸಿದ್ದರು ಅಧಿಕಾರಿಗಳು ಮಾತನಾಡಿದರು ಗ್ರಾಮಸ್ಥರು ಒತ್ತಾಯಿಸಿದರು ಸಮಿತಿ ಸದಸ್ಯರು ಹಾಜರಿದ್ದರು ಶಿಕ್ಷಣ ಸಂಸ್ಥೆ ವಿದ್ಯಾರ್ಥಿಗಳು ಶಿಕ್ಷಕರು ಪೋಷಕರು ಪಾಲ್ಗೊಂಡಿದ್ದರು ಜಿಲ್ಲೆಯಲ್ಲಿ ಕಾರ್ಯಕ್ರಮ ನಡೆಯಿತು ಸಾರ್ವಜನಿಕರು ಭಾಗವಹಿಸಿದ್ದರು ಅಧಿಕಾರಿಗಳು ಮಾತನಾಡಿದರು ಗ್ರಾಮಸ್ಥರು ಒತ್ತಾಯಿಸಿದರು ಸಮಿತಿ ಸದಸ್ಯರು ಹಾಜರಿದ್ದರು ಶಿಕ್ಷಣ ಸಂಸ್ಥೆ ವಿದ್ಯಾರ್ಥಿಗಳು ಶಿಕ್ಷಕರು ಪೋಷಕರು ಪಾಲ್ಗೊಂಡಿದ್ದರು ಜಿಲ್ಲೆಯಲ್ಲಿ ಕಾರ್ಯಕ್ರಮ ನಡೆಯಿತು ಸಾರ್ವಜನಿಕರು ಭಾಗವಹಿಸಿದ್ದರು ಅಧಿಕಾರಿಗಳು ಮಾತನಾಡಿದರು ಗ್ರಾಮಸ್ಥರು ಒತ್ತಾಯಿಸಿದರು ಸಮಿತಿ ಸದಸ್ಯರು ಹಾಜರಿದ್ದರು ಶಿಕ್ಷಣ ಸಂಸ್ಥೆ ವಿದ್ಯಾರ್ಥಿಗಳು ಶಿಕ್ಷಕರು ಪೋಷಕರು ಪಾಲ್ಗೊಂಡಿದ್ದರು ಜಿಲ್ಲೆಯಲ್ಲಿ ಕಾರ್ಯಕ್ರಮ ನಡೆಯಿತು ಸಾರ್ವಜನಿಕರು ಭಾಗವಹಿಸಿದ್ದರು ಅಧಿಕಾರಿಗಳು ಮಾತನಾಡಿದರು ಗ್ರಾಮಸ್ಥರು ಒತ್ತಾಯಿಸಿದರು ಸಮಿತಿ ಸದಸ್ಯರು ಹಾಜರಿದ್ದರು ಶಿಕ್ಷಣ ಸಂಸ್ಥೆ ವಿದ್ಯಾರ್ಥಿಗಳು ಶಿಕ್ಷಕರು ಪೋಷಕರು ಪಾಲ್ಗೊಂಡಿದ್ದರು ಜಿಲ್ಲೆಯಲ್ಲಿ ಕಾರ್ಯಕ್ರಮ ನಡೆಯಿತು ಸಾರ್ವಜನಿಕರು ಭಾಗವಹಿಸಿದ್ದರು ಅಧಿಕಾರಿಗಳು ಮಾತನಾಡಿದರು ಗ್ರಾಮಸ್ಥರು ಒತ್ತಾಯಿಸಿದರು ಸಮಿತಿ ಸದಸ್ಯರು ಹಾಜರಿದ್ದರು ಶಿಕ್ಷಣ ಸಂಸ್ಥೆ ವಿದ್ಯಾರ್ಥಿಗಳು ಶಿಕ್ಷಕರು ಪೋಷಕರು ಪಾಲ್ಗೊಂಡಿದ್ದರು	ಹಾಸನ ಜಿಲ್ಲೆ ಸಿವಿಲ್ ನ್ಯಾಯಾಲಯ
ಹಾಸನ: ಜಿಲ್ಲೆಯಲ್ಲಿ ಕಾರ್ಯಕ್ರಮ ನಡೆಯಿತು ಸಾರ್ವಜನಿಕರು ಭಾಗವಹಿಸಿದ್ದರು ಅಧಿಕಾರಿಗಳು ಮಾತನಾಡಿದರು ಗ್ರಾಮಸ್ಥರು ಒತ್ತಾಯಿಸಿದರು ಸಮಿತಿ ಸದಸ್ಯರು ಹಾಜರಿದ್ದರು ಶಿಕ್ಷಣ ಸಂಸ್ಥೆ ವಿದ್ಯಾರ್ಥಿಗಳು ಶಿಕ್ಷಕರು ಪೋಷಕರು ಪಾಲ್ಗೊಂಡಿದ್ದರು ಜಿಲ್ಲೆಯಲ್ಲಿ ಕಾರ್ಯಕ್ರಮ ನಡೆಯಿತು ಸಾರ್ವಜನಿಕರು ಭಾಗವಹಿಸಿದ್ದರು ಅಧಿಕಾರಿಗಳು ಮಾತನಾಡಿದರು ಗ್ರಾಮಸ್ಥರು ಒತ್ತಾಯಿಸಿದರು ಸಮಿತಿ ಸದಸ್ಯರು ಹಾಜರಿದ್ದರು ಶಿಕ್ಷಣ ಸಂಸ್ಥೆ ವಿದ್ಯಾರ್ಥಿಗಳು ಶಿಕ್ಷಕರು ಪೋಷಕರು ಪಾಲ್ಗೊಂಡಿದ್ದರು ಜಿಲ್ಲೆಯಲ್ಲಿ ಕಾರ್ಯಕ್ರಮ ನಡೆಯಿತು ಸಾರ್ವಜನಿಕರು ಭಾಗವಹಿಸಿದ್ದರು ಅಧಿಕಾರಿಗಳು ಮಾತನಾಡಿದರು ಗ್ರಾಮಸ್ಥರು ಒತ್ತಾಯಿಸಿದರು ಸಮಿತಿ ಸದಸ್ಯರು ಹಾಜರಿದ್ದರು ಶಿಕ್ಷಣ ಸಂಸ್ಥೆ ವಿದ್ಯಾರ್ಥಿಗಳು ಶಿಕ್ಷಕರು ಪೋಷಕರು ಪಾಲ್ಗೊಂಡಿದ್ದರು ಜಿಲ್ಲೆಯಲ್ಲಿ ಕಾರ್ಯಕ್ರಮ ನಡೆಯಿತು ಸಾರ್ವಜನಿಕರು ಭಾಗವಹಿಸಿದ್ದರು ಅಧಿಕಾರಿಗಳು ಮಾತನಾಡಿದರು ಗ್ರಾಮಸ್ಥರು ಒತ್ತಾಯಿಸಿದರು ಸಮಿತಿ ಸದಸ್ಯರು ಹಾಜರಿದ್ದರು ಶಿಕ್ಷಣ ಸಂಸ್ಥೆ ವಿದ್ಯಾರ್ಥಿಗಳು ಶಿಕ್ಷಕರು ಪೋಷಕರು ಪಾಲ್ಗೊಂಡಿದ್ದರು ಜಿಲ್ಲೆಯಲ್ಲಿ ಕಾರ್ಯಕ್ರಮ ನಡೆಯಿತು ಸಾರ್ವಜನಿಕರು ಭಾಗವಹಿಸಿದ್ದರು ಅಧಿಕಾರಿಗಳು ಮಾತನಾಡಿದರು ಗ್ರಾಮಸ್ಥರು ಒತ್ತಾಯಿಸಿದರು ಸಮಿತಿ ಸದಸ್ಯರು ಹಾಜರಿದ್ದರು ಶಿಕ್ಷಣ ಸಂಸ್ಥೆ ವಿದ್ಯಾರ್ಥಿಗಳು ಶಿಕ್ಷಕರು ಪೋಷಕರು ಪಾಲ್ಗೊಂಡಿದ್ದರು ಜಿಲ್ಲೆಯಲ್ಲಿ ಕಾರ್ಯಕ್ರಮ ನಡೆಯಿತು ಸಾರ್ವಜನಿಕರು ಭಾಗವಹಿಸಿದ್ದರು ಅಧಿಕಾರಿಗಳು ಮಾತನಾಡಿದರು ಗ್ರಾಮಸ್ಥರು ಒತ್ತಾಯಿಸಿದರು ಸಮಿತಿ ಸದಸ್ಯರು ಹಾಜರಿದ್ದರು ಶಿಕ್ಷಣ ಸಂಸ್ಥೆ ವಿದ್ಯಾರ್ಥಿಗಳು ಶಿಕ್ಷಕರು ಪೋಷಕರು ಪಾಲ್ಗೊಂಡಿದ್ದರು ಜಿಲ್ಲೆಯಲ್ಲಿ ಕಾರ್ಯಕ್ರಮ ನಡೆಯಿತು ಸಾರ್ವಜನಿಕರು ಭಾಗವಹಿಸಿದ್ದರು ಅಧಿಕಾರಿಗಳು ಮಾತನಾಡಿದರು ಗ್ರಾಮಸ್ಥರು ಒತ್ತಾಯಿಸಿದರು ಸಮಿತಿ ಸದಸ್ಯರು ಹಾಜರಿದ್ದರು ಶಿಕ್ಷಣ ಸಂಸ್ಥೆ ವಿದ್ಯಾರ್ಥಿಗಳು ಶಿಕ್ಷಕರು ಪೋಷಕರು ಪಾಲ್ಗೊಂಡಿದ್ದರು ಜಿಲ್ಲೆಯಲ್ಲಿ ಕಾರ್ಯಕ್ರಮ ನಡೆಯಿತು ಸಾರ್ವಜನಿಕರು ಭಾಗವಹಿಸಿದ್ದರು ಅಧಿಕಾರಿಗಳು ಮಾತನಾಡಿದರು ಗ್ರಾಮಸ್ಥರು ಒತ್ತಾಯಿಸಿದರು ಸಮಿತಿ ಸದಸ್ಯರು ಹಾಜರಿದ್ದರು ಶಿಕ್ಷಣ ಸಂಸ್ಥೆ ವಿದ್ಯಾರ್ಥಿಗಳು ಶಿಕ್ಷಕರು ಪೋಷಕರು ಪಾಲ್ಗೊಂಡಿದ್ದರು ಜಿಲ್ಲೆಯಲ್ಲಿ ಕಾರ್ಯಕ್ರಮ ನಡೆಯಿತು ಸಾರ್ವಜನಿಕರು ಭಾಗವಹಿಸಿದ್ದರು ಅಧಿಕಾರಿಗಳು ಮಾತನಾಡಿದರು ಗ್ರಾಮಸ್ಥರು ಒತ್ತಾಯಿಸಿದರು ಸಮಿತಿ ಸದಸ್ಯರು ಹಾಜರಿದ್ದರು ಶಿಕ್ಷಣ ಸಂಸ್ಥೆ ವಿದ್ಯಾರ್ಥಿಗಳು ಶಿಕ್ಷಕರು ಪೋಷಕರು ಪಾಲ್ಗೊಂಡಿದ್ದರು
ಹಾಸನ: ಜಿಲ್ಲೆಯಲ್ಲಿ ಕಾರ್ಯಕ್ರಮ ನಡೆಯಿತು ಸಾರ್ವಜನಿಕರು ಭಾಗವಹಿಸಿದ್ದರು ಅಧಿಕಾರಿಗಳು ಮಾತನಾಡಿದರು ಗ್ರಾಮಸ್ಥರು ಒತ್ತಾಯಿಸಿದರು ಸಮಿತಿ ಸದಸ್ಯರು ಹಾಜರಿದ್ದರು ಶಿಕ್ಷಣ ಸಂಸ್ಥೆ ವಿದ್ಯಾರ್ಥಿಗಳು ಶಿಕ್ಷಕರು ಪೋಷಕರು ಪಾಲ್ಗೊಂಡಿದ್ದರು ಜಿಲ್ಲೆಯಲ್ಲಿ ಕಾರ್ಯಕ್ರಮ ನಡೆಯಿತು ಸಾರ್ವಜನಿಕರು ಭಾಗವಹಿಸಿದ್ದರು ಅಧಿಕಾರಿಗಳು ಮಾತನಾಡಿದರು ಗ್ರಾಮಸ್ಥರು ಒತ್ತಾಯಿಸಿದರು ಸಮಿತಿ ಸದಸ್ಯರು ಹಾಜರಿದ್ದರು ಶಿಕ್ಷಣ ಸಂಸ್ಥೆ ವಿದ್ಯಾರ್ಥಿಗಳು ಶಿಕ್ಷಕರು ಪೋಷಕರು ಪಾಲ್ಗೊಂಡಿದ್ದರು ಜಿಲ್ಲೆಯಲ್ಲಿ ಕಾರ್ಯಕ್ರಮ ನಡೆಯಿತು ಸಾರ್ವಜನಿಕರು ಭಾಗವಹಿಸಿದ್ದರು ಅಧಿಕಾರಿಗಳು ಮಾತನಾಡಿದರು ಗ್ರಾಮಸ್ಥರು ಒತ್ತಾಯಿಸಿದರು ಸಮಿತಿ ಸದಸ್ಯರು ಹಾಜರಿದ್ದರು ಶಿಕ್ಷಣ ಸಂಸ್ಥೆ ವಿದ್ಯಾರ್ಥಿಗಳು ಶಿಕ್ಷಕರು ಪೋಷಕರು ಪಾಲ್ಗೊಂಡಿದ್ದರು ಜಿಲ್ಲೆಯಲ್ಲಿ ಕಾರ್ಯಕ್ರಮ ನಡೆಯಿತು ಸಾರ್ವಜನಿಕರು ಭಾಗವಹಿಸಿದ್ದರು ಅಧಿಕಾರಿಗಳು ಮಾತನಾಡಿದರು ಗ್ರಾಮಸ್ಥರು ಒತ್ತಾಯಿಸಿದರು ಸಮಿತಿ ಸದಸ್ಯರು ಹಾಜರಿದ್ದರು ಶಿಕ್ಷಣ ಸಂಸ್ಥೆ ವಿದ್ಯಾರ್ಥಿಗಳು ಶಿಕ್ಷಕರು ಪೋಷಕರು ಪಾಲ್ಗೊಂಡಿದ್ದರು ಜಿಲ್ಲೆಯಲ್ಲಿ ಕಾರ್ಯಕ್ರಮ ನಡೆಯಿತು ಸಾರ್ವಜನಿಕರು ಭಾಗವಹಿಸಿದ್ದರು ಅಧಿಕಾರಿಗಳು ಮಾತನಾಡಿದರು ಗ್ರಾಮಸ್ಥರು ಒತ್ತಾಯಿಸಿದರು ಸಮಿತಿ ಸದಸ್ಯರು ಹಾಜರಿದ್ದರು ಶಿಕ್ಷಣ ಸಂಸ್ಥೆ ವಿದ್ಯಾರ್ಥಿಗಳು ಶಿಕ್ಷಕರು ಪೋಷಕರು ಪಾಲ್ಗೊಂಡಿದ್ದರು ಜಿಲ್ಲೆಯಲ್ಲಿ ಕಾರ್ಯಕ್ರಮ ನಡೆಯಿತು ಸಾರ್ವಜನಿಕರು ಭಾಗವಹಿಸಿದ್ದರು ಅಧಿಕಾರಿಗಳು ಮಾತನಾಡಿದರು ಗ್ರಾಮಸ್ಥರು ಒತ್ತಾಯಿಸಿದರು ಸಮಿತಿ ಸದಸ್ಯರು ಹಾಜರಿದ್ದರು ಶಿಕ್ಷಣ ಸಂಸ್ಥೆ ವಿದ್ಯಾರ್ಥಿಗಳು ಶಿಕ್ಷಕರು ಪೋಷಕರು ಪಾಲ್ಗೊಂಡಿದ್ದರು ಜಿಲ್ಲೆಯಲ್ಲಿ ಕಾರ್ಯಕ್ರಮ ನಡೆಯಿತು ಸಾರ್ವಜನಿಕರು ಭಾಗವಹಿಸಿದ್ದರು ಅಧಿಕಾರಿಗಳು ಮಾತನಾಡಿದರು ಗ್ರಾಮಸ್ಥರು ಒತ್ತಾಯಿಸಿದರು ಸಮಿತಿ ಸದಸ್ಯರು ಹಾಜರಿದ್ದರು ಶಿಕ್ಷಣ ಸಂಸ್ಥೆ ವಿದ್ಯಾರ್ಥಿಗಳು ಶಿಕ್ಷಕರು ಪೋಷಕರು ಪಾಲ್ಗೊಂಡಿದ್ದರು ಜಿಲ್ಲೆಯಲ್ಲಿ ಕಾರ್ಯಕ್ರಮ ನಡೆಯಿತು ಸಾರ್ವಜನಿಕರು ಭಾಗವಹಿಸಿದ್ದರು ಅಧಿಕಾರಿಗಳು ಮಾತನಾಡಿದರು ಗ್ರಾಮಸ್ಥರು ಒತ್ತಾಯಿಸಿದರು ಸಮಿತಿ ಸದಸ್ಯರು ಹಾಜರಿದ್ದರು ಶಿಕ್ಷಣ ಸಂಸ್ಥೆ ವಿದ್ಯಾರ್ಥಿಗಳು ಶಿಕ್ಷಕರು ಪೋಷಕರು ಪಾಲ್ಗೊಂಡಿದ್ದರು ಜಿಲ್ಲೆಯಲ್ಲಿ ಕಾರ್ಯಕ್ರಮ ನಡೆಯಿತು ಸಾರ್ವಜನಿಕರು ಭಾಗವಹಿಸಿದ್ದರು ಅಧಿಕಾರಿಗಳು ಮಾತನಾಡಿದರು ಗ್ರಾಮಸ್ಥರು ಒತ್ತಾಯಿಸಿದರು ಸಮಿತಿ ಸದಸ್ಯರು ಹಾಜರಿದ್ದರು ಶಿಕ್ಷಣ ಸಂಸ್ಥೆ ವಿದ್ಯಾರ್ಥಿಗಳು ಶಿಕ್ಷಕರು ಪೋಷಕರು ಪಾಲ್ಗೊಂಡಿದ್ದರು
ಸಿ.ಆರ್.ಪಿ. ನಂ. 2/2026
ಹಾಸನ: ಜಿಲ್ಲೆಯಲ್ಲಿ ಕಾರ್ಯಕ್ರಮ ನಡೆಯಿತು ಸಾರ್ವಜನಿಕರು ಭಾಗವಹಿಸಿದ್ದರು ಅಧಿಕಾರಿಗಳು ಮಾತನಾಡಿದರು ಗ್ರಾಮಸ್ಥರು ಒತ್ತಾಯಿಸಿದರು ಸಮಿತಿ ಸದಸ್ಯರು ಹಾಜರಿದ್ದರು ಶಿಕ್ಷಣ ಸಂಸ್ಥೆ ವಿದ್ಯಾರ್ಥಿಗಳು ಶಿಕ್ಷಕರು ಪೋಷಕರು ಪಾಲ್ಗೊಂಡಿದ್ದರು ಜಿಲ್ಲೆಯಲ್ಲಿ ಕಾರ್ಯಕ್ರಮ ನಡೆಯಿತು ಸಾರ್ವಜನಿಕರು ಭಾಗವಹಿಸಿದ್ದರು ಅಧಿಕಾರಿಗಳು ಮಾತನಾಡಿದರು ಗ್ರಾಮಸ್ಥರು ಒತ್ತಾಯಿಸಿದರು ಸಮಿತಿ ಸದಸ್ಯರು ಹಾಜರಿದ್ದರು ಶಿಕ್ಷಣ ಸಂಸ್ಥೆ ವಿದ್ಯಾರ್ಥಿಗಳು ಶಿಕ್ಷಕರು ಪೋಷಕರು ಪಾಲ್ಗೊಂಡಿದ್ದರು ಜಿಲ್ಲೆಯಲ್ಲಿ ಕಾರ್ಯಕ್ರಮ ನಡೆಯಿತು ಸಾರ್ವಜನಿಕರು ಭಾಗವಹಿಸಿದ್ದರು ಅಧಿಕಾರಿಗಳು ಮಾತನಾಡಿದರು ಗ್ರಾಮಸ್ಥರು ಒತ್ತಾಯಿಸಿದರು ಸಮಿತಿ ಸದಸ್ಯರು ಹಾಜರಿದ್ದರು ಶಿಕ್ಷಣ ಸಂಸ್ಥೆ ವಿದ್ಯಾರ್ಥಿಗಳು ಶಿಕ್ಷಕರು ಪೋಷಕರು ಪಾಲ್ಗೊಂಡಿದ್ದರು ಜಿಲ್ಲೆಯಲ್ಲಿ ಕಾರ್ಯಕ್ರಮ ನಡೆಯಿತು ಸಾರ್ವಜನಿಕರು ಭಾಗವಹಿಸಿದ್ದರು ಅಧಿಕಾರಿಗಳು ಮಾತನಾಡಿದರು ಗ್ರಾಮಸ್ಥರು ಒತ್ತಾಯಿಸಿದರು ಸಮಿತಿ ಸದಸ್ಯರು ಹಾಜರಿದ್ದರು ಶಿಕ್ಷಣ ಸಂಸ್ಥೆ ವಿದ್ಯಾರ್ಥಿಗಳು ಶಿಕ್ಷಕರು ಪೋಷಕರು ಪಾಲ್ಗೊಂಡಿದ್ದರು ಜಿಲ್ಲೆಯಲ್ಲಿ ಕಾರ್ಯಕ್ರಮ ನಡೆಯಿತು ಸಾರ್ವಜನಿಕರು ಭಾಗವಹಿಸಿದ್ದರು ಅಧಿಕಾರಿಗಳು ಮಾತನಾಡಿದರು ಗ್ರಾಮಸ್ಥರು ಒತ್ತಾಯಿಸಿದರು ಸಮಿತಿ ಸದಸ್ಯರು ಹಾಜರಿದ್ದರು ಶಿಕ್ಷಣ ಸಂಸ್ಥೆ ವಿದ್ಯಾರ್ಥಿಗಳು ಶಿಕ್ಷಕರು ಪೋಷಕರು ಪಾಲ್ಗೊಂಡಿದ್ದರು ಜಿಲ್ಲೆಯಲ್ಲಿ ಕಾರ್ಯಕ್ರಮ ನಡೆಯಿತು ಸಾರ್ವಜನಿಕರು ಭಾಗವಹಿಸಿದ್ದರು ಅಧಿಕಾರಿಗಳು ಮಾತನಾಡಿದರು ಗ್ರಾಮಸ್ಥರು ಒತ್ತಾಯಿಸಿದರು ಸಮಿತಿ ಸದಸ್ಯರು ಹಾಜರಿದ್ದರು ಶಿಕ್ಷಣ ಸಂಸ್ಥೆ ವಿದ್ಯಾರ್ಥಿಗಳು ಶಿಕ್ಷಕರು ಪೋಷಕರು ಪಾಲ್ಗೊಂಡಿದ್ದರು ಜಿಲ್ಲೆಯಲ್ಲಿ ಕಾರ್ಯಕ್ರಮ ನಡೆಯಿತು ಸಾರ್ವಜನಿಕರು ಭಾಗವಹಿಸಿದ್ದರು ಅಧಿಕಾರಿಗಳು ಮಾತನಾಡಿದರು ಗ್ರಾಮಸ್ಥರು ಒತ್ತಾಯಿಸಿದರು ಸಮಿತಿ ಸದಸ್ಯರು ಹಾಜರಿದ್ದರು ಶಿಕ್ಷಣ ಸಂಸ್ಥೆ ವಿದ್ಯಾರ್ಥಿಗಳು ಶಿಕ್ಷಕರು ಪೋಷಕರು ಪಾಲ್ಗೊಂಡಿದ್ದರು ಜಿಲ್ಲೆಯಲ್ಲಿ ಕಾರ್ಯಕ್ರಮ ನಡೆಯಿತು ಸಾರ್ವಜನಿಕರು ಭಾಗವಹಿಸಿದ್ದರು ಅಧಿಕಾರಿಗಳು ಮಾತನಾಡಿದರು ಗ್ರಾಮಸ್ಥರು ಒತ್ತಾಯಿಸಿದರು ಸಮಿತಿ ಸದಸ್ಯರು ಹಾಜರಿದ್ದರು ಶಿಕ್ಷಣ ಸಂಸ್ಥೆ ವಿದ್ಯಾರ್ಥಿಗಳು ಶಿಕ್ಷಕರು ಪೋಷಕರು ಪಾಲ್ಗೊಂಡಿದ್ದರು ಜಿಲ್ಲೆಯಲ್ಲಿ ಕಾರ್ಯಕ್ರಮ ನಡೆಯಿತು ಸಾರ್ವಜನಿಕರು ಭಾಗವಹಿಸಿದ್ದರು ಅಧಿಕಾರಿಗಳು ಮಾತನಾಡಿದರು ಗ್ರಾಮಸ್ಥರು ಒತ್ತಾಯಿಸಿದರು ಸಮಿತಿ ಸದಸ್ಯರು ಹಾಜರಿದ್ದರು ಶಿಕ್ಷಣ ಸಂಸ್ಥೆ ವಿದ್ಯಾರ್ಥಿಗಳು ಶಿಕ್ಷಕರು ಪೋಷಕರು ಪಾಲ್ಗೊಂಡಿದ್ದರು
